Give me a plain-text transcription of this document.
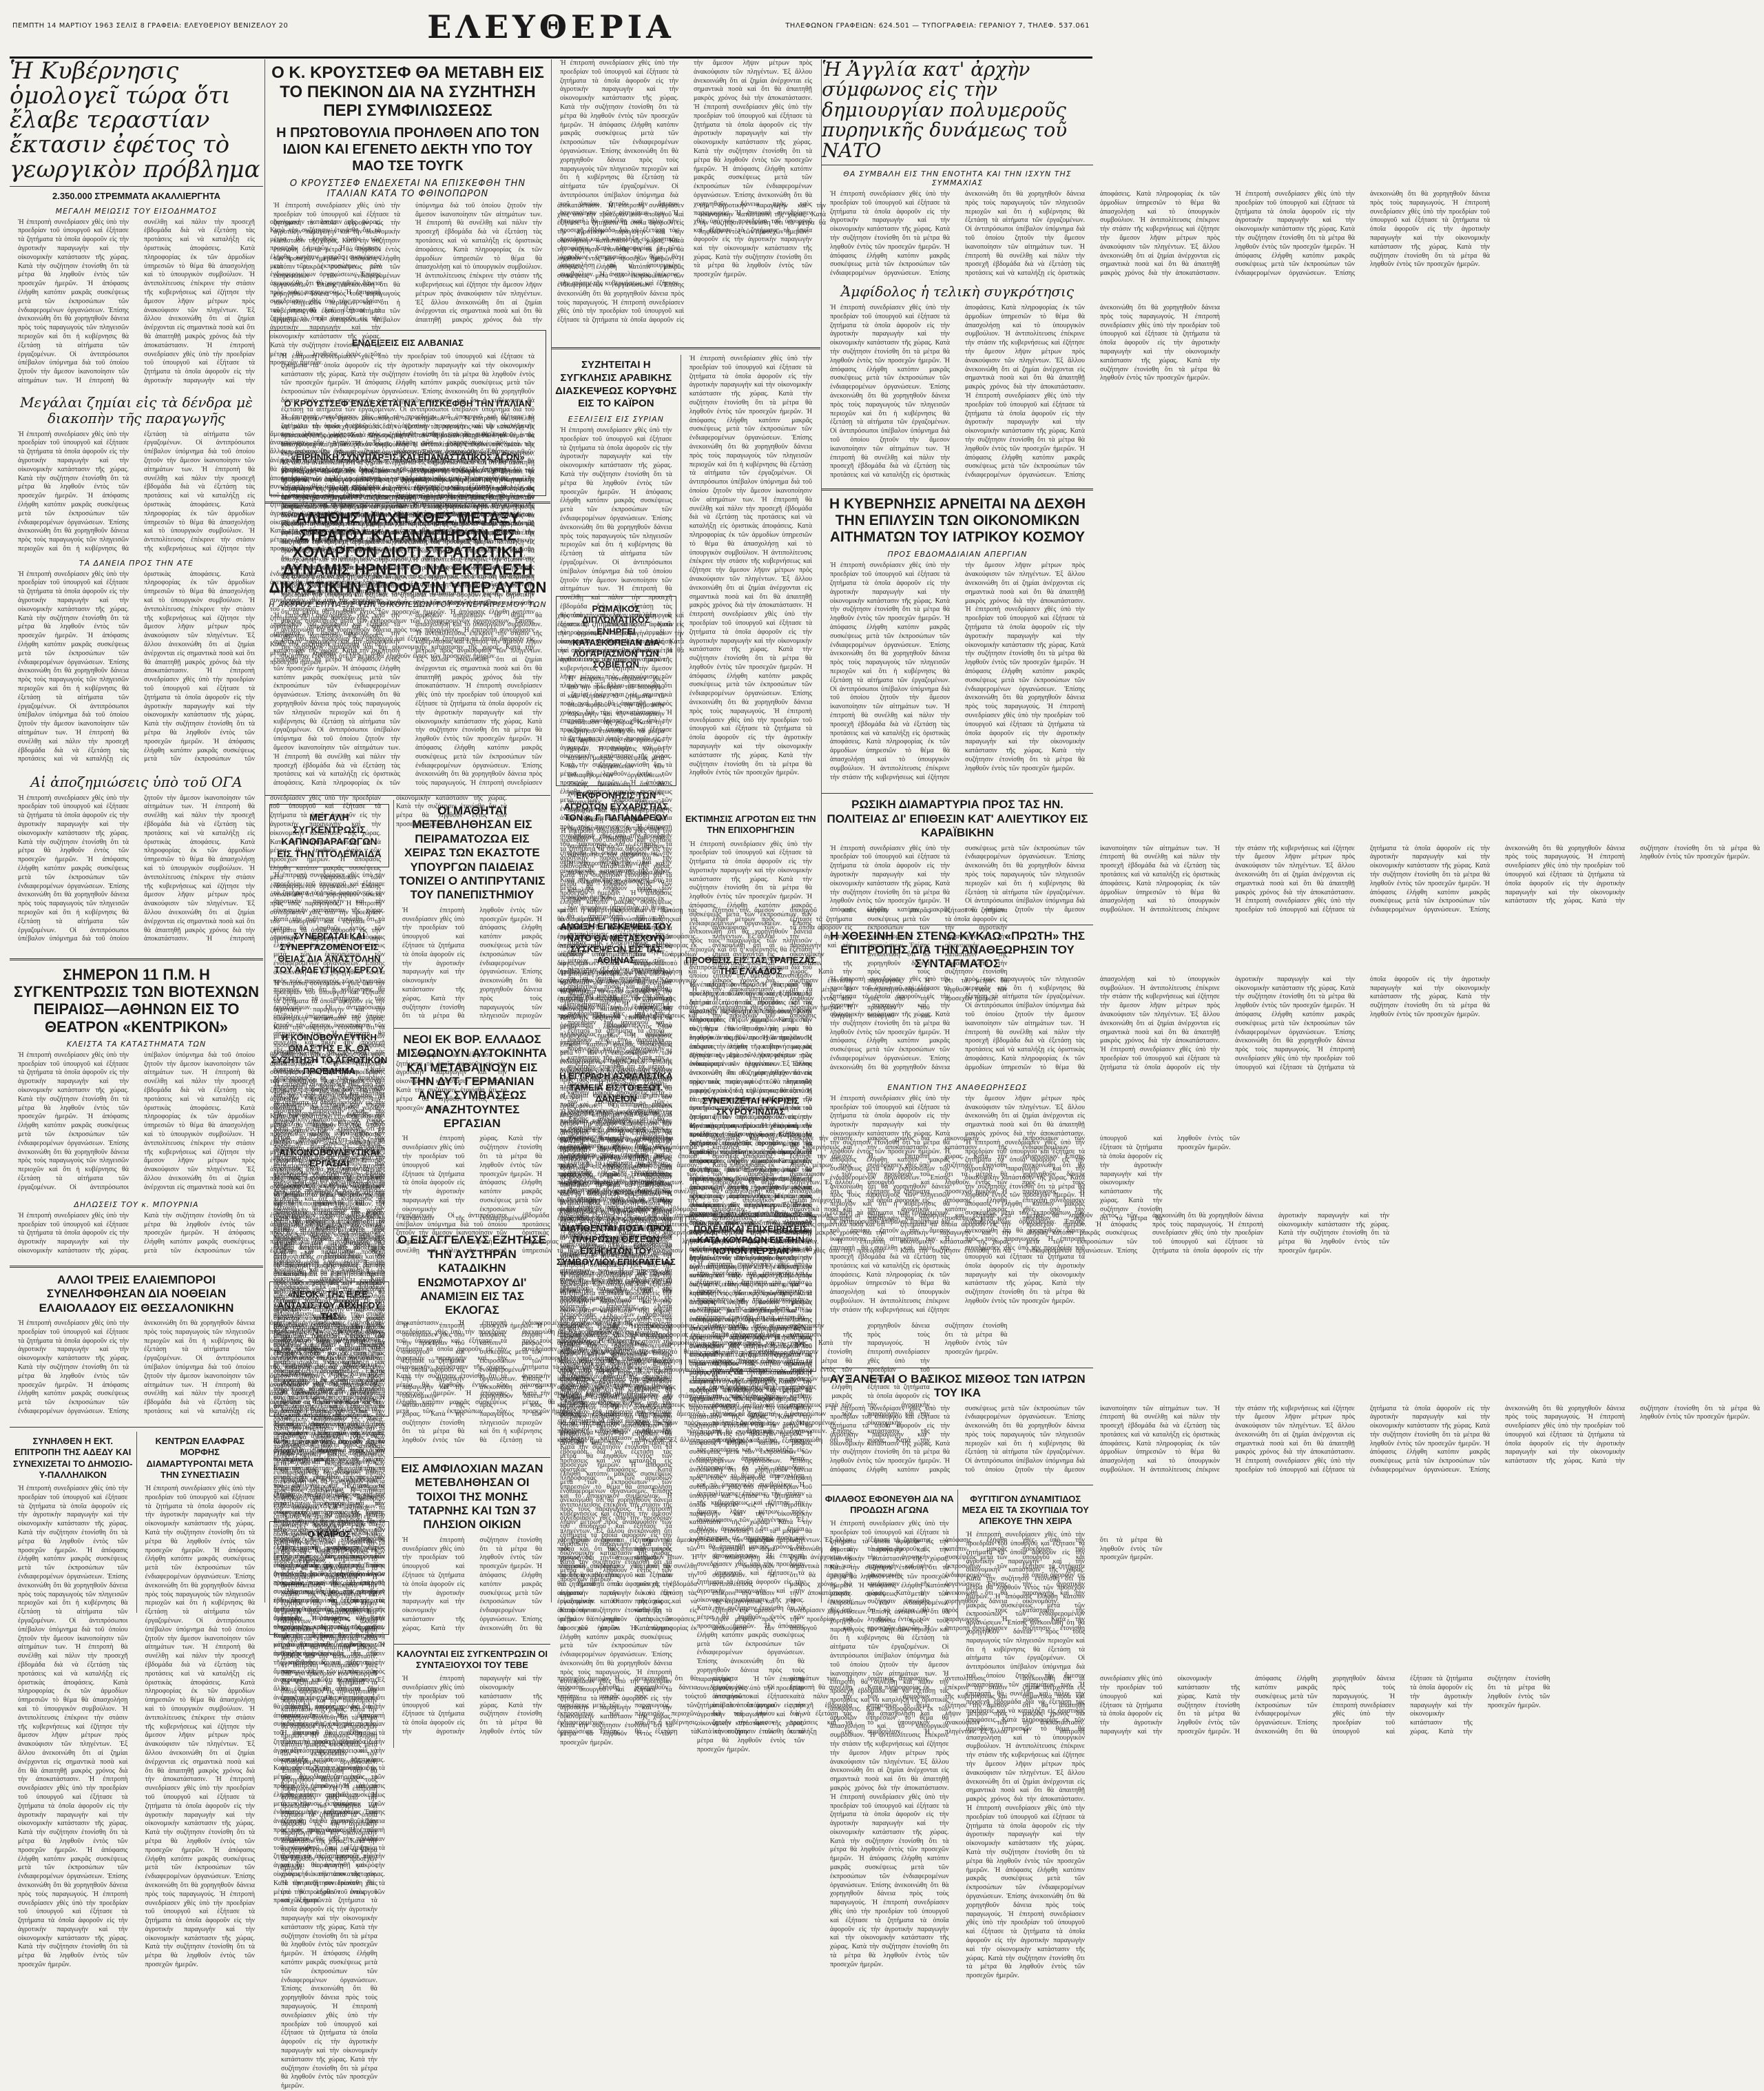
ΠΕΜΠΤΗ 14 ΜΑΡΤΙΟΥ 1963 ΣΕΛΙΣ 8 ΓΡΑΦΕΙΑ: ΕΛΕΥΘΕΡΙΟΥ ΒΕΝΙΖΕΛΟΥ 20	ΕΛΕΥΘΕΡΙΑ	ΤΗΛΕΦΩΝΟΝ ΓΡΑΦΕΙΩΝ: 624.501 — ΤΥΠΟΓΡΑΦΕΙΑ: ΓΕΡΑΝΙΟΥ 7, ΤΗΛΕΦ. 537.061
Ἡ Κυβέρνησις ὁμολογεῖ τώρα ὅτι ἔλαβε τεραστίαν ἔκτασιν ἐφέτος τὸ γεωργικὸν πρόβλημα
2.350.000 ΣΤΡΕΜΜΑΤΑ ΑΚΑΛΛΙΕΡΓΗΤΑ
ΜΕΓΑΛΗ ΜΕΙΩΣΙΣ ΤΟΥ ΕΙΣΟΔΗΜΑΤΟΣ
Ἡ ἐπιτροπὴ συνεδρίασεν χθὲς ὑπὸ τὴν προεδρίαν τοῦ ὑπουργοῦ καὶ ἐξήτασε τὰ ζητήματα τὰ ὁποῖα ἀφοροῦν εἰς τὴν ἀγροτικὴν παραγωγὴν καὶ τὴν οἰκονομικὴν κατάστασιν τῆς χώρας. Κατὰ τὴν συζήτησιν ἐτονίσθη ὅτι τὰ μέτρα θὰ ληφθοῦν ἐντὸς τῶν προσεχῶν ἡμερῶν. Ἡ ἀπόφασις ἐλήφθη κατόπιν μακρᾶς συσκέψεως μετὰ τῶν ἐκπροσώπων τῶν ἐνδιαφερομένων ὀργανώσεων. Ἐπίσης ἀνεκοινώθη ὅτι θὰ χορηγηθοῦν δάνεια πρὸς τοὺς παραγωγοὺς τῶν πληγεισῶν περιοχῶν καὶ ὅτι ἡ κυβέρνησις θὰ ἐξετάσῃ τὰ αἰτήματα τῶν ἐργαζομένων. Οἱ ἀντιπρόσωποι ὑπέβαλον ὑπόμνημα διὰ τοῦ ὁποίου ζητοῦν τὴν ἄμεσον ἱκανοποίησιν τῶν αἰτημάτων των. Ἡ ἐπιτροπὴ θὰ συνέλθῃ καὶ πάλιν τὴν προσεχῆ ἑβδομάδα διὰ νὰ ἐξετάσῃ τὰς προτάσεις καὶ νὰ καταλήξῃ εἰς ὁριστικὰς ἀποφάσεις. Κατὰ πληροφορίας ἐκ τῶν ἁρμοδίων ὑπηρεσιῶν τὸ θέμα θὰ ἀπασχολήσῃ καὶ τὸ ὑπουργικὸν συμβούλιον. Ἡ ἀντιπολίτευσις ἐπέκρινε τὴν στάσιν τῆς κυβερνήσεως καὶ ἐζήτησε τὴν ἄμεσον λῆψιν μέτρων πρὸς ἀνακούφισιν τῶν πληγέντων. Ἐξ ἄλλου ἀνεκοινώθη ὅτι αἱ ζημίαι ἀνέρχονται εἰς σημαντικὰ ποσὰ καὶ ὅτι θὰ ἀπαιτηθῇ μακρὸς χρόνος διὰ τὴν ἀποκατάστασιν. Ἡ ἐπιτροπὴ συνεδρίασεν χθὲς ὑπὸ τὴν προεδρίαν τοῦ ὑπουργοῦ καὶ ἐξήτασε τὰ ζητήματα τὰ ὁποῖα ἀφοροῦν εἰς τὴν ἀγροτικὴν παραγωγὴν καὶ τὴν οἰκονομικὴν κατάστασιν τῆς χώρας. Κατὰ τὴν συζήτησιν ἐτονίσθη ὅτι τὰ μέτρα θὰ ληφθοῦν ἐντὸς τῶν προσεχῶν ἡμερῶν. Ἡ ἀπόφασις ἐλήφθη κατόπιν μακρᾶς συσκέψεως μετὰ τῶν ἐκπροσώπων τῶν ἐνδιαφερομένων ὀργανώσεων. Ἐπίσης ἀνεκοινώθη ὅτι θὰ χορηγηθοῦν δάνεια πρὸς τοὺς παραγωγούς. Ἡ ἐπιτροπὴ συνεδρίασεν χθὲς ὑπὸ τὴν προεδρίαν τοῦ ὑπουργοῦ καὶ ἐξήτασε τὰ ζητήματα τὰ ὁποῖα ἀφοροῦν εἰς τὴν ἀγροτικὴν παραγωγὴν καὶ τὴν οἰκονομικὴν κατάστασιν τῆς χώρας. Κατὰ τὴν συζήτησιν ἐτονίσθη ὅτι τὰ μέτρα θὰ ληφθοῦν ἐντὸς τῶν προσεχῶν ἡμερῶν.
Μεγάλαι ζημίαι εἰς τὰ δένδρα μὲ διακοπὴν τῆς παραγωγῆς
Ἡ ἐπιτροπὴ συνεδρίασεν χθὲς ὑπὸ τὴν προεδρίαν τοῦ ὑπουργοῦ καὶ ἐξήτασε τὰ ζητήματα τὰ ὁποῖα ἀφοροῦν εἰς τὴν ἀγροτικὴν παραγωγὴν καὶ τὴν οἰκονομικὴν κατάστασιν τῆς χώρας. Κατὰ τὴν συζήτησιν ἐτονίσθη ὅτι τὰ μέτρα θὰ ληφθοῦν ἐντὸς τῶν προσεχῶν ἡμερῶν. Ἡ ἀπόφασις ἐλήφθη κατόπιν μακρᾶς συσκέψεως μετὰ τῶν ἐκπροσώπων τῶν ἐνδιαφερομένων ὀργανώσεων. Ἐπίσης ἀνεκοινώθη ὅτι θὰ χορηγηθοῦν δάνεια πρὸς τοὺς παραγωγοὺς τῶν πληγεισῶν περιοχῶν καὶ ὅτι ἡ κυβέρνησις θὰ ἐξετάσῃ τὰ αἰτήματα τῶν ἐργαζομένων. Οἱ ἀντιπρόσωποι ὑπέβαλον ὑπόμνημα διὰ τοῦ ὁποίου ζητοῦν τὴν ἄμεσον ἱκανοποίησιν τῶν αἰτημάτων των. Ἡ ἐπιτροπὴ θὰ συνέλθῃ καὶ πάλιν τὴν προσεχῆ ἑβδομάδα διὰ νὰ ἐξετάσῃ τὰς προτάσεις καὶ νὰ καταλήξῃ εἰς ὁριστικὰς ἀποφάσεις. Κατὰ πληροφορίας ἐκ τῶν ἁρμοδίων ὑπηρεσιῶν τὸ θέμα θὰ ἀπασχολήσῃ καὶ τὸ ὑπουργικὸν συμβούλιον. Ἡ ἀντιπολίτευσις ἐπέκρινε τὴν στάσιν τῆς κυβερνήσεως καὶ ἐζήτησε τὴν ἄμεσον λῆψιν μέτρων πρὸς ἀνακούφισιν τῶν πληγέντων. Ἐξ ἄλλου ἀνεκοινώθη ὅτι αἱ ζημίαι ἀνέρχονται εἰς σημαντικὰ ποσὰ καὶ ὅτι θὰ ἀπαιτηθῇ μακρὸς χρόνος διὰ τὴν ἀποκατάστασιν. Ἡ ἐπιτροπὴ συνεδρίασεν χθὲς ὑπὸ τὴν προεδρίαν τοῦ ὑπουργοῦ καὶ ἐξήτασε τὰ ζητήματα τὰ ὁποῖα ἀφοροῦν εἰς τὴν ἀγροτικὴν παραγωγὴν καὶ τὴν οἰκονομικὴν κατάστασιν τῆς χώρας. Κατὰ τὴν συζήτησιν ἐτονίσθη ὅτι τὰ μέτρα θὰ ληφθοῦν ἐντὸς τῶν προσεχῶν ἡμερῶν. Ἡ ἀπόφασις ἐλήφθη κατόπιν μακρᾶς συσκέψεως μετὰ τῶν ἐκπροσώπων τῶν ἐνδιαφερομένων ὀργανώσεων. Ἐπίσης ἀνεκοινώθη ὅτι θὰ χορηγηθοῦν δάνεια πρὸς τοὺς παραγωγούς. Ἡ ἐπιτροπὴ συνεδρίασεν χθὲς ὑπὸ τὴν προεδρίαν τοῦ ὑπουργοῦ καὶ ἐξήτασε τὰ ζητήματα τὰ ὁποῖα ἀφοροῦν εἰς τὴν ἀγροτικὴν παραγωγὴν καὶ τὴν οἰκονομικὴν κατάστασιν τῆς χώρας. Κατὰ τὴν συζήτησιν ἐτονίσθη ὅτι τὰ μέτρα θὰ ληφθοῦν ἐντὸς τῶν προσεχῶν ἡμερῶν.
ΤΑ ΔΑΝΕΙΑ ΠΡΟΣ ΤΗΝ ΑΤΕ
Ἡ ἐπιτροπὴ συνεδρίασεν χθὲς ὑπὸ τὴν προεδρίαν τοῦ ὑπουργοῦ καὶ ἐξήτασε τὰ ζητήματα τὰ ὁποῖα ἀφοροῦν εἰς τὴν ἀγροτικὴν παραγωγὴν καὶ τὴν οἰκονομικὴν κατάστασιν τῆς χώρας. Κατὰ τὴν συζήτησιν ἐτονίσθη ὅτι τὰ μέτρα θὰ ληφθοῦν ἐντὸς τῶν προσεχῶν ἡμερῶν. Ἡ ἀπόφασις ἐλήφθη κατόπιν μακρᾶς συσκέψεως μετὰ τῶν ἐκπροσώπων τῶν ἐνδιαφερομένων ὀργανώσεων. Ἐπίσης ἀνεκοινώθη ὅτι θὰ χορηγηθοῦν δάνεια πρὸς τοὺς παραγωγοὺς τῶν πληγεισῶν περιοχῶν καὶ ὅτι ἡ κυβέρνησις θὰ ἐξετάσῃ τὰ αἰτήματα τῶν ἐργαζομένων. Οἱ ἀντιπρόσωποι ὑπέβαλον ὑπόμνημα διὰ τοῦ ὁποίου ζητοῦν τὴν ἄμεσον ἱκανοποίησιν τῶν αἰτημάτων των. Ἡ ἐπιτροπὴ θὰ συνέλθῃ καὶ πάλιν τὴν προσεχῆ ἑβδομάδα διὰ νὰ ἐξετάσῃ τὰς προτάσεις καὶ νὰ καταλήξῃ εἰς ὁριστικὰς ἀποφάσεις. Κατὰ πληροφορίας ἐκ τῶν ἁρμοδίων ὑπηρεσιῶν τὸ θέμα θὰ ἀπασχολήσῃ καὶ τὸ ὑπουργικὸν συμβούλιον. Ἡ ἀντιπολίτευσις ἐπέκρινε τὴν στάσιν τῆς κυβερνήσεως καὶ ἐζήτησε τὴν ἄμεσον λῆψιν μέτρων πρὸς ἀνακούφισιν τῶν πληγέντων. Ἐξ ἄλλου ἀνεκοινώθη ὅτι αἱ ζημίαι ἀνέρχονται εἰς σημαντικὰ ποσὰ καὶ ὅτι θὰ ἀπαιτηθῇ μακρὸς χρόνος διὰ τὴν ἀποκατάστασιν. Ἡ ἐπιτροπὴ συνεδρίασεν χθὲς ὑπὸ τὴν προεδρίαν τοῦ ὑπουργοῦ καὶ ἐξήτασε τὰ ζητήματα τὰ ὁποῖα ἀφοροῦν εἰς τὴν ἀγροτικὴν παραγωγὴν καὶ τὴν οἰκονομικὴν κατάστασιν τῆς χώρας. Κατὰ τὴν συζήτησιν ἐτονίσθη ὅτι τὰ μέτρα θὰ ληφθοῦν ἐντὸς τῶν προσεχῶν ἡμερῶν. Ἡ ἀπόφασις ἐλήφθη κατόπιν μακρᾶς συσκέψεως μετὰ τῶν ἐκπροσώπων τῶν ἐνδιαφερομένων ὀργανώσεων. Ἐπίσης ἀνεκοινώθη ὅτι θὰ χορηγηθοῦν δάνεια πρὸς τοὺς παραγωγούς. Ἡ ἐπιτροπὴ συνεδρίασεν χθὲς ὑπὸ τὴν προεδρίαν τοῦ ὑπουργοῦ καὶ ἐξήτασε τὰ ζητήματα τὰ ὁποῖα ἀφοροῦν εἰς τὴν ἀγροτικὴν παραγωγὴν καὶ τὴν οἰκονομικὴν κατάστασιν τῆς χώρας. Κατὰ τὴν συζήτησιν ἐτονίσθη ὅτι τὰ μέτρα θὰ ληφθοῦν ἐντὸς τῶν προσεχῶν ἡμερῶν.
Αἱ ἀποζημιώσεις ὑπὸ τοῦ ΟΓΑ
Ἡ ἐπιτροπὴ συνεδρίασεν χθὲς ὑπὸ τὴν προεδρίαν τοῦ ὑπουργοῦ καὶ ἐξήτασε τὰ ζητήματα τὰ ὁποῖα ἀφοροῦν εἰς τὴν ἀγροτικὴν παραγωγὴν καὶ τὴν οἰκονομικὴν κατάστασιν τῆς χώρας. Κατὰ τὴν συζήτησιν ἐτονίσθη ὅτι τὰ μέτρα θὰ ληφθοῦν ἐντὸς τῶν προσεχῶν ἡμερῶν. Ἡ ἀπόφασις ἐλήφθη κατόπιν μακρᾶς συσκέψεως μετὰ τῶν ἐκπροσώπων τῶν ἐνδιαφερομένων ὀργανώσεων. Ἐπίσης ἀνεκοινώθη ὅτι θὰ χορηγηθοῦν δάνεια πρὸς τοὺς παραγωγοὺς τῶν πληγεισῶν περιοχῶν καὶ ὅτι ἡ κυβέρνησις θὰ ἐξετάσῃ τὰ αἰτήματα τῶν ἐργαζομένων. Οἱ ἀντιπρόσωποι ὑπέβαλον ὑπόμνημα διὰ τοῦ ὁποίου ζητοῦν τὴν ἄμεσον ἱκανοποίησιν τῶν αἰτημάτων των. Ἡ ἐπιτροπὴ θὰ συνέλθῃ καὶ πάλιν τὴν προσεχῆ ἑβδομάδα διὰ νὰ ἐξετάσῃ τὰς προτάσεις καὶ νὰ καταλήξῃ εἰς ὁριστικὰς ἀποφάσεις. Κατὰ πληροφορίας ἐκ τῶν ἁρμοδίων ὑπηρεσιῶν τὸ θέμα θὰ ἀπασχολήσῃ καὶ τὸ ὑπουργικὸν συμβούλιον. Ἡ ἀντιπολίτευσις ἐπέκρινε τὴν στάσιν τῆς κυβερνήσεως καὶ ἐζήτησε τὴν ἄμεσον λῆψιν μέτρων πρὸς ἀνακούφισιν τῶν πληγέντων. Ἐξ ἄλλου ἀνεκοινώθη ὅτι αἱ ζημίαι ἀνέρχονται εἰς σημαντικὰ ποσὰ καὶ ὅτι θὰ ἀπαιτηθῇ μακρὸς χρόνος διὰ τὴν ἀποκατάστασιν. Ἡ ἐπιτροπὴ συνεδρίασεν χθὲς ὑπὸ τὴν προεδρίαν τοῦ ὑπουργοῦ καὶ ἐξήτασε τὰ ζητήματα τὰ ὁποῖα ἀφοροῦν εἰς τὴν ἀγροτικὴν παραγωγὴν καὶ τὴν οἰκονομικὴν κατάστασιν τῆς χώρας. Κατὰ τὴν συζήτησιν ἐτονίσθη ὅτι τὰ μέτρα θὰ ληφθοῦν ἐντὸς τῶν προσεχῶν ἡμερῶν. Ἡ ἀπόφασις ἐλήφθη κατόπιν μακρᾶς συσκέψεως μετὰ τῶν ἐκπροσώπων τῶν ἐνδιαφερομένων ὀργανώσεων. Ἐπίσης ἀνεκοινώθη ὅτι θὰ χορηγηθοῦν δάνεια πρὸς τοὺς παραγωγούς. Ἡ ἐπιτροπὴ συνεδρίασεν χθὲς ὑπὸ τὴν προεδρίαν τοῦ ὑπουργοῦ καὶ ἐξήτασε τὰ ζητήματα τὰ ὁποῖα ἀφοροῦν εἰς τὴν ἀγροτικὴν παραγωγὴν καὶ τὴν οἰκονομικὴν κατάστασιν τῆς χώρας. Κατὰ τὴν συζήτησιν ἐτονίσθη ὅτι τὰ μέτρα θὰ ληφθοῦν ἐντὸς τῶν προσεχῶν ἡμερῶν.
ΣΗΜΕΡΟΝ 11 Π.Μ. Η ΣΥΓΚΕΝΤΡΩΣΙΣ ΤΩΝ ΒΙΟΤΕΧΝΩΝ ΠΕΙΡΑΙΩΣ—ΑΘΗΝΩΝ ΕΙΣ ΤΟ ΘΕΑΤΡΟΝ «ΚΕΝΤΡΙΚΟΝ»
ΚΛΕΙΣΤΑ ΤΑ ΚΑΤΑΣΤΗΜΑΤΑ ΤΩΝ
Ἡ ἐπιτροπὴ συνεδρίασεν χθὲς ὑπὸ τὴν προεδρίαν τοῦ ὑπουργοῦ καὶ ἐξήτασε τὰ ζητήματα τὰ ὁποῖα ἀφοροῦν εἰς τὴν ἀγροτικὴν παραγωγὴν καὶ τὴν οἰκονομικὴν κατάστασιν τῆς χώρας. Κατὰ τὴν συζήτησιν ἐτονίσθη ὅτι τὰ μέτρα θὰ ληφθοῦν ἐντὸς τῶν προσεχῶν ἡμερῶν. Ἡ ἀπόφασις ἐλήφθη κατόπιν μακρᾶς συσκέψεως μετὰ τῶν ἐκπροσώπων τῶν ἐνδιαφερομένων ὀργανώσεων. Ἐπίσης ἀνεκοινώθη ὅτι θὰ χορηγηθοῦν δάνεια πρὸς τοὺς παραγωγοὺς τῶν πληγεισῶν περιοχῶν καὶ ὅτι ἡ κυβέρνησις θὰ ἐξετάσῃ τὰ αἰτήματα τῶν ἐργαζομένων. Οἱ ἀντιπρόσωποι ὑπέβαλον ὑπόμνημα διὰ τοῦ ὁποίου ζητοῦν τὴν ἄμεσον ἱκανοποίησιν τῶν αἰτημάτων των. Ἡ ἐπιτροπὴ θὰ συνέλθῃ καὶ πάλιν τὴν προσεχῆ ἑβδομάδα διὰ νὰ ἐξετάσῃ τὰς προτάσεις καὶ νὰ καταλήξῃ εἰς ὁριστικὰς ἀποφάσεις. Κατὰ πληροφορίας ἐκ τῶν ἁρμοδίων ὑπηρεσιῶν τὸ θέμα θὰ ἀπασχολήσῃ καὶ τὸ ὑπουργικὸν συμβούλιον. Ἡ ἀντιπολίτευσις ἐπέκρινε τὴν στάσιν τῆς κυβερνήσεως καὶ ἐζήτησε τὴν ἄμεσον λῆψιν μέτρων πρὸς ἀνακούφισιν τῶν πληγέντων. Ἐξ ἄλλου ἀνεκοινώθη ὅτι αἱ ζημίαι ἀνέρχονται εἰς σημαντικὰ ποσὰ καὶ ὅτι θὰ ἀπαιτηθῇ μακρὸς χρόνος διὰ τὴν ἀποκατάστασιν. Ἡ ἐπιτροπὴ συνεδρίασεν χθὲς ὑπὸ τὴν προεδρίαν τοῦ ὑπουργοῦ καὶ ἐξήτασε τὰ ζητήματα τὰ ὁποῖα ἀφοροῦν εἰς τὴν ἀγροτικὴν παραγωγὴν καὶ τὴν οἰκονομικὴν κατάστασιν τῆς χώρας. Κατὰ τὴν συζήτησιν ἐτονίσθη ὅτι τὰ μέτρα θὰ ληφθοῦν ἐντὸς τῶν προσεχῶν ἡμερῶν. Ἡ ἀπόφασις ἐλήφθη κατόπιν μακρᾶς συσκέψεως μετὰ τῶν ἐκπροσώπων τῶν ἐνδιαφερομένων ὀργανώσεων. Ἐπίσης ἀνεκοινώθη ὅτι θὰ χορηγηθοῦν δάνεια πρὸς τοὺς παραγωγούς. Ἡ ἐπιτροπὴ συνεδρίασεν χθὲς ὑπὸ τὴν προεδρίαν τοῦ ὑπουργοῦ καὶ ἐξήτασε τὰ ζητήματα τὰ ὁποῖα ἀφοροῦν εἰς τὴν ἀγροτικὴν παραγωγὴν καὶ τὴν οἰκονομικὴν κατάστασιν τῆς χώρας. Κατὰ τὴν συζήτησιν ἐτονίσθη ὅτι τὰ μέτρα θὰ ληφθοῦν ἐντὸς τῶν προσεχῶν ἡμερῶν.
ΔΗΛΩΣΕΙΣ ΤΟΥ κ. ΜΠΟΥΡΝΙΑ
Ἡ ἐπιτροπὴ συνεδρίασεν χθὲς ὑπὸ τὴν προεδρίαν τοῦ ὑπουργοῦ καὶ ἐξήτασε τὰ ζητήματα τὰ ὁποῖα ἀφοροῦν εἰς τὴν ἀγροτικὴν παραγωγὴν καὶ τὴν οἰκονομικὴν κατάστασιν τῆς χώρας. Κατὰ τὴν συζήτησιν ἐτονίσθη ὅτι τὰ μέτρα θὰ ληφθοῦν ἐντὸς τῶν προσεχῶν ἡμερῶν. Ἡ ἀπόφασις ἐλήφθη κατόπιν μακρᾶς συσκέψεως μετὰ τῶν ἐκπροσώπων τῶν ἐνδιαφερομένων ὀργανώσεων. Ἐπίσης ἀνεκοινώθη ὅτι θὰ χορηγηθοῦν δάνεια πρὸς τοὺς παραγωγοὺς τῶν πληγεισῶν περιοχῶν καὶ ὅτι ἡ κυβέρνησις θὰ ἐξετάσῃ τὰ αἰτήματα τῶν ἐργαζομένων. Οἱ ἀντιπρόσωποι ὑπέβαλον ὑπόμνημα διὰ τοῦ ὁποίου ζητοῦν τὴν ἄμεσον ἱκανοποίησιν τῶν αἰτημάτων των. Ἡ ἐπιτροπὴ θὰ συνέλθῃ καὶ πάλιν τὴν προσεχῆ ἑβδομάδα διὰ νὰ ἐξετάσῃ τὰς προτάσεις καὶ νὰ καταλήξῃ εἰς ὁριστικὰς ἀποφάσεις. Κατὰ πληροφορίας ἐκ τῶν ἁρμοδίων ὑπηρεσιῶν τὸ θέμα θὰ ἀπασχολήσῃ καὶ τὸ ὑπουργικὸν συμβούλιον. Ἡ ἀντιπολίτευσις ἐπέκρινε τὴν στάσιν τῆς κυβερνήσεως καὶ ἐζήτησε τὴν ἄμεσον λῆψιν μέτρων πρὸς ἀνακούφισιν τῶν πληγέντων. Ἐξ ἄλλου ἀνεκοινώθη ὅτι αἱ ζημίαι ἀνέρχονται εἰς σημαντικὰ ποσὰ καὶ ὅτι θὰ ἀπαιτηθῇ μακρὸς χρόνος διὰ τὴν ἀποκατάστασιν. Ἡ ἐπιτροπὴ συνεδρίασεν χθὲς ὑπὸ τὴν προεδρίαν τοῦ ὑπουργοῦ καὶ ἐξήτασε τὰ ζητήματα τὰ ὁποῖα ἀφοροῦν εἰς τὴν ἀγροτικὴν παραγωγὴν καὶ τὴν οἰκονομικὴν κατάστασιν τῆς χώρας. Κατὰ τὴν συζήτησιν ἐτονίσθη ὅτι τὰ μέτρα θὰ ληφθοῦν ἐντὸς τῶν προσεχῶν ἡμερῶν. Ἡ ἀπόφασις ἐλήφθη κατόπιν μακρᾶς συσκέψεως μετὰ τῶν ἐκπροσώπων τῶν ἐνδιαφερομένων ὀργανώσεων. Ἐπίσης ἀνεκοινώθη ὅτι θὰ χορηγηθοῦν δάνεια πρὸς τοὺς παραγωγούς. Ἡ ἐπιτροπὴ συνεδρίασεν χθὲς ὑπὸ τὴν προεδρίαν τοῦ ὑπουργοῦ καὶ ἐξήτασε τὰ ζητήματα τὰ ὁποῖα ἀφοροῦν εἰς τὴν ἀγροτικὴν παραγωγὴν καὶ τὴν οἰκονομικὴν κατάστασιν τῆς χώρας. Κατὰ τὴν συζήτησιν ἐτονίσθη ὅτι τὰ μέτρα θὰ ληφθοῦν ἐντὸς τῶν προσεχῶν ἡμερῶν.
ΑΛΛΟΙ ΤΡΕΙΣ ΕΛΑΙΕΜΠΟΡΟΙ ΣΥΝΕΛΗΦΘΗΣΑΝ ΔΙΑ ΝΟΘΕΙΑΝ ΕΛΑΙΟΛΑΔΟΥ ΕΙΣ ΘΕΣΣΑΛΟΝΙΚΗΝ
Ἡ ἐπιτροπὴ συνεδρίασεν χθὲς ὑπὸ τὴν προεδρίαν τοῦ ὑπουργοῦ καὶ ἐξήτασε τὰ ζητήματα τὰ ὁποῖα ἀφοροῦν εἰς τὴν ἀγροτικὴν παραγωγὴν καὶ τὴν οἰκονομικὴν κατάστασιν τῆς χώρας. Κατὰ τὴν συζήτησιν ἐτονίσθη ὅτι τὰ μέτρα θὰ ληφθοῦν ἐντὸς τῶν προσεχῶν ἡμερῶν. Ἡ ἀπόφασις ἐλήφθη κατόπιν μακρᾶς συσκέψεως μετὰ τῶν ἐκπροσώπων τῶν ἐνδιαφερομένων ὀργανώσεων. Ἐπίσης ἀνεκοινώθη ὅτι θὰ χορηγηθοῦν δάνεια πρὸς τοὺς παραγωγοὺς τῶν πληγεισῶν περιοχῶν καὶ ὅτι ἡ κυβέρνησις θὰ ἐξετάσῃ τὰ αἰτήματα τῶν ἐργαζομένων. Οἱ ἀντιπρόσωποι ὑπέβαλον ὑπόμνημα διὰ τοῦ ὁποίου ζητοῦν τὴν ἄμεσον ἱκανοποίησιν τῶν αἰτημάτων των. Ἡ ἐπιτροπὴ θὰ συνέλθῃ καὶ πάλιν τὴν προσεχῆ ἑβδομάδα διὰ νὰ ἐξετάσῃ τὰς προτάσεις καὶ νὰ καταλήξῃ εἰς ὁριστικὰς ἀποφάσεις. Κατὰ πληροφορίας ἐκ τῶν ἁρμοδίων ὑπηρεσιῶν τὸ θέμα θὰ ἀπασχολήσῃ καὶ τὸ ὑπουργικὸν συμβούλιον. Ἡ ἀντιπολίτευσις ἐπέκρινε τὴν στάσιν τῆς κυβερνήσεως καὶ ἐζήτησε τὴν ἄμεσον λῆψιν μέτρων πρὸς ἀνακούφισιν τῶν πληγέντων. Ἐξ ἄλλου ἀνεκοινώθη ὅτι αἱ ζημίαι ἀνέρχονται εἰς σημαντικὰ ποσὰ καὶ ὅτι θὰ ἀπαιτηθῇ μακρὸς χρόνος διὰ τὴν ἀποκατάστασιν. Ἡ ἐπιτροπὴ συνεδρίασεν χθὲς ὑπὸ τὴν προεδρίαν τοῦ ὑπουργοῦ καὶ ἐξήτασε τὰ ζητήματα τὰ ὁποῖα ἀφοροῦν εἰς τὴν ἀγροτικὴν παραγωγὴν καὶ τὴν οἰκονομικὴν κατάστασιν τῆς χώρας. Κατὰ τὴν συζήτησιν ἐτονίσθη ὅτι τὰ μέτρα θὰ ληφθοῦν ἐντὸς τῶν προσεχῶν ἡμερῶν. Ἡ ἀπόφασις ἐλήφθη κατόπιν μακρᾶς συσκέψεως μετὰ τῶν ἐκπροσώπων τῶν ἐνδιαφερομένων ὀργανώσεων. Ἐπίσης ἀνεκοινώθη ὅτι θὰ χορηγηθοῦν δάνεια πρὸς τοὺς παραγωγούς. Ἡ ἐπιτροπὴ συνεδρίασεν χθὲς ὑπὸ τὴν προεδρίαν τοῦ ὑπουργοῦ καὶ ἐξήτασε τὰ ζητήματα τὰ ὁποῖα ἀφοροῦν εἰς τὴν ἀγροτικὴν παραγωγὴν καὶ τὴν οἰκονομικὴν κατάστασιν τῆς χώρας. Κατὰ τὴν συζήτησιν ἐτονίσθη ὅτι τὰ μέτρα θὰ ληφθοῦν ἐντὸς τῶν προσεχῶν ἡμερῶν.
ΣΥΝΗΛΘΕΝ Η ΕΚΤ. ΕΠΙΤΡΟΠΗ ΤΗΣ ΑΔΕΔΥ ΚΑΙ ΣΥΝΕΧΙΖΕΤΑΙ ΤΟ ΔΗΜΟΣΙΟ-Υ-ΠΑΛΛΗΛΙΚΟΝ
Ἡ ἐπιτροπὴ συνεδρίασεν χθὲς ὑπὸ τὴν προεδρίαν τοῦ ὑπουργοῦ καὶ ἐξήτασε τὰ ζητήματα τὰ ὁποῖα ἀφοροῦν εἰς τὴν ἀγροτικὴν παραγωγὴν καὶ τὴν οἰκονομικὴν κατάστασιν τῆς χώρας. Κατὰ τὴν συζήτησιν ἐτονίσθη ὅτι τὰ μέτρα θὰ ληφθοῦν ἐντὸς τῶν προσεχῶν ἡμερῶν. Ἡ ἀπόφασις ἐλήφθη κατόπιν μακρᾶς συσκέψεως μετὰ τῶν ἐκπροσώπων τῶν ἐνδιαφερομένων ὀργανώσεων. Ἐπίσης ἀνεκοινώθη ὅτι θὰ χορηγηθοῦν δάνεια πρὸς τοὺς παραγωγοὺς τῶν πληγεισῶν περιοχῶν καὶ ὅτι ἡ κυβέρνησις θὰ ἐξετάσῃ τὰ αἰτήματα τῶν ἐργαζομένων. Οἱ ἀντιπρόσωποι ὑπέβαλον ὑπόμνημα διὰ τοῦ ὁποίου ζητοῦν τὴν ἄμεσον ἱκανοποίησιν τῶν αἰτημάτων των. Ἡ ἐπιτροπὴ θὰ συνέλθῃ καὶ πάλιν τὴν προσεχῆ ἑβδομάδα διὰ νὰ ἐξετάσῃ τὰς προτάσεις καὶ νὰ καταλήξῃ εἰς ὁριστικὰς ἀποφάσεις. Κατὰ πληροφορίας ἐκ τῶν ἁρμοδίων ὑπηρεσιῶν τὸ θέμα θὰ ἀπασχολήσῃ καὶ τὸ ὑπουργικὸν συμβούλιον. Ἡ ἀντιπολίτευσις ἐπέκρινε τὴν στάσιν τῆς κυβερνήσεως καὶ ἐζήτησε τὴν ἄμεσον λῆψιν μέτρων πρὸς ἀνακούφισιν τῶν πληγέντων. Ἐξ ἄλλου ἀνεκοινώθη ὅτι αἱ ζημίαι ἀνέρχονται εἰς σημαντικὰ ποσὰ καὶ ὅτι θὰ ἀπαιτηθῇ μακρὸς χρόνος διὰ τὴν ἀποκατάστασιν. Ἡ ἐπιτροπὴ συνεδρίασεν χθὲς ὑπὸ τὴν προεδρίαν τοῦ ὑπουργοῦ καὶ ἐξήτασε τὰ ζητήματα τὰ ὁποῖα ἀφοροῦν εἰς τὴν ἀγροτικὴν παραγωγὴν καὶ τὴν οἰκονομικὴν κατάστασιν τῆς χώρας. Κατὰ τὴν συζήτησιν ἐτονίσθη ὅτι τὰ μέτρα θὰ ληφθοῦν ἐντὸς τῶν προσεχῶν ἡμερῶν. Ἡ ἀπόφασις ἐλήφθη κατόπιν μακρᾶς συσκέψεως μετὰ τῶν ἐκπροσώπων τῶν ἐνδιαφερομένων ὀργανώσεων. Ἐπίσης ἀνεκοινώθη ὅτι θὰ χορηγηθοῦν δάνεια πρὸς τοὺς παραγωγούς. Ἡ ἐπιτροπὴ συνεδρίασεν χθὲς ὑπὸ τὴν προεδρίαν τοῦ ὑπουργοῦ καὶ ἐξήτασε τὰ ζητήματα τὰ ὁποῖα ἀφοροῦν εἰς τὴν ἀγροτικὴν παραγωγὴν καὶ τὴν οἰκονομικὴν κατάστασιν τῆς χώρας. Κατὰ τὴν συζήτησιν ἐτονίσθη ὅτι τὰ μέτρα θὰ ληφθοῦν ἐντὸς τῶν προσεχῶν ἡμερῶν.
ΚΕΝΤΡΩΝ ΕΛΑΦΡΑΣ ΜΟΡΦΗΣ ΔΙΑΜΑΡΤΥΡΟΝΤΑΙ ΜΕΤΑ ΤΗΝ ΣΥΝΕΣΤΙΑΣΙΝ
Ἡ ἐπιτροπὴ συνεδρίασεν χθὲς ὑπὸ τὴν προεδρίαν τοῦ ὑπουργοῦ καὶ ἐξήτασε τὰ ζητήματα τὰ ὁποῖα ἀφοροῦν εἰς τὴν ἀγροτικὴν παραγωγὴν καὶ τὴν οἰκονομικὴν κατάστασιν τῆς χώρας. Κατὰ τὴν συζήτησιν ἐτονίσθη ὅτι τὰ μέτρα θὰ ληφθοῦν ἐντὸς τῶν προσεχῶν ἡμερῶν. Ἡ ἀπόφασις ἐλήφθη κατόπιν μακρᾶς συσκέψεως μετὰ τῶν ἐκπροσώπων τῶν ἐνδιαφερομένων ὀργανώσεων. Ἐπίσης ἀνεκοινώθη ὅτι θὰ χορηγηθοῦν δάνεια πρὸς τοὺς παραγωγοὺς τῶν πληγεισῶν περιοχῶν καὶ ὅτι ἡ κυβέρνησις θὰ ἐξετάσῃ τὰ αἰτήματα τῶν ἐργαζομένων. Οἱ ἀντιπρόσωποι ὑπέβαλον ὑπόμνημα διὰ τοῦ ὁποίου ζητοῦν τὴν ἄμεσον ἱκανοποίησιν τῶν αἰτημάτων των. Ἡ ἐπιτροπὴ θὰ συνέλθῃ καὶ πάλιν τὴν προσεχῆ ἑβδομάδα διὰ νὰ ἐξετάσῃ τὰς προτάσεις καὶ νὰ καταλήξῃ εἰς ὁριστικὰς ἀποφάσεις. Κατὰ πληροφορίας ἐκ τῶν ἁρμοδίων ὑπηρεσιῶν τὸ θέμα θὰ ἀπασχολήσῃ καὶ τὸ ὑπουργικὸν συμβούλιον. Ἡ ἀντιπολίτευσις ἐπέκρινε τὴν στάσιν τῆς κυβερνήσεως καὶ ἐζήτησε τὴν ἄμεσον λῆψιν μέτρων πρὸς ἀνακούφισιν τῶν πληγέντων. Ἐξ ἄλλου ἀνεκοινώθη ὅτι αἱ ζημίαι ἀνέρχονται εἰς σημαντικὰ ποσὰ καὶ ὅτι θὰ ἀπαιτηθῇ μακρὸς χρόνος διὰ τὴν ἀποκατάστασιν. Ἡ ἐπιτροπὴ συνεδρίασεν χθὲς ὑπὸ τὴν προεδρίαν τοῦ ὑπουργοῦ καὶ ἐξήτασε τὰ ζητήματα τὰ ὁποῖα ἀφοροῦν εἰς τὴν ἀγροτικὴν παραγωγὴν καὶ τὴν οἰκονομικὴν κατάστασιν τῆς χώρας. Κατὰ τὴν συζήτησιν ἐτονίσθη ὅτι τὰ μέτρα θὰ ληφθοῦν ἐντὸς τῶν προσεχῶν ἡμερῶν. Ἡ ἀπόφασις ἐλήφθη κατόπιν μακρᾶς συσκέψεως μετὰ τῶν ἐκπροσώπων τῶν ἐνδιαφερομένων ὀργανώσεων. Ἐπίσης ἀνεκοινώθη ὅτι θὰ χορηγηθοῦν δάνεια πρὸς τοὺς παραγωγούς. Ἡ ἐπιτροπὴ συνεδρίασεν χθὲς ὑπὸ τὴν προεδρίαν τοῦ ὑπουργοῦ καὶ ἐξήτασε τὰ ζητήματα τὰ ὁποῖα ἀφοροῦν εἰς τὴν ἀγροτικὴν παραγωγὴν καὶ τὴν οἰκονομικὴν κατάστασιν τῆς χώρας. Κατὰ τὴν συζήτησιν ἐτονίσθη ὅτι τὰ μέτρα θὰ ληφθοῦν ἐντὸς τῶν προσεχῶν ἡμερῶν.
Ο Κ. ΚΡΟΥΣΤΣΕΦ ΘΑ ΜΕΤΑΒΗ ΕΙΣ ΤΟ ΠΕΚΙΝΟΝ ΔΙΑ ΝΑ ΣΥΖΗΤΗΣΗ ΠΕΡΙ ΣΥΜΦΙΛΙΩΣΕΩΣ
Η ΠΡΩΤΟΒΟΥΛΙΑ ΠΡΟΗΛΘΕΝ ΑΠΟ ΤΟΝ ΙΔΙΟΝ ΚΑΙ ΕΓΕΝΕΤΟ ΔΕΚΤΗ ΥΠΟ ΤΟΥ ΜΑΟ ΤΣΕ ΤΟΥΓΚ
Ο ΚΡΟΥΣΤΣΕΦ ΕΝΔΕΧΕΤΑΙ ΝΑ ΕΠΙΣΚΕΦΘΗ ΤΗΝ ΙΤΑΛΙΑΝ ΚΑΤΑ ΤΟ ΦΘΙΝΟΠΩΡΟΝ
Ἡ ἐπιτροπὴ συνεδρίασεν χθὲς ὑπὸ τὴν προεδρίαν τοῦ ὑπουργοῦ καὶ ἐξήτασε τὰ ζητήματα τὰ ὁποῖα ἀφοροῦν εἰς τὴν ἀγροτικὴν παραγωγὴν καὶ τὴν οἰκονομικὴν κατάστασιν τῆς χώρας. Κατὰ τὴν συζήτησιν ἐτονίσθη ὅτι τὰ μέτρα θὰ ληφθοῦν ἐντὸς τῶν προσεχῶν ἡμερῶν. Ἡ ἀπόφασις ἐλήφθη κατόπιν μακρᾶς συσκέψεως μετὰ τῶν ἐκπροσώπων τῶν ἐνδιαφερομένων ὀργανώσεων. Ἐπίσης ἀνεκοινώθη ὅτι θὰ χορηγηθοῦν δάνεια πρὸς τοὺς παραγωγοὺς τῶν πληγεισῶν περιοχῶν καὶ ὅτι ἡ κυβέρνησις θὰ ἐξετάσῃ τὰ αἰτήματα τῶν ἐργαζομένων. Οἱ ἀντιπρόσωποι ὑπέβαλον ὑπόμνημα διὰ τοῦ ὁποίου ζητοῦν τὴν ἄμεσον ἱκανοποίησιν τῶν αἰτημάτων των. Ἡ ἐπιτροπὴ θὰ συνέλθῃ καὶ πάλιν τὴν προσεχῆ ἑβδομάδα διὰ νὰ ἐξετάσῃ τὰς προτάσεις καὶ νὰ καταλήξῃ εἰς ὁριστικὰς ἀποφάσεις. Κατὰ πληροφορίας ἐκ τῶν ἁρμοδίων ὑπηρεσιῶν τὸ θέμα θὰ ἀπασχολήσῃ καὶ τὸ ὑπουργικὸν συμβούλιον. Ἡ ἀντιπολίτευσις ἐπέκρινε τὴν στάσιν τῆς κυβερνήσεως καὶ ἐζήτησε τὴν ἄμεσον λῆψιν μέτρων πρὸς ἀνακούφισιν τῶν πληγέντων. Ἐξ ἄλλου ἀνεκοινώθη ὅτι αἱ ζημίαι ἀνέρχονται εἰς σημαντικὰ ποσὰ καὶ ὅτι θὰ ἀπαιτηθῇ μακρὸς χρόνος διὰ τὴν ἀποκατάστασιν. Ἡ ἐπιτροπὴ συνεδρίασεν χθὲς ὑπὸ τὴν προεδρίαν τοῦ ὑπουργοῦ καὶ ἐξήτασε τὰ ζητήματα τὰ ὁποῖα ἀφοροῦν εἰς τὴν ἀγροτικὴν παραγωγὴν καὶ τὴν οἰκονομικὴν κατάστασιν τῆς χώρας. Κατὰ τὴν συζήτησιν ἐτονίσθη ὅτι τὰ μέτρα θὰ ληφθοῦν ἐντὸς τῶν προσεχῶν ἡμερῶν. Ἡ ἀπόφασις ἐλήφθη κατόπιν μακρᾶς συσκέψεως μετὰ τῶν ἐκπροσώπων τῶν ἐνδιαφερομένων ὀργανώσεων. Ἐπίσης ἀνεκοινώθη ὅτι θὰ χορηγηθοῦν δάνεια πρὸς τοὺς παραγωγούς. Ἡ ἐπιτροπὴ συνεδρίασεν χθὲς ὑπὸ τὴν προεδρίαν τοῦ ὑπουργοῦ καὶ ἐξήτασε τὰ ζητήματα τὰ ὁποῖα ἀφοροῦν εἰς τὴν ἀγροτικὴν παραγωγὴν καὶ τὴν οἰκονομικὴν κατάστασιν τῆς χώρας. Κατὰ τὴν συζήτησιν ἐτονίσθη ὅτι τὰ μέτρα θὰ ληφθοῦν ἐντὸς τῶν προσεχῶν ἡμερῶν.
ΕΝΔΕΙΞΕΙΣ ΕΙΣ ΑΛΒΑΝΙΑΣ
Ἡ ἐπιτροπὴ συνεδρίασεν χθὲς ὑπὸ τὴν προεδρίαν τοῦ ὑπουργοῦ καὶ ἐξήτασε τὰ ζητήματα τὰ ὁποῖα ἀφοροῦν εἰς τὴν ἀγροτικὴν παραγωγὴν καὶ τὴν οἰκονομικὴν κατάστασιν τῆς χώρας. Κατὰ τὴν συζήτησιν ἐτονίσθη ὅτι τὰ μέτρα θὰ ληφθοῦν ἐντὸς τῶν προσεχῶν ἡμερῶν. Ἡ ἀπόφασις ἐλήφθη κατόπιν μακρᾶς συσκέψεως μετὰ τῶν ἐκπροσώπων τῶν ἐνδιαφερομένων ὀργανώσεων. Ἐπίσης ἀνεκοινώθη ὅτι θὰ χορηγηθοῦν δάνεια πρὸς τοὺς παραγωγοὺς τῶν πληγεισῶν περιοχῶν καὶ ὅτι ἡ κυβέρνησις θὰ ἐξετάσῃ τὰ αἰτήματα τῶν ἐργαζομένων. Οἱ ἀντιπρόσωποι ὑπέβαλον ὑπόμνημα διὰ τοῦ ὁποίου ζητοῦν τὴν ἄμεσον ἱκανοποίησιν τῶν αἰτημάτων των. Ἡ ἐπιτροπὴ θὰ συνέλθῃ καὶ πάλιν τὴν προσεχῆ ἑβδομάδα διὰ νὰ ἐξετάσῃ τὰς προτάσεις καὶ νὰ καταλήξῃ εἰς ὁριστικὰς ἀποφάσεις. Κατὰ πληροφορίας ἐκ τῶν ἁρμοδίων ὑπηρεσιῶν τὸ θέμα θὰ ἀπασχολήσῃ καὶ τὸ ὑπουργικὸν συμβούλιον. Ἡ ἀντιπολίτευσις ἐπέκρινε τὴν στάσιν τῆς κυβερνήσεως καὶ ἐζήτησε τὴν ἄμεσον λῆψιν μέτρων πρὸς ἀνακούφισιν τῶν πληγέντων. Ἐξ ἄλλου ἀνεκοινώθη ὅτι αἱ ζημίαι ἀνέρχονται εἰς σημαντικὰ ποσὰ καὶ ὅτι θὰ ἀπαιτηθῇ μακρὸς χρόνος διὰ τὴν ἀποκατάστασιν. Ἡ ἐπιτροπὴ συνεδρίασεν χθὲς ὑπὸ τὴν προεδρίαν τοῦ ὑπουργοῦ καὶ ἐξήτασε τὰ ζητήματα τὰ ὁποῖα ἀφοροῦν εἰς τὴν ἀγροτικὴν παραγωγὴν καὶ τὴν οἰκονομικὴν κατάστασιν τῆς χώρας. Κατὰ τὴν συζήτησιν ἐτονίσθη ὅτι τὰ μέτρα θὰ ληφθοῦν ἐντὸς τῶν προσεχῶν ἡμερῶν. Ἡ ἀπόφασις ἐλήφθη κατόπιν μακρᾶς συσκέψεως μετὰ τῶν ἐκπροσώπων τῶν ἐνδιαφερομένων ὀργανώσεων. Ἐπίσης ἀνεκοινώθη ὅτι θὰ χορηγηθοῦν δάνεια πρὸς τοὺς παραγωγούς. Ἡ ἐπιτροπὴ συνεδρίασεν χθὲς ὑπὸ τὴν προεδρίαν τοῦ ὑπουργοῦ καὶ ἐξήτασε τὰ ζητήματα τὰ ὁποῖα ἀφοροῦν εἰς τὴν ἀγροτικὴν παραγωγὴν καὶ τὴν οἰκονομικὴν κατάστασιν τῆς χώρας. Κατὰ τὴν συζήτησιν ἐτονίσθη ὅτι τὰ μέτρα θὰ ληφθοῦν ἐντὸς τῶν προσεχῶν ἡμερῶν.
Ο ΚΡΟΥΣΤΣΕΦ ΕΝΔΕΧΕΤΑΙ ΝΑ ΕΠΙΣΚΕΦΘΗ ΤΗΝ ΙΤΑΛΙΑΝ
Ἡ ἐπιτροπὴ συνεδρίασεν χθὲς ὑπὸ τὴν προεδρίαν τοῦ ὑπουργοῦ καὶ ἐξήτασε τὰ ζητήματα τὰ ὁποῖα ἀφοροῦν εἰς τὴν ἀγροτικὴν παραγωγὴν καὶ τὴν οἰκονομικὴν κατάστασιν τῆς χώρας. Κατὰ τὴν συζήτησιν ἐτονίσθη ὅτι τὰ μέτρα θὰ ληφθοῦν ἐντὸς τῶν προσεχῶν ἡμερῶν. Ἡ ἀπόφασις ἐλήφθη κατόπιν μακρᾶς συσκέψεως μετὰ τῶν ἐκπροσώπων τῶν ἐνδιαφερομένων ὀργανώσεων. Ἐπίσης ἀνεκοινώθη ὅτι θὰ χορηγηθοῦν δάνεια πρὸς τοὺς παραγωγοὺς τῶν πληγεισῶν περιοχῶν καὶ ὅτι ἡ κυβέρνησις θὰ ἐξετάσῃ τὰ αἰτήματα τῶν ἐργαζομένων. Οἱ ἀντιπρόσωποι ὑπέβαλον ὑπόμνημα διὰ τοῦ ὁποίου ζητοῦν τὴν ἄμεσον ἱκανοποίησιν τῶν αἰτημάτων των. Ἡ ἐπιτροπὴ θὰ συνέλθῃ καὶ πάλιν τὴν προσεχῆ ἑβδομάδα διὰ νὰ ἐξετάσῃ τὰς προτάσεις καὶ νὰ καταλήξῃ εἰς ὁριστικὰς ἀποφάσεις. Κατὰ πληροφορίας ἐκ τῶν ἁρμοδίων ὑπηρεσιῶν τὸ θέμα θὰ ἀπασχολήσῃ καὶ τὸ ὑπουργικὸν συμβούλιον. Ἡ ἀντιπολίτευσις ἐπέκρινε τὴν στάσιν τῆς κυβερνήσεως καὶ ἐζήτησε τὴν ἄμεσον λῆψιν μέτρων πρὸς ἀνακούφισιν τῶν πληγέντων. Ἐξ ἄλλου ἀνεκοινώθη ὅτι αἱ ζημίαι ἀνέρχονται εἰς σημαντικὰ ποσὰ καὶ ὅτι θὰ ἀπαιτηθῇ μακρὸς χρόνος διὰ τὴν ἀποκατάστασιν. Ἡ ἐπιτροπὴ συνεδρίασεν χθὲς ὑπὸ τὴν προεδρίαν τοῦ ὑπουργοῦ καὶ ἐξήτασε τὰ ζητήματα τὰ ὁποῖα ἀφοροῦν εἰς τὴν ἀγροτικὴν παραγωγὴν καὶ τὴν οἰκονομικὴν κατάστασιν τῆς χώρας. Κατὰ τὴν συζήτησιν ἐτονίσθη ὅτι τὰ μέτρα θὰ ληφθοῦν ἐντὸς τῶν προσεχῶν ἡμερῶν. Ἡ ἀπόφασις ἐλήφθη κατόπιν μακρᾶς συσκέψεως μετὰ τῶν ἐκπροσώπων τῶν ἐνδιαφερομένων ὀργανώσεων. Ἐπίσης ἀνεκοινώθη ὅτι θὰ χορηγηθοῦν δάνεια πρὸς τοὺς παραγωγούς. Ἡ ἐπιτροπὴ συνεδρίασεν χθὲς ὑπὸ τὴν προεδρίαν τοῦ ὑπουργοῦ καὶ ἐξήτασε τὰ ζητήματα τὰ ὁποῖα ἀφοροῦν εἰς τὴν ἀγροτικὴν παραγωγὴν καὶ τὴν οἰκονομικὴν κατάστασιν τῆς χώρας. Κατὰ τὴν συζήτησιν ἐτονίσθη ὅτι τὰ μέτρα θὰ ληφθοῦν ἐντὸς τῶν προσεχῶν ἡμερῶν.
«ΕΙΡΗΝΙΚΗ ΣΥΝΥΠΑΡΞΙΣ ΚΑΙ ΕΠΑΝΑΣΤΑΤΙΚΟΣ ΑΓΩΝ»
Ἡ ἐπιτροπὴ συνεδρίασεν χθὲς ὑπὸ τὴν προεδρίαν τοῦ ὑπουργοῦ καὶ ἐξήτασε τὰ ζητήματα τὰ ὁποῖα ἀφοροῦν εἰς τὴν ἀγροτικὴν παραγωγὴν καὶ τὴν οἰκονομικὴν κατάστασιν τῆς χώρας. Κατὰ τὴν συζήτησιν ἐτονίσθη ὅτι τὰ μέτρα θὰ ληφθοῦν ἐντὸς τῶν προσεχῶν ἡμερῶν. Ἡ ἀπόφασις ἐλήφθη κατόπιν μακρᾶς συσκέψεως μετὰ τῶν ἐκπροσώπων τῶν ἐνδιαφερομένων ὀργανώσεων. Ἐπίσης ἀνεκοινώθη ὅτι θὰ χορηγηθοῦν δάνεια πρὸς τοὺς παραγωγοὺς τῶν πληγεισῶν περιοχῶν καὶ ὅτι ἡ κυβέρνησις θὰ ἐξετάσῃ τὰ αἰτήματα τῶν ἐργαζομένων. Οἱ ἀντιπρόσωποι ὑπέβαλον ὑπόμνημα διὰ τοῦ ὁποίου ζητοῦν τὴν ἄμεσον ἱκανοποίησιν τῶν αἰτημάτων των. Ἡ ἐπιτροπὴ θὰ συνέλθῃ καὶ πάλιν τὴν προσεχῆ ἑβδομάδα διὰ νὰ ἐξετάσῃ τὰς προτάσεις καὶ νὰ καταλήξῃ εἰς ὁριστικὰς ἀποφάσεις. Κατὰ πληροφορίας ἐκ τῶν ἁρμοδίων ὑπηρεσιῶν τὸ θέμα θὰ ἀπασχολήσῃ καὶ τὸ ὑπουργικὸν συμβούλιον. Ἡ ἀντιπολίτευσις ἐπέκρινε τὴν στάσιν τῆς κυβερνήσεως καὶ ἐζήτησε τὴν ἄμεσον λῆψιν μέτρων πρὸς ἀνακούφισιν τῶν πληγέντων. Ἐξ ἄλλου ἀνεκοινώθη ὅτι αἱ ζημίαι ἀνέρχονται εἰς σημαντικὰ ποσὰ καὶ ὅτι θὰ ἀπαιτηθῇ μακρὸς χρόνος διὰ τὴν ἀποκατάστασιν. Ἡ ἐπιτροπὴ συνεδρίασεν χθὲς ὑπὸ τὴν προεδρίαν τοῦ ὑπουργοῦ καὶ ἐξήτασε τὰ ζητήματα τὰ ὁποῖα ἀφοροῦν εἰς τὴν ἀγροτικὴν παραγωγὴν καὶ τὴν οἰκονομικὴν κατάστασιν τῆς χώρας. Κατὰ τὴν συζήτησιν ἐτονίσθη ὅτι τὰ μέτρα θὰ ληφθοῦν ἐντὸς τῶν προσεχῶν ἡμερῶν. Ἡ ἀπόφασις ἐλήφθη κατόπιν μακρᾶς συσκέψεως μετὰ τῶν ἐκπροσώπων τῶν ἐνδιαφερομένων ὀργανώσεων. Ἐπίσης ἀνεκοινώθη ὅτι θὰ χορηγηθοῦν δάνεια πρὸς τοὺς παραγωγούς. Ἡ ἐπιτροπὴ συνεδρίασεν χθὲς ὑπὸ τὴν προεδρίαν τοῦ ὑπουργοῦ καὶ ἐξήτασε τὰ ζητήματα τὰ ὁποῖα ἀφοροῦν εἰς τὴν ἀγροτικὴν παραγωγὴν καὶ τὴν οἰκονομικὴν κατάστασιν τῆς χώρας. Κατὰ τὴν συζήτησιν ἐτονίσθη ὅτι τὰ μέτρα θὰ ληφθοῦν ἐντὸς τῶν προσεχῶν ἡμερῶν.
ΑΛΗΘΗΣ ΜΑΧΗ ΧΘΕΣ ΜΕΤΑΞΥ ΣΤΡΑΤΟΥ ΚΑΙ ΑΝΑΠΗΡΩΝ ΕΙΣ ΧΟΛΑΡΓΟΝ ΔΙΟΤΙ ΣΤΡΑΤΙΩΤΙΚΗ ΔΥΝΑΜΙΣ ΗΡΝΕΙΤΟ ΝΑ ΕΚΤΕΛΕΣΗ ΔΙΚΑΣΤΙΚΗΝ ΑΠΟΦΑΣΙΝ ΥΠΕΡ ΑΥΤΩΝ
Η ΑΚΥΡΟΣ ΕΠΙΤΑΞΙΣ ΤΩΝ ΟΙΚΟΠΕΔΩΝ ΤΟΥ ΣΥΝΕΤΑΙΡΙΣΜΟΥ ΤΩΝ
Ἡ ἐπιτροπὴ συνεδρίασεν χθὲς ὑπὸ τὴν προεδρίαν τοῦ ὑπουργοῦ καὶ ἐξήτασε τὰ ζητήματα τὰ ὁποῖα ἀφοροῦν εἰς τὴν ἀγροτικὴν παραγωγὴν καὶ τὴν οἰκονομικὴν κατάστασιν τῆς χώρας. Κατὰ τὴν συζήτησιν ἐτονίσθη ὅτι τὰ μέτρα θὰ ληφθοῦν ἐντὸς τῶν προσεχῶν ἡμερῶν. Ἡ ἀπόφασις ἐλήφθη κατόπιν μακρᾶς συσκέψεως μετὰ τῶν ἐκπροσώπων τῶν ἐνδιαφερομένων ὀργανώσεων. Ἐπίσης ἀνεκοινώθη ὅτι θὰ χορηγηθοῦν δάνεια πρὸς τοὺς παραγωγοὺς τῶν πληγεισῶν περιοχῶν καὶ ὅτι ἡ κυβέρνησις θὰ ἐξετάσῃ τὰ αἰτήματα τῶν ἐργαζομένων. Οἱ ἀντιπρόσωποι ὑπέβαλον ὑπόμνημα διὰ τοῦ ὁποίου ζητοῦν τὴν ἄμεσον ἱκανοποίησιν τῶν αἰτημάτων των. Ἡ ἐπιτροπὴ θὰ συνέλθῃ καὶ πάλιν τὴν προσεχῆ ἑβδομάδα διὰ νὰ ἐξετάσῃ τὰς προτάσεις καὶ νὰ καταλήξῃ εἰς ὁριστικὰς ἀποφάσεις. Κατὰ πληροφορίας ἐκ τῶν ἁρμοδίων ὑπηρεσιῶν τὸ θέμα θὰ ἀπασχολήσῃ καὶ τὸ ὑπουργικὸν συμβούλιον. Ἡ ἀντιπολίτευσις ἐπέκρινε τὴν στάσιν τῆς κυβερνήσεως καὶ ἐζήτησε τὴν ἄμεσον λῆψιν μέτρων πρὸς ἀνακούφισιν τῶν πληγέντων. Ἐξ ἄλλου ἀνεκοινώθη ὅτι αἱ ζημίαι ἀνέρχονται εἰς σημαντικὰ ποσὰ καὶ ὅτι θὰ ἀπαιτηθῇ μακρὸς χρόνος διὰ τὴν ἀποκατάστασιν. Ἡ ἐπιτροπὴ συνεδρίασεν χθὲς ὑπὸ τὴν προεδρίαν τοῦ ὑπουργοῦ καὶ ἐξήτασε τὰ ζητήματα τὰ ὁποῖα ἀφοροῦν εἰς τὴν ἀγροτικὴν παραγωγὴν καὶ τὴν οἰκονομικὴν κατάστασιν τῆς χώρας. Κατὰ τὴν συζήτησιν ἐτονίσθη ὅτι τὰ μέτρα θὰ ληφθοῦν ἐντὸς τῶν προσεχῶν ἡμερῶν. Ἡ ἀπόφασις ἐλήφθη κατόπιν μακρᾶς συσκέψεως μετὰ τῶν ἐκπροσώπων τῶν ἐνδιαφερομένων ὀργανώσεων. Ἐπίσης ἀνεκοινώθη ὅτι θὰ χορηγηθοῦν δάνεια πρὸς τοὺς παραγωγούς. Ἡ ἐπιτροπὴ συνεδρίασεν χθὲς ὑπὸ τὴν προεδρίαν τοῦ ὑπουργοῦ καὶ ἐξήτασε τὰ ζητήματα τὰ ὁποῖα ἀφοροῦν εἰς τὴν ἀγροτικὴν παραγωγὴν καὶ τὴν οἰκονομικὴν κατάστασιν τῆς χώρας. Κατὰ τὴν συζήτησιν ἐτονίσθη ὅτι τὰ μέτρα θὰ ληφθοῦν ἐντὸς τῶν προσεχῶν ἡμερῶν.
ΜΕΓΑΛΗ ΣΥΓΚΕΝΤΡΩΣΙΣ ΚΑΠΝΟΠΑΡΑΓΩΓΩΝ ΕΙΣ ΤΗΝ ΠΤΟΛΕΜΑΪΔΑ
Ἡ ἐπιτροπὴ συνεδρίασεν χθὲς ὑπὸ τὴν προεδρίαν τοῦ ὑπουργοῦ καὶ ἐξήτασε τὰ ζητήματα τὰ ὁποῖα ἀφοροῦν εἰς τὴν ἀγροτικὴν παραγωγὴν καὶ τὴν οἰκονομικὴν κατάστασιν τῆς χώρας. Κατὰ τὴν συζήτησιν ἐτονίσθη ὅτι τὰ μέτρα θὰ ληφθοῦν ἐντὸς τῶν προσεχῶν ἡμερῶν. Ἡ ἀπόφασις ἐλήφθη κατόπιν μακρᾶς συσκέψεως μετὰ τῶν ἐκπροσώπων τῶν ἐνδιαφερομένων ὀργανώσεων. Ἐπίσης ἀνεκοινώθη ὅτι θὰ χορηγηθοῦν δάνεια πρὸς τοὺς παραγωγοὺς τῶν πληγεισῶν περιοχῶν καὶ ὅτι ἡ κυβέρνησις θὰ ἐξετάσῃ τὰ αἰτήματα τῶν ἐργαζομένων. Οἱ ἀντιπρόσωποι ὑπέβαλον ὑπόμνημα διὰ τοῦ ὁποίου ζητοῦν τὴν ἄμεσον ἱκανοποίησιν τῶν αἰτημάτων των. Ἡ ἐπιτροπὴ θὰ συνέλθῃ καὶ πάλιν τὴν προσεχῆ ἑβδομάδα διὰ νὰ ἐξετάσῃ τὰς προτάσεις καὶ νὰ καταλήξῃ εἰς ὁριστικὰς ἀποφάσεις. Κατὰ πληροφορίας ἐκ τῶν ἁρμοδίων ὑπηρεσιῶν τὸ θέμα θὰ ἀπασχολήσῃ καὶ τὸ ὑπουργικὸν συμβούλιον. Ἡ ἀντιπολίτευσις ἐπέκρινε τὴν στάσιν τῆς κυβερνήσεως καὶ ἐζήτησε τὴν ἄμεσον λῆψιν μέτρων πρὸς ἀνακούφισιν τῶν πληγέντων. Ἐξ ἄλλου ἀνεκοινώθη ὅτι αἱ ζημίαι ἀνέρχονται εἰς σημαντικὰ ποσὰ καὶ ὅτι θὰ ἀπαιτηθῇ μακρὸς χρόνος διὰ τὴν ἀποκατάστασιν. Ἡ ἐπιτροπὴ συνεδρίασεν χθὲς ὑπὸ τὴν προεδρίαν τοῦ ὑπουργοῦ καὶ ἐξήτασε τὰ ζητήματα τὰ ὁποῖα ἀφοροῦν εἰς τὴν ἀγροτικὴν παραγωγὴν καὶ τὴν οἰκονομικὴν κατάστασιν τῆς χώρας. Κατὰ τὴν συζήτησιν ἐτονίσθη ὅτι τὰ μέτρα θὰ ληφθοῦν ἐντὸς τῶν προσεχῶν ἡμερῶν. Ἡ ἀπόφασις ἐλήφθη κατόπιν μακρᾶς συσκέψεως μετὰ τῶν ἐκπροσώπων τῶν ἐνδιαφερομένων ὀργανώσεων. Ἐπίσης ἀνεκοινώθη ὅτι θὰ χορηγηθοῦν δάνεια πρὸς τοὺς παραγωγούς. Ἡ ἐπιτροπὴ συνεδρίασεν χθὲς ὑπὸ τὴν προεδρίαν τοῦ ὑπουργοῦ καὶ ἐξήτασε τὰ ζητήματα τὰ ὁποῖα ἀφοροῦν εἰς τὴν ἀγροτικὴν παραγωγὴν καὶ τὴν οἰκονομικὴν κατάστασιν τῆς χώρας. Κατὰ τὴν συζήτησιν ἐτονίσθη ὅτι τὰ μέτρα θὰ ληφθοῦν ἐντὸς τῶν προσεχῶν ἡμερῶν.
ΣΥΝΕΡΓΑΤΑΙ ΚΑΙ ΣΥΝΕΡΓΑΖΟΜΕΝΟΙ ΕΙΣ ΘΕΙΑΣ ΔΙΑ ΑΝΑΣΤΟΛΗΝ ΤΟΥ ΑΡΔΕΥΤΙΚΟΥ ΕΡΓΟΥ
Ἡ ἐπιτροπὴ συνεδρίασεν χθὲς ὑπὸ τὴν προεδρίαν τοῦ ὑπουργοῦ καὶ ἐξήτασε τὰ ζητήματα τὰ ὁποῖα ἀφοροῦν εἰς τὴν ἀγροτικὴν παραγωγὴν καὶ τὴν οἰκονομικὴν κατάστασιν τῆς χώρας. Κατὰ τὴν συζήτησιν ἐτονίσθη ὅτι τὰ μέτρα θὰ ληφθοῦν ἐντὸς τῶν προσεχῶν ἡμερῶν. Ἡ ἀπόφασις ἐλήφθη κατόπιν μακρᾶς συσκέψεως μετὰ τῶν ἐκπροσώπων τῶν ἐνδιαφερομένων ὀργανώσεων. Ἐπίσης ἀνεκοινώθη ὅτι θὰ χορηγηθοῦν δάνεια πρὸς τοὺς παραγωγοὺς τῶν πληγεισῶν περιοχῶν καὶ ὅτι ἡ κυβέρνησις θὰ ἐξετάσῃ τὰ αἰτήματα τῶν ἐργαζομένων. Οἱ ἀντιπρόσωποι ὑπέβαλον ὑπόμνημα διὰ τοῦ ὁποίου ζητοῦν τὴν ἄμεσον ἱκανοποίησιν τῶν αἰτημάτων των. Ἡ ἐπιτροπὴ θὰ συνέλθῃ καὶ πάλιν τὴν προσεχῆ ἑβδομάδα διὰ νὰ ἐξετάσῃ τὰς προτάσεις καὶ νὰ καταλήξῃ εἰς ὁριστικὰς ἀποφάσεις. Κατὰ πληροφορίας ἐκ τῶν ἁρμοδίων ὑπηρεσιῶν τὸ θέμα θὰ ἀπασχολήσῃ καὶ τὸ ὑπουργικὸν συμβούλιον. Ἡ ἀντιπολίτευσις ἐπέκρινε τὴν στάσιν τῆς κυβερνήσεως καὶ ἐζήτησε τὴν ἄμεσον λῆψιν μέτρων πρὸς ἀνακούφισιν τῶν πληγέντων. Ἐξ ἄλλου ἀνεκοινώθη ὅτι αἱ ζημίαι ἀνέρχονται εἰς σημαντικὰ ποσὰ καὶ ὅτι θὰ ἀπαιτηθῇ μακρὸς χρόνος διὰ τὴν ἀποκατάστασιν. Ἡ ἐπιτροπὴ συνεδρίασεν χθὲς ὑπὸ τὴν προεδρίαν τοῦ ὑπουργοῦ καὶ ἐξήτασε τὰ ζητήματα τὰ ὁποῖα ἀφοροῦν εἰς τὴν ἀγροτικὴν παραγωγὴν καὶ τὴν οἰκονομικὴν κατάστασιν τῆς χώρας. Κατὰ τὴν συζήτησιν ἐτονίσθη ὅτι τὰ μέτρα θὰ ληφθοῦν ἐντὸς τῶν προσεχῶν ἡμερῶν. Ἡ ἀπόφασις ἐλήφθη κατόπιν μακρᾶς συσκέψεως μετὰ τῶν ἐκπροσώπων τῶν ἐνδιαφερομένων ὀργανώσεων. Ἐπίσης ἀνεκοινώθη ὅτι θὰ χορηγηθοῦν δάνεια πρὸς τοὺς παραγωγούς. Ἡ ἐπιτροπὴ συνεδρίασεν χθὲς ὑπὸ τὴν προεδρίαν τοῦ ὑπουργοῦ καὶ ἐξήτασε τὰ ζητήματα τὰ ὁποῖα ἀφοροῦν εἰς τὴν ἀγροτικὴν παραγωγὴν καὶ τὴν οἰκονομικὴν κατάστασιν τῆς χώρας. Κατὰ τὴν συζήτησιν ἐτονίσθη ὅτι τὰ μέτρα θὰ ληφθοῦν ἐντὸς τῶν προσεχῶν ἡμερῶν.
Η ΚΟΙΝΟΒΟΥΛΕΥΤΙΚΗ ΟΜΑΣ ΤΗΣ Ε.Κ. ΘΑ ΣΥΖΗΤΗΣΗ ΤΟ ΑΓΡΟΤΙΚΟΝ ΠΡΟΒΛΗΜΑ
Ἡ ἐπιτροπὴ συνεδρίασεν χθὲς ὑπὸ τὴν προεδρίαν τοῦ ὑπουργοῦ καὶ ἐξήτασε τὰ ζητήματα τὰ ὁποῖα ἀφοροῦν εἰς τὴν ἀγροτικὴν παραγωγὴν καὶ τὴν οἰκονομικὴν κατάστασιν τῆς χώρας. Κατὰ τὴν συζήτησιν ἐτονίσθη ὅτι τὰ μέτρα θὰ ληφθοῦν ἐντὸς τῶν προσεχῶν ἡμερῶν. Ἡ ἀπόφασις ἐλήφθη κατόπιν μακρᾶς συσκέψεως μετὰ τῶν ἐκπροσώπων τῶν ἐνδιαφερομένων ὀργανώσεων. Ἐπίσης ἀνεκοινώθη ὅτι θὰ χορηγηθοῦν δάνεια πρὸς τοὺς παραγωγοὺς τῶν πληγεισῶν περιοχῶν καὶ ὅτι ἡ κυβέρνησις θὰ ἐξετάσῃ τὰ αἰτήματα τῶν ἐργαζομένων. Οἱ ἀντιπρόσωποι ὑπέβαλον ὑπόμνημα διὰ τοῦ ὁποίου ζητοῦν τὴν ἄμεσον ἱκανοποίησιν τῶν αἰτημάτων των. Ἡ ἐπιτροπὴ θὰ συνέλθῃ καὶ πάλιν τὴν προσεχῆ ἑβδομάδα διὰ νὰ ἐξετάσῃ τὰς προτάσεις καὶ νὰ καταλήξῃ εἰς ὁριστικὰς ἀποφάσεις. Κατὰ πληροφορίας ἐκ τῶν ἁρμοδίων ὑπηρεσιῶν τὸ θέμα θὰ ἀπασχολήσῃ καὶ τὸ ὑπουργικὸν συμβούλιον. Ἡ ἀντιπολίτευσις ἐπέκρινε τὴν στάσιν τῆς κυβερνήσεως καὶ ἐζήτησε τὴν ἄμεσον λῆψιν μέτρων πρὸς ἀνακούφισιν τῶν πληγέντων. Ἐξ ἄλλου ἀνεκοινώθη ὅτι αἱ ζημίαι ἀνέρχονται εἰς σημαντικὰ ποσὰ καὶ ὅτι θὰ ἀπαιτηθῇ μακρὸς χρόνος διὰ τὴν ἀποκατάστασιν. Ἡ ἐπιτροπὴ συνεδρίασεν χθὲς ὑπὸ τὴν προεδρίαν τοῦ ὑπουργοῦ καὶ ἐξήτασε τὰ ζητήματα τὰ ὁποῖα ἀφοροῦν εἰς τὴν ἀγροτικὴν παραγωγὴν καὶ τὴν οἰκονομικὴν κατάστασιν τῆς χώρας. Κατὰ τὴν συζήτησιν ἐτονίσθη ὅτι τὰ μέτρα θὰ ληφθοῦν ἐντὸς τῶν προσεχῶν ἡμερῶν. Ἡ ἀπόφασις ἐλήφθη κατόπιν μακρᾶς συσκέψεως μετὰ τῶν ἐκπροσώπων τῶν ἐνδιαφερομένων ὀργανώσεων. Ἐπίσης ἀνεκοινώθη ὅτι θὰ χορηγηθοῦν δάνεια πρὸς τοὺς παραγωγούς. Ἡ ἐπιτροπὴ συνεδρίασεν χθὲς ὑπὸ τὴν προεδρίαν τοῦ ὑπουργοῦ καὶ ἐξήτασε τὰ ζητήματα τὰ ὁποῖα ἀφοροῦν εἰς τὴν ἀγροτικὴν παραγωγὴν καὶ τὴν οἰκονομικὴν κατάστασιν τῆς χώρας. Κατὰ τὴν συζήτησιν ἐτονίσθη ὅτι τὰ μέτρα θὰ ληφθοῦν ἐντὸς τῶν προσεχῶν ἡμερῶν.
ΑΙ ΚΟΙΝΟΒΟΥΛΕΥΤΙΚΑΙ ΕΡΓΑΣΙΑΙ
Ἡ ἐπιτροπὴ συνεδρίασεν χθὲς ὑπὸ τὴν προεδρίαν τοῦ ὑπουργοῦ καὶ ἐξήτασε τὰ ζητήματα τὰ ὁποῖα ἀφοροῦν εἰς τὴν ἀγροτικὴν παραγωγὴν καὶ τὴν οἰκονομικὴν κατάστασιν τῆς χώρας. Κατὰ τὴν συζήτησιν ἐτονίσθη ὅτι τὰ μέτρα θὰ ληφθοῦν ἐντὸς τῶν προσεχῶν ἡμερῶν. Ἡ ἀπόφασις ἐλήφθη κατόπιν μακρᾶς συσκέψεως μετὰ τῶν ἐκπροσώπων τῶν ἐνδιαφερομένων ὀργανώσεων. Ἐπίσης ἀνεκοινώθη ὅτι θὰ χορηγηθοῦν δάνεια πρὸς τοὺς παραγωγοὺς τῶν πληγεισῶν περιοχῶν καὶ ὅτι ἡ κυβέρνησις θὰ ἐξετάσῃ τὰ αἰτήματα τῶν ἐργαζομένων. Οἱ ἀντιπρόσωποι ὑπέβαλον ὑπόμνημα διὰ τοῦ ὁποίου ζητοῦν τὴν ἄμεσον ἱκανοποίησιν τῶν αἰτημάτων των. Ἡ ἐπιτροπὴ θὰ συνέλθῃ καὶ πάλιν τὴν προσεχῆ ἑβδομάδα διὰ νὰ ἐξετάσῃ τὰς προτάσεις καὶ νὰ καταλήξῃ εἰς ὁριστικὰς ἀποφάσεις. Κατὰ πληροφορίας ἐκ τῶν ἁρμοδίων ὑπηρεσιῶν τὸ θέμα θὰ ἀπασχολήσῃ καὶ τὸ ὑπουργικὸν συμβούλιον. Ἡ ἀντιπολίτευσις ἐπέκρινε τὴν στάσιν τῆς κυβερνήσεως καὶ ἐζήτησε τὴν ἄμεσον λῆψιν μέτρων πρὸς ἀνακούφισιν τῶν πληγέντων. Ἐξ ἄλλου ἀνεκοινώθη ὅτι αἱ ζημίαι ἀνέρχονται εἰς σημαντικὰ ποσὰ καὶ ὅτι θὰ ἀπαιτηθῇ μακρὸς χρόνος διὰ τὴν ἀποκατάστασιν. Ἡ ἐπιτροπὴ συνεδρίασεν χθὲς ὑπὸ τὴν προεδρίαν τοῦ ὑπουργοῦ καὶ ἐξήτασε τὰ ζητήματα τὰ ὁποῖα ἀφοροῦν εἰς τὴν ἀγροτικὴν παραγωγὴν καὶ τὴν οἰκονομικὴν κατάστασιν τῆς χώρας. Κατὰ τὴν συζήτησιν ἐτονίσθη ὅτι τὰ μέτρα θὰ ληφθοῦν ἐντὸς τῶν προσεχῶν ἡμερῶν. Ἡ ἀπόφασις ἐλήφθη κατόπιν μακρᾶς συσκέψεως μετὰ τῶν ἐκπροσώπων τῶν ἐνδιαφερομένων ὀργανώσεων. Ἐπίσης ἀνεκοινώθη ὅτι θὰ χορηγηθοῦν δάνεια πρὸς τοὺς παραγωγούς. Ἡ ἐπιτροπὴ συνεδρίασεν χθὲς ὑπὸ τὴν προεδρίαν τοῦ ὑπουργοῦ καὶ ἐξήτασε τὰ ζητήματα τὰ ὁποῖα ἀφοροῦν εἰς τὴν ἀγροτικὴν παραγωγὴν καὶ τὴν οἰκονομικὴν κατάστασιν τῆς χώρας. Κατὰ τὴν συζήτησιν ἐτονίσθη ὅτι τὰ μέτρα θὰ ληφθοῦν ἐντὸς τῶν προσεχῶν ἡμερῶν.
«ΝΕΟΚ» ΤΗΣ Ε.Ρ.Ε. ΑΝΤΑΣΙΣ ΤΟΥ ΑΡΧΗΓΟΥ ΤΗΣ
Ἡ ἐπιτροπὴ συνεδρίασεν χθὲς ὑπὸ τὴν προεδρίαν τοῦ ὑπουργοῦ καὶ ἐξήτασε τὰ ζητήματα τὰ ὁποῖα ἀφοροῦν εἰς τὴν ἀγροτικὴν παραγωγὴν καὶ τὴν οἰκονομικὴν κατάστασιν τῆς χώρας. Κατὰ τὴν συζήτησιν ἐτονίσθη ὅτι τὰ μέτρα θὰ ληφθοῦν ἐντὸς τῶν προσεχῶν ἡμερῶν. Ἡ ἀπόφασις ἐλήφθη κατόπιν μακρᾶς συσκέψεως μετὰ τῶν ἐκπροσώπων τῶν ἐνδιαφερομένων ὀργανώσεων. Ἐπίσης ἀνεκοινώθη ὅτι θὰ χορηγηθοῦν δάνεια πρὸς τοὺς παραγωγοὺς τῶν πληγεισῶν περιοχῶν καὶ ὅτι ἡ κυβέρνησις θὰ ἐξετάσῃ τὰ αἰτήματα τῶν ἐργαζομένων. Οἱ ἀντιπρόσωποι ὑπέβαλον ὑπόμνημα διὰ τοῦ ὁποίου ζητοῦν τὴν ἄμεσον ἱκανοποίησιν τῶν αἰτημάτων των. Ἡ ἐπιτροπὴ θὰ συνέλθῃ καὶ πάλιν τὴν προσεχῆ ἑβδομάδα διὰ νὰ ἐξετάσῃ τὰς προτάσεις καὶ νὰ καταλήξῃ εἰς ὁριστικὰς ἀποφάσεις. Κατὰ πληροφορίας ἐκ τῶν ἁρμοδίων ὑπηρεσιῶν τὸ θέμα θὰ ἀπασχολήσῃ καὶ τὸ ὑπουργικὸν συμβούλιον. Ἡ ἀντιπολίτευσις ἐπέκρινε τὴν στάσιν τῆς κυβερνήσεως καὶ ἐζήτησε τὴν ἄμεσον λῆψιν μέτρων πρὸς ἀνακούφισιν τῶν πληγέντων. Ἐξ ἄλλου ἀνεκοινώθη ὅτι αἱ ζημίαι ἀνέρχονται εἰς σημαντικὰ ποσὰ καὶ ὅτι θὰ ἀπαιτηθῇ μακρὸς χρόνος διὰ τὴν ἀποκατάστασιν. Ἡ ἐπιτροπὴ συνεδρίασεν χθὲς ὑπὸ τὴν προεδρίαν τοῦ ὑπουργοῦ καὶ ἐξήτασε τὰ ζητήματα τὰ ὁποῖα ἀφοροῦν εἰς τὴν ἀγροτικὴν παραγωγὴν καὶ τὴν οἰκονομικὴν κατάστασιν τῆς χώρας. Κατὰ τὴν συζήτησιν ἐτονίσθη ὅτι τὰ μέτρα θὰ ληφθοῦν ἐντὸς τῶν προσεχῶν ἡμερῶν. Ἡ ἀπόφασις ἐλήφθη κατόπιν μακρᾶς συσκέψεως μετὰ τῶν ἐκπροσώπων τῶν ἐνδιαφερομένων ὀργανώσεων. Ἐπίσης ἀνεκοινώθη ὅτι θὰ χορηγηθοῦν δάνεια πρὸς τοὺς παραγωγούς. Ἡ ἐπιτροπὴ συνεδρίασεν χθὲς ὑπὸ τὴν προεδρίαν τοῦ ὑπουργοῦ καὶ ἐξήτασε τὰ ζητήματα τὰ ὁποῖα ἀφοροῦν εἰς τὴν ἀγροτικὴν παραγωγὴν καὶ τὴν οἰκονομικὴν κατάστασιν τῆς χώρας. Κατὰ τὴν συζήτησιν ἐτονίσθη ὅτι τὰ μέτρα θὰ ληφθοῦν ἐντὸς τῶν προσεχῶν ἡμερῶν.
Ἡ ἐπιτροπὴ συνεδρίασεν χθὲς ὑπὸ τὴν προεδρίαν τοῦ ὑπουργοῦ καὶ ἐξήτασε τὰ ζητήματα τὰ ὁποῖα ἀφοροῦν εἰς τὴν ἀγροτικὴν παραγωγὴν καὶ τὴν οἰκονομικὴν κατάστασιν τῆς χώρας. Κατὰ τὴν συζήτησιν ἐτονίσθη ὅτι τὰ μέτρα θὰ ληφθοῦν ἐντὸς τῶν προσεχῶν ἡμερῶν. Ἡ ἀπόφασις ἐλήφθη κατόπιν μακρᾶς συσκέψεως μετὰ τῶν ἐκπροσώπων τῶν ἐνδιαφερομένων ὀργανώσεων. Ἐπίσης ἀνεκοινώθη ὅτι θὰ χορηγηθοῦν δάνεια πρὸς τοὺς παραγωγοὺς τῶν πληγεισῶν περιοχῶν καὶ ὅτι ἡ κυβέρνησις θὰ ἐξετάσῃ τὰ αἰτήματα τῶν ἐργαζομένων. Οἱ ἀντιπρόσωποι ὑπέβαλον ὑπόμνημα διὰ τοῦ ὁποίου ζητοῦν τὴν ἄμεσον ἱκανοποίησιν τῶν αἰτημάτων των. Ἡ ἐπιτροπὴ θὰ συνέλθῃ καὶ πάλιν τὴν προσεχῆ ἑβδομάδα διὰ νὰ ἐξετάσῃ τὰς προτάσεις καὶ νὰ καταλήξῃ εἰς ὁριστικὰς ἀποφάσεις. Κατὰ πληροφορίας ἐκ τῶν ἁρμοδίων ὑπηρεσιῶν τὸ θέμα θὰ ἀπασχολήσῃ καὶ τὸ ὑπουργικὸν συμβούλιον. Ἡ ἀντιπολίτευσις ἐπέκρινε τὴν στάσιν τῆς κυβερνήσεως καὶ ἐζήτησε τὴν ἄμεσον λῆψιν μέτρων πρὸς ἀνακούφισιν τῶν πληγέντων. Ἐξ ἄλλου ἀνεκοινώθη ὅτι αἱ ζημίαι ἀνέρχονται εἰς σημαντικὰ ποσὰ καὶ ὅτι θὰ ἀπαιτηθῇ μακρὸς χρόνος διὰ τὴν ἀποκατάστασιν. Ἡ ἐπιτροπὴ συνεδρίασεν χθὲς ὑπὸ τὴν προεδρίαν τοῦ ὑπουργοῦ καὶ ἐξήτασε τὰ ζητήματα τὰ ὁποῖα ἀφοροῦν εἰς τὴν ἀγροτικὴν παραγωγὴν καὶ τὴν οἰκονομικὴν κατάστασιν τῆς χώρας. Κατὰ τὴν συζήτησιν ἐτονίσθη ὅτι τὰ μέτρα θὰ ληφθοῦν ἐντὸς τῶν προσεχῶν ἡμερῶν. Ἡ ἀπόφασις ἐλήφθη κατόπιν μακρᾶς συσκέψεως μετὰ τῶν ἐκπροσώπων τῶν ἐνδιαφερομένων ὀργανώσεων. Ἐπίσης ἀνεκοινώθη ὅτι θὰ χορηγηθοῦν δάνεια πρὸς τοὺς παραγωγούς. Ἡ ἐπιτροπὴ συνεδρίασεν χθὲς ὑπὸ τὴν προεδρίαν τοῦ ὑπουργοῦ καὶ ἐξήτασε τὰ ζητήματα τὰ ὁποῖα ἀφοροῦν εἰς τὴν ἀγροτικὴν παραγωγὴν καὶ τὴν οἰκονομικὴν κατάστασιν τῆς χώρας. Κατὰ τὴν συζήτησιν ἐτονίσθη ὅτι τὰ μέτρα θὰ ληφθοῦν ἐντὸς τῶν προσεχῶν ἡμερῶν.
Ο ΚΑΙΡΟΣ
Ἡ ἐπιτροπὴ συνεδρίασεν χθὲς ὑπὸ τὴν προεδρίαν τοῦ ὑπουργοῦ καὶ ἐξήτασε τὰ ζητήματα τὰ ὁποῖα ἀφοροῦν εἰς τὴν ἀγροτικὴν παραγωγὴν καὶ τὴν οἰκονομικὴν κατάστασιν τῆς χώρας. Κατὰ τὴν συζήτησιν ἐτονίσθη ὅτι τὰ μέτρα θὰ ληφθοῦν ἐντὸς τῶν προσεχῶν ἡμερῶν. Ἡ ἀπόφασις ἐλήφθη κατόπιν μακρᾶς συσκέψεως μετὰ τῶν ἐκπροσώπων τῶν ἐνδιαφερομένων ὀργανώσεων. Ἐπίσης ἀνεκοινώθη ὅτι θὰ χορηγηθοῦν δάνεια πρὸς τοὺς παραγωγοὺς τῶν πληγεισῶν περιοχῶν καὶ ὅτι ἡ κυβέρνησις θὰ ἐξετάσῃ τὰ αἰτήματα τῶν ἐργαζομένων. Οἱ ἀντιπρόσωποι ὑπέβαλον ὑπόμνημα διὰ τοῦ ὁποίου ζητοῦν τὴν ἄμεσον ἱκανοποίησιν τῶν αἰτημάτων των. Ἡ ἐπιτροπὴ θὰ συνέλθῃ καὶ πάλιν τὴν προσεχῆ ἑβδομάδα διὰ νὰ ἐξετάσῃ τὰς προτάσεις καὶ νὰ καταλήξῃ εἰς ὁριστικὰς ἀποφάσεις. Κατὰ πληροφορίας ἐκ τῶν ἁρμοδίων ὑπηρεσιῶν τὸ θέμα θὰ ἀπασχολήσῃ καὶ τὸ ὑπουργικὸν συμβούλιον. Ἡ ἀντιπολίτευσις ἐπέκρινε τὴν στάσιν τῆς κυβερνήσεως καὶ ἐζήτησε τὴν ἄμεσον λῆψιν μέτρων πρὸς ἀνακούφισιν τῶν πληγέντων. Ἐξ ἄλλου ἀνεκοινώθη ὅτι αἱ ζημίαι ἀνέρχονται εἰς σημαντικὰ ποσὰ καὶ ὅτι θὰ ἀπαιτηθῇ μακρὸς χρόνος διὰ τὴν ἀποκατάστασιν. Ἡ ἐπιτροπὴ συνεδρίασεν χθὲς ὑπὸ τὴν προεδρίαν τοῦ ὑπουργοῦ καὶ ἐξήτασε τὰ ζητήματα τὰ ὁποῖα ἀφοροῦν εἰς τὴν ἀγροτικὴν παραγωγὴν καὶ τὴν οἰκονομικὴν κατάστασιν τῆς χώρας. Κατὰ τὴν συζήτησιν ἐτονίσθη ὅτι τὰ μέτρα θὰ ληφθοῦν ἐντὸς τῶν προσεχῶν ἡμερῶν. Ἡ ἀπόφασις ἐλήφθη κατόπιν μακρᾶς συσκέψεως μετὰ τῶν ἐκπροσώπων τῶν ἐνδιαφερομένων ὀργανώσεων. Ἐπίσης ἀνεκοινώθη ὅτι θὰ χορηγηθοῦν δάνεια πρὸς τοὺς παραγωγούς. Ἡ ἐπιτροπὴ συνεδρίασεν χθὲς ὑπὸ τὴν προεδρίαν τοῦ ὑπουργοῦ καὶ ἐξήτασε τὰ ζητήματα τὰ ὁποῖα ἀφοροῦν εἰς τὴν ἀγροτικὴν παραγωγὴν καὶ τὴν οἰκονομικὴν κατάστασιν τῆς χώρας. Κατὰ τὴν συζήτησιν ἐτονίσθη ὅτι τὰ μέτρα θὰ ληφθοῦν ἐντὸς τῶν προσεχῶν ἡμερῶν.
ΟΙ ΜΑΘΗΤΑΙ ΜΕΤΕΒΛΗΘΗΣΑΝ ΕΙΣ ΠΕΙΡΑΜΑΤΟΖΩΑ ΕΙΣ ΧΕΙΡΑΣ ΤΩΝ ΕΚΑΣΤΟΤΕ ΥΠΟΥΡΓΩΝ ΠΑΙΔΕΙΑΣ ΤΟΝΙΖΕΙ Ο ΑΝΤΙΠΡΥΤΑΝΙΣ ΤΟΥ ΠΑΝΕΠΙΣΤΗΜΙΟΥ
Ἡ ἐπιτροπὴ συνεδρίασεν χθὲς ὑπὸ τὴν προεδρίαν τοῦ ὑπουργοῦ καὶ ἐξήτασε τὰ ζητήματα τὰ ὁποῖα ἀφοροῦν εἰς τὴν ἀγροτικὴν παραγωγὴν καὶ τὴν οἰκονομικὴν κατάστασιν τῆς χώρας. Κατὰ τὴν συζήτησιν ἐτονίσθη ὅτι τὰ μέτρα θὰ ληφθοῦν ἐντὸς τῶν προσεχῶν ἡμερῶν. Ἡ ἀπόφασις ἐλήφθη κατόπιν μακρᾶς συσκέψεως μετὰ τῶν ἐκπροσώπων τῶν ἐνδιαφερομένων ὀργανώσεων. Ἐπίσης ἀνεκοινώθη ὅτι θὰ χορηγηθοῦν δάνεια πρὸς τοὺς παραγωγοὺς τῶν πληγεισῶν περιοχῶν καὶ ὅτι ἡ κυβέρνησις θὰ ἐξετάσῃ τὰ αἰτήματα τῶν ἐργαζομένων. Οἱ ἀντιπρόσωποι ὑπέβαλον ὑπόμνημα διὰ τοῦ ὁποίου ζητοῦν τὴν ἄμεσον ἱκανοποίησιν τῶν αἰτημάτων των. Ἡ ἐπιτροπὴ θὰ συνέλθῃ καὶ πάλιν τὴν προσεχῆ ἑβδομάδα διὰ νὰ ἐξετάσῃ τὰς προτάσεις καὶ νὰ καταλήξῃ εἰς ὁριστικὰς ἀποφάσεις. Κατὰ πληροφορίας ἐκ τῶν ἁρμοδίων ὑπηρεσιῶν τὸ θέμα θὰ ἀπασχολήσῃ καὶ τὸ ὑπουργικὸν συμβούλιον. Ἡ ἀντιπολίτευσις ἐπέκρινε τὴν στάσιν τῆς κυβερνήσεως καὶ ἐζήτησε τὴν ἄμεσον λῆψιν μέτρων πρὸς ἀνακούφισιν τῶν πληγέντων. Ἐξ ἄλλου ἀνεκοινώθη ὅτι αἱ ζημίαι ἀνέρχονται εἰς σημαντικὰ ποσὰ καὶ ὅτι θὰ ἀπαιτηθῇ μακρὸς χρόνος διὰ τὴν ἀποκατάστασιν. Ἡ ἐπιτροπὴ συνεδρίασεν χθὲς ὑπὸ τὴν προεδρίαν τοῦ ὑπουργοῦ καὶ ἐξήτασε τὰ ζητήματα τὰ ὁποῖα ἀφοροῦν εἰς τὴν ἀγροτικὴν παραγωγὴν καὶ τὴν οἰκονομικὴν κατάστασιν τῆς χώρας. Κατὰ τὴν συζήτησιν ἐτονίσθη ὅτι τὰ μέτρα θὰ ληφθοῦν ἐντὸς τῶν προσεχῶν ἡμερῶν. Ἡ ἀπόφασις ἐλήφθη κατόπιν μακρᾶς συσκέψεως μετὰ τῶν ἐκπροσώπων τῶν ἐνδιαφερομένων ὀργανώσεων. Ἐπίσης ἀνεκοινώθη ὅτι θὰ χορηγηθοῦν δάνεια πρὸς τοὺς παραγωγούς. Ἡ ἐπιτροπὴ συνεδρίασεν χθὲς ὑπὸ τὴν προεδρίαν τοῦ ὑπουργοῦ καὶ ἐξήτασε τὰ ζητήματα τὰ ὁποῖα ἀφοροῦν εἰς τὴν ἀγροτικὴν παραγωγὴν καὶ τὴν οἰκονομικὴν κατάστασιν τῆς χώρας. Κατὰ τὴν συζήτησιν ἐτονίσθη ὅτι τὰ μέτρα θὰ ληφθοῦν ἐντὸς τῶν προσεχῶν ἡμερῶν.
ΝΕΟΙ ΕΚ ΒΟΡ. ΕΛΛΑΔΟΣ ΜΙΣΘΩΝΟΥΝ ΑΥΤΟΚΙΝΗΤΑ ΚΑΙ ΜΕΤΑΒΑΙΝΟΥΝ ΕΙΣ ΤΗΝ ΔΥΤ. ΓΕΡΜΑΝΙΑΝ ΑΝΕΥ ΣΥΜΒΑΣΕΩΣ ΑΝΑΖΗΤΟΥΝΤΕΣ ΕΡΓΑΣΙΑΝ
Ἡ ἐπιτροπὴ συνεδρίασεν χθὲς ὑπὸ τὴν προεδρίαν τοῦ ὑπουργοῦ καὶ ἐξήτασε τὰ ζητήματα τὰ ὁποῖα ἀφοροῦν εἰς τὴν ἀγροτικὴν παραγωγὴν καὶ τὴν οἰκονομικὴν κατάστασιν τῆς χώρας. Κατὰ τὴν συζήτησιν ἐτονίσθη ὅτι τὰ μέτρα θὰ ληφθοῦν ἐντὸς τῶν προσεχῶν ἡμερῶν. Ἡ ἀπόφασις ἐλήφθη κατόπιν μακρᾶς συσκέψεως μετὰ τῶν ἐκπροσώπων τῶν ἐνδιαφερομένων ὀργανώσεων. Ἐπίσης ἀνεκοινώθη ὅτι θὰ χορηγηθοῦν δάνεια πρὸς τοὺς παραγωγοὺς τῶν πληγεισῶν περιοχῶν καὶ ὅτι ἡ κυβέρνησις θὰ ἐξετάσῃ τὰ αἰτήματα τῶν ἐργαζομένων. Οἱ ἀντιπρόσωποι ὑπέβαλον ὑπόμνημα διὰ τοῦ ὁποίου ζητοῦν τὴν ἄμεσον ἱκανοποίησιν τῶν αἰτημάτων των. Ἡ ἐπιτροπὴ θὰ συνέλθῃ καὶ πάλιν τὴν προσεχῆ ἑβδομάδα διὰ νὰ ἐξετάσῃ τὰς προτάσεις καὶ νὰ καταλήξῃ εἰς ὁριστικὰς ἀποφάσεις. Κατὰ πληροφορίας ἐκ τῶν ἁρμοδίων ὑπηρεσιῶν τὸ θέμα θὰ ἀπασχολήσῃ καὶ τὸ ὑπουργικὸν συμβούλιον. Ἡ ἀντιπολίτευσις ἐπέκρινε τὴν στάσιν τῆς κυβερνήσεως καὶ ἐζήτησε τὴν ἄμεσον λῆψιν μέτρων πρὸς ἀνακούφισιν τῶν πληγέντων. Ἐξ ἄλλου ἀνεκοινώθη ὅτι αἱ ζημίαι ἀνέρχονται εἰς σημαντικὰ ποσὰ καὶ ὅτι θὰ ἀπαιτηθῇ μακρὸς χρόνος διὰ τὴν ἀποκατάστασιν. Ἡ ἐπιτροπὴ συνεδρίασεν χθὲς ὑπὸ τὴν προεδρίαν τοῦ ὑπουργοῦ καὶ ἐξήτασε τὰ ζητήματα τὰ ὁποῖα ἀφοροῦν εἰς τὴν ἀγροτικὴν παραγωγὴν καὶ τὴν οἰκονομικὴν κατάστασιν τῆς χώρας. Κατὰ τὴν συζήτησιν ἐτονίσθη ὅτι τὰ μέτρα θὰ ληφθοῦν ἐντὸς τῶν προσεχῶν ἡμερῶν. Ἡ ἀπόφασις ἐλήφθη κατόπιν μακρᾶς συσκέψεως μετὰ τῶν ἐκπροσώπων τῶν ἐνδιαφερομένων ὀργανώσεων. Ἐπίσης ἀνεκοινώθη ὅτι θὰ χορηγηθοῦν δάνεια πρὸς τοὺς παραγωγούς. Ἡ ἐπιτροπὴ συνεδρίασεν χθὲς ὑπὸ τὴν προεδρίαν τοῦ ὑπουργοῦ καὶ ἐξήτασε τὰ ζητήματα τὰ ὁποῖα ἀφοροῦν εἰς τὴν ἀγροτικὴν παραγωγὴν καὶ τὴν οἰκονομικὴν κατάστασιν τῆς χώρας. Κατὰ τὴν συζήτησιν ἐτονίσθη ὅτι τὰ μέτρα θὰ ληφθοῦν ἐντὸς τῶν προσεχῶν ἡμερῶν.
Ο ΕΙΣΑΓΓΕΛΕΥΣ ΕΖΗΤΗΣΕ ΤΗΝ ΑΥΣΤΗΡΑΝ ΚΑΤΑΔΙΚΗΝ ΕΝΩΜΟΤΑΡΧΟΥ ΔΙ' ΑΝΑΜΙΞΙΝ ΕΙΣ ΤΑΣ ΕΚΛΟΓΑΣ
Ἡ ἐπιτροπὴ συνεδρίασεν χθὲς ὑπὸ τὴν προεδρίαν τοῦ ὑπουργοῦ καὶ ἐξήτασε τὰ ζητήματα τὰ ὁποῖα ἀφοροῦν εἰς τὴν ἀγροτικὴν παραγωγὴν καὶ τὴν οἰκονομικὴν κατάστασιν τῆς χώρας. Κατὰ τὴν συζήτησιν ἐτονίσθη ὅτι τὰ μέτρα θὰ ληφθοῦν ἐντὸς τῶν προσεχῶν ἡμερῶν. Ἡ ἀπόφασις ἐλήφθη κατόπιν μακρᾶς συσκέψεως μετὰ τῶν ἐκπροσώπων τῶν ἐνδιαφερομένων ὀργανώσεων. Ἐπίσης ἀνεκοινώθη ὅτι θὰ χορηγηθοῦν δάνεια πρὸς τοὺς παραγωγοὺς τῶν πληγεισῶν περιοχῶν καὶ ὅτι ἡ κυβέρνησις θὰ ἐξετάσῃ τὰ αἰτήματα τῶν ἐργαζομένων. Οἱ ἀντιπρόσωποι ὑπέβαλον ὑπόμνημα διὰ τοῦ ὁποίου ζητοῦν τὴν ἄμεσον ἱκανοποίησιν τῶν αἰτημάτων των. Ἡ ἐπιτροπὴ θὰ συνέλθῃ καὶ πάλιν τὴν προσεχῆ ἑβδομάδα διὰ νὰ ἐξετάσῃ τὰς προτάσεις καὶ νὰ καταλήξῃ εἰς ὁριστικὰς ἀποφάσεις. Κατὰ πληροφορίας ἐκ τῶν ἁρμοδίων ὑπηρεσιῶν τὸ θέμα θὰ ἀπασχολήσῃ καὶ τὸ ὑπουργικὸν συμβούλιον. Ἡ ἀντιπολίτευσις ἐπέκρινε τὴν στάσιν τῆς κυβερνήσεως καὶ ἐζήτησε τὴν ἄμεσον λῆψιν μέτρων πρὸς ἀνακούφισιν τῶν πληγέντων. Ἐξ ἄλλου ἀνεκοινώθη ὅτι αἱ ζημίαι ἀνέρχονται εἰς σημαντικὰ ποσὰ καὶ ὅτι θὰ ἀπαιτηθῇ μακρὸς χρόνος διὰ τὴν ἀποκατάστασιν. Ἡ ἐπιτροπὴ συνεδρίασεν χθὲς ὑπὸ τὴν προεδρίαν τοῦ ὑπουργοῦ καὶ ἐξήτασε τὰ ζητήματα τὰ ὁποῖα ἀφοροῦν εἰς τὴν ἀγροτικὴν παραγωγὴν καὶ τὴν οἰκονομικὴν κατάστασιν τῆς χώρας. Κατὰ τὴν συζήτησιν ἐτονίσθη ὅτι τὰ μέτρα θὰ ληφθοῦν ἐντὸς τῶν προσεχῶν ἡμερῶν. Ἡ ἀπόφασις ἐλήφθη κατόπιν μακρᾶς συσκέψεως μετὰ τῶν ἐκπροσώπων τῶν ἐνδιαφερομένων ὀργανώσεων. Ἐπίσης ἀνεκοινώθη ὅτι θὰ χορηγηθοῦν δάνεια πρὸς τοὺς παραγωγούς. Ἡ ἐπιτροπὴ συνεδρίασεν χθὲς ὑπὸ τὴν προεδρίαν τοῦ ὑπουργοῦ καὶ ἐξήτασε τὰ ζητήματα τὰ ὁποῖα ἀφοροῦν εἰς τὴν ἀγροτικὴν παραγωγὴν καὶ τὴν οἰκονομικὴν κατάστασιν τῆς χώρας. Κατὰ τὴν συζήτησιν ἐτονίσθη ὅτι τὰ μέτρα θὰ ληφθοῦν ἐντὸς τῶν προσεχῶν ἡμερῶν.
ΕΙΣ ΑΜΦΙΛΟΧΙΑΝ ΜΑΖΑΝ ΜΕΤΕΒΛΗΘΗΣΑΝ ΟΙ ΤΟΙΧΟΙ ΤΗΣ ΜΟΝΗΣ ΤΑΤΑΡΝΗΣ ΚΑΙ ΤΩΝ 37 ΠΛΗΣΙΟΝ ΟΙΚΙΩΝ
Ἡ ἐπιτροπὴ συνεδρίασεν χθὲς ὑπὸ τὴν προεδρίαν τοῦ ὑπουργοῦ καὶ ἐξήτασε τὰ ζητήματα τὰ ὁποῖα ἀφοροῦν εἰς τὴν ἀγροτικὴν παραγωγὴν καὶ τὴν οἰκονομικὴν κατάστασιν τῆς χώρας. Κατὰ τὴν συζήτησιν ἐτονίσθη ὅτι τὰ μέτρα θὰ ληφθοῦν ἐντὸς τῶν προσεχῶν ἡμερῶν. Ἡ ἀπόφασις ἐλήφθη κατόπιν μακρᾶς συσκέψεως μετὰ τῶν ἐκπροσώπων τῶν ἐνδιαφερομένων ὀργανώσεων. Ἐπίσης ἀνεκοινώθη ὅτι θὰ χορηγηθοῦν δάνεια πρὸς τοὺς παραγωγοὺς τῶν πληγεισῶν περιοχῶν καὶ ὅτι ἡ κυβέρνησις θὰ ἐξετάσῃ τὰ αἰτήματα τῶν ἐργαζομένων. Οἱ ἀντιπρόσωποι ὑπέβαλον ὑπόμνημα διὰ τοῦ ὁποίου ζητοῦν τὴν ἄμεσον ἱκανοποίησιν τῶν αἰτημάτων των. Ἡ ἐπιτροπὴ θὰ συνέλθῃ καὶ πάλιν τὴν προσεχῆ ἑβδομάδα διὰ νὰ ἐξετάσῃ τὰς προτάσεις καὶ νὰ καταλήξῃ εἰς ὁριστικὰς ἀποφάσεις. Κατὰ πληροφορίας ἐκ τῶν ἁρμοδίων ὑπηρεσιῶν τὸ θέμα θὰ ἀπασχολήσῃ καὶ τὸ ὑπουργικὸν συμβούλιον. Ἡ ἀντιπολίτευσις ἐπέκρινε τὴν στάσιν τῆς κυβερνήσεως καὶ ἐζήτησε τὴν ἄμεσον λῆψιν μέτρων πρὸς ἀνακούφισιν τῶν πληγέντων. Ἐξ ἄλλου ἀνεκοινώθη ὅτι αἱ ζημίαι ἀνέρχονται εἰς σημαντικὰ ποσὰ καὶ ὅτι θὰ ἀπαιτηθῇ μακρὸς χρόνος διὰ τὴν ἀποκατάστασιν. Ἡ ἐπιτροπὴ συνεδρίασεν χθὲς ὑπὸ τὴν προεδρίαν τοῦ ὑπουργοῦ καὶ ἐξήτασε τὰ ζητήματα τὰ ὁποῖα ἀφοροῦν εἰς τὴν ἀγροτικὴν παραγωγὴν καὶ τὴν οἰκονομικὴν κατάστασιν τῆς χώρας. Κατὰ τὴν συζήτησιν ἐτονίσθη ὅτι τὰ μέτρα θὰ ληφθοῦν ἐντὸς τῶν προσεχῶν ἡμερῶν. Ἡ ἀπόφασις ἐλήφθη κατόπιν μακρᾶς συσκέψεως μετὰ τῶν ἐκπροσώπων τῶν ἐνδιαφερομένων ὀργανώσεων. Ἐπίσης ἀνεκοινώθη ὅτι θὰ χορηγηθοῦν δάνεια πρὸς τοὺς παραγωγούς. Ἡ ἐπιτροπὴ συνεδρίασεν χθὲς ὑπὸ τὴν προεδρίαν τοῦ ὑπουργοῦ καὶ ἐξήτασε τὰ ζητήματα τὰ ὁποῖα ἀφοροῦν εἰς τὴν ἀγροτικὴν παραγωγὴν καὶ τὴν οἰκονομικὴν κατάστασιν τῆς χώρας. Κατὰ τὴν συζήτησιν ἐτονίσθη ὅτι τὰ μέτρα θὰ ληφθοῦν ἐντὸς τῶν προσεχῶν ἡμερῶν.
ΚΑΛΟΥΝΤΑΙ ΕΙΣ ΣΥΓΚΕΝΤΡΩΣΙΝ ΟΙ ΣΥΝΤΑΞΙΟΥΧΟΙ ΤΟΥ ΤΕΒΕ
Ἡ ἐπιτροπὴ συνεδρίασεν χθὲς ὑπὸ τὴν προεδρίαν τοῦ ὑπουργοῦ καὶ ἐξήτασε τὰ ζητήματα τὰ ὁποῖα ἀφοροῦν εἰς τὴν ἀγροτικὴν παραγωγὴν καὶ τὴν οἰκονομικὴν κατάστασιν τῆς χώρας. Κατὰ τὴν συζήτησιν ἐτονίσθη ὅτι τὰ μέτρα θὰ ληφθοῦν ἐντὸς τῶν προσεχῶν ἡμερῶν. Ἡ ἀπόφασις ἐλήφθη κατόπιν μακρᾶς συσκέψεως μετὰ τῶν ἐκπροσώπων τῶν ἐνδιαφερομένων ὀργανώσεων. Ἐπίσης ἀνεκοινώθη ὅτι θὰ χορηγηθοῦν δάνεια πρὸς τοὺς παραγωγοὺς τῶν πληγεισῶν περιοχῶν καὶ ὅτι ἡ κυβέρνησις θὰ ἐξετάσῃ τὰ αἰτήματα τῶν ἐργαζομένων. Οἱ ἀντιπρόσωποι ὑπέβαλον ὑπόμνημα διὰ τοῦ ὁποίου ζητοῦν τὴν ἄμεσον ἱκανοποίησιν τῶν αἰτημάτων των. Ἡ ἐπιτροπὴ θὰ συνέλθῃ καὶ πάλιν τὴν προσεχῆ ἑβδομάδα διὰ νὰ ἐξετάσῃ τὰς προτάσεις καὶ νὰ καταλήξῃ εἰς ὁριστικὰς ἀποφάσεις. Κατὰ πληροφορίας ἐκ τῶν ἁρμοδίων ὑπηρεσιῶν τὸ θέμα θὰ ἀπασχολήσῃ καὶ τὸ ὑπουργικὸν συμβούλιον. Ἡ ἀντιπολίτευσις ἐπέκρινε τὴν στάσιν τῆς κυβερνήσεως καὶ ἐζήτησε τὴν ἄμεσον λῆψιν μέτρων πρὸς ἀνακούφισιν τῶν πληγέντων. Ἐξ ἄλλου ἀνεκοινώθη ὅτι αἱ ζημίαι ἀνέρχονται εἰς σημαντικὰ ποσὰ καὶ ὅτι θὰ ἀπαιτηθῇ μακρὸς χρόνος διὰ τὴν ἀποκατάστασιν. Ἡ ἐπιτροπὴ συνεδρίασεν χθὲς ὑπὸ τὴν προεδρίαν τοῦ ὑπουργοῦ καὶ ἐξήτασε τὰ ζητήματα τὰ ὁποῖα ἀφοροῦν εἰς τὴν ἀγροτικὴν παραγωγὴν καὶ τὴν οἰκονομικὴν κατάστασιν τῆς χώρας. Κατὰ τὴν συζήτησιν ἐτονίσθη ὅτι τὰ μέτρα θὰ ληφθοῦν ἐντὸς τῶν προσεχῶν ἡμερῶν. Ἡ ἀπόφασις ἐλήφθη κατόπιν μακρᾶς συσκέψεως μετὰ τῶν ἐκπροσώπων τῶν ἐνδιαφερομένων ὀργανώσεων. Ἐπίσης ἀνεκοινώθη ὅτι θὰ χορηγηθοῦν δάνεια πρὸς τοὺς παραγωγούς. Ἡ ἐπιτροπὴ συνεδρίασεν χθὲς ὑπὸ τὴν προεδρίαν τοῦ ὑπουργοῦ καὶ ἐξήτασε τὰ ζητήματα τὰ ὁποῖα ἀφοροῦν εἰς τὴν ἀγροτικὴν παραγωγὴν καὶ τὴν οἰκονομικὴν κατάστασιν τῆς χώρας. Κατὰ τὴν συζήτησιν ἐτονίσθη ὅτι τὰ μέτρα θὰ ληφθοῦν ἐντὸς τῶν προσεχῶν ἡμερῶν.
Ἡ ἐπιτροπὴ συνεδρίασεν χθὲς ὑπὸ τὴν προεδρίαν τοῦ ὑπουργοῦ καὶ ἐξήτασε τὰ ζητήματα τὰ ὁποῖα ἀφοροῦν εἰς τὴν ἀγροτικὴν παραγωγὴν καὶ τὴν οἰκονομικὴν κατάστασιν τῆς χώρας. Κατὰ τὴν συζήτησιν ἐτονίσθη ὅτι τὰ μέτρα θὰ ληφθοῦν ἐντὸς τῶν προσεχῶν ἡμερῶν. Ἡ ἀπόφασις ἐλήφθη κατόπιν μακρᾶς συσκέψεως μετὰ τῶν ἐκπροσώπων τῶν ἐνδιαφερομένων ὀργανώσεων. Ἐπίσης ἀνεκοινώθη ὅτι θὰ χορηγηθοῦν δάνεια πρὸς τοὺς παραγωγοὺς τῶν πληγεισῶν περιοχῶν καὶ ὅτι ἡ κυβέρνησις θὰ ἐξετάσῃ τὰ αἰτήματα τῶν ἐργαζομένων. Οἱ ἀντιπρόσωποι ὑπέβαλον ὑπόμνημα διὰ τοῦ ὁποίου ζητοῦν τὴν ἄμεσον ἱκανοποίησιν τῶν αἰτημάτων των. Ἡ ἐπιτροπὴ θὰ συνέλθῃ καὶ πάλιν τὴν προσεχῆ ἑβδομάδα διὰ νὰ ἐξετάσῃ τὰς προτάσεις καὶ νὰ καταλήξῃ εἰς ὁριστικὰς ἀποφάσεις. Κατὰ πληροφορίας ἐκ τῶν ἁρμοδίων ὑπηρεσιῶν τὸ θέμα θὰ ἀπασχολήσῃ καὶ τὸ ὑπουργικὸν συμβούλιον. Ἡ ἀντιπολίτευσις ἐπέκρινε τὴν στάσιν τῆς κυβερνήσεως καὶ ἐζήτησε τὴν ἄμεσον λῆψιν μέτρων πρὸς ἀνακούφισιν τῶν πληγέντων. Ἐξ ἄλλου ἀνεκοινώθη ὅτι αἱ ζημίαι ἀνέρχονται εἰς σημαντικὰ ποσὰ καὶ ὅτι θὰ ἀπαιτηθῇ μακρὸς χρόνος διὰ τὴν ἀποκατάστασιν. Ἡ ἐπιτροπὴ συνεδρίασεν χθὲς ὑπὸ τὴν προεδρίαν τοῦ ὑπουργοῦ καὶ ἐξήτασε τὰ ζητήματα τὰ ὁποῖα ἀφοροῦν εἰς τὴν ἀγροτικὴν παραγωγὴν καὶ τὴν οἰκονομικὴν κατάστασιν τῆς χώρας. Κατὰ τὴν συζήτησιν ἐτονίσθη ὅτι τὰ μέτρα θὰ ληφθοῦν ἐντὸς τῶν προσεχῶν ἡμερῶν. Ἡ ἀπόφασις ἐλήφθη κατόπιν μακρᾶς συσκέψεως μετὰ τῶν ἐκπροσώπων τῶν ἐνδιαφερομένων ὀργανώσεων. Ἐπίσης ἀνεκοινώθη ὅτι θὰ χορηγηθοῦν δάνεια πρὸς τοὺς παραγωγούς. Ἡ ἐπιτροπὴ συνεδρίασεν χθὲς ὑπὸ τὴν προεδρίαν τοῦ ὑπουργοῦ καὶ ἐξήτασε τὰ ζητήματα τὰ ὁποῖα ἀφοροῦν εἰς τὴν ἀγροτικὴν παραγωγὴν καὶ τὴν οἰκονομικὴν κατάστασιν τῆς χώρας. Κατὰ τὴν συζήτησιν ἐτονίσθη ὅτι τὰ μέτρα θὰ ληφθοῦν ἐντὸς τῶν προσεχῶν ἡμερῶν.
ΣΥΖΗΤΕΙΤΑΙ Η ΣΥΓΚΛΗΣΙΣ ΑΡΑΒΙΚΗΣ ΔΙΑΣΚΕΨΕΩΣ ΚΟΡΥΦΗΣ ΕΙΣ ΤΟ ΚΑΪΡΟΝ
ΕΞΕΛΙΞΕΙΣ ΕΙΣ ΣΥΡΙΑΝ
Ἡ ἐπιτροπὴ συνεδρίασεν χθὲς ὑπὸ τὴν προεδρίαν τοῦ ὑπουργοῦ καὶ ἐξήτασε τὰ ζητήματα τὰ ὁποῖα ἀφοροῦν εἰς τὴν ἀγροτικὴν παραγωγὴν καὶ τὴν οἰκονομικὴν κατάστασιν τῆς χώρας. Κατὰ τὴν συζήτησιν ἐτονίσθη ὅτι τὰ μέτρα θὰ ληφθοῦν ἐντὸς τῶν προσεχῶν ἡμερῶν. Ἡ ἀπόφασις ἐλήφθη κατόπιν μακρᾶς συσκέψεως μετὰ τῶν ἐκπροσώπων τῶν ἐνδιαφερομένων ὀργανώσεων. Ἐπίσης ἀνεκοινώθη ὅτι θὰ χορηγηθοῦν δάνεια πρὸς τοὺς παραγωγοὺς τῶν πληγεισῶν περιοχῶν καὶ ὅτι ἡ κυβέρνησις θὰ ἐξετάσῃ τὰ αἰτήματα τῶν ἐργαζομένων. Οἱ ἀντιπρόσωποι ὑπέβαλον ὑπόμνημα διὰ τοῦ ὁποίου ζητοῦν τὴν ἄμεσον ἱκανοποίησιν τῶν αἰτημάτων των. Ἡ ἐπιτροπὴ θὰ συνέλθῃ καὶ πάλιν τὴν προσεχῆ ἑβδομάδα διὰ νὰ ἐξετάσῃ τὰς προτάσεις καὶ νὰ καταλήξῃ εἰς ὁριστικὰς ἀποφάσεις. Κατὰ πληροφορίας ἐκ τῶν ἁρμοδίων ὑπηρεσιῶν τὸ θέμα θὰ ἀπασχολήσῃ καὶ τὸ ὑπουργικὸν συμβούλιον. Ἡ ἀντιπολίτευσις ἐπέκρινε τὴν στάσιν τῆς κυβερνήσεως καὶ ἐζήτησε τὴν ἄμεσον λῆψιν μέτρων πρὸς ἀνακούφισιν τῶν πληγέντων. Ἐξ ἄλλου ἀνεκοινώθη ὅτι αἱ ζημίαι ἀνέρχονται εἰς σημαντικὰ ποσὰ καὶ ὅτι θὰ ἀπαιτηθῇ μακρὸς χρόνος διὰ τὴν ἀποκατάστασιν. Ἡ ἐπιτροπὴ συνεδρίασεν χθὲς ὑπὸ τὴν προεδρίαν τοῦ ὑπουργοῦ καὶ ἐξήτασε τὰ ζητήματα τὰ ὁποῖα ἀφοροῦν εἰς τὴν ἀγροτικὴν παραγωγὴν καὶ τὴν οἰκονομικὴν κατάστασιν τῆς χώρας. Κατὰ τὴν συζήτησιν ἐτονίσθη ὅτι τὰ μέτρα θὰ ληφθοῦν ἐντὸς τῶν προσεχῶν ἡμερῶν. Ἡ ἀπόφασις ἐλήφθη κατόπιν μακρᾶς συσκέψεως μετὰ τῶν ἐκπροσώπων τῶν ἐνδιαφερομένων ὀργανώσεων. Ἐπίσης ἀνεκοινώθη ὅτι θὰ χορηγηθοῦν δάνεια πρὸς τοὺς παραγωγούς. Ἡ ἐπιτροπὴ συνεδρίασεν χθὲς ὑπὸ τὴν προεδρίαν τοῦ ὑπουργοῦ καὶ ἐξήτασε τὰ ζητήματα τὰ ὁποῖα ἀφοροῦν εἰς τὴν ἀγροτικὴν παραγωγὴν καὶ τὴν οἰκονομικὴν κατάστασιν τῆς χώρας. Κατὰ τὴν συζήτησιν ἐτονίσθη ὅτι τὰ μέτρα θὰ ληφθοῦν ἐντὸς τῶν προσεχῶν ἡμερῶν.
ΡΩΜΑΙΚΟΣ ΔΙΠΛΩΜΑΤΙΚΟΣ ΕΝΗΡΓΕΙ ΚΑΤΑΣΚΟΠΕΙΑΝ ΔΙΑ ΛΟΓΑΡΙΑΣΜΟΝ ΤΩΝ ΣΟΒΙΕΤΩΝ
Ἡ ἐπιτροπὴ συνεδρίασεν χθὲς ὑπὸ τὴν προεδρίαν τοῦ ὑπουργοῦ καὶ ἐξήτασε τὰ ζητήματα τὰ ὁποῖα ἀφοροῦν εἰς τὴν ἀγροτικὴν παραγωγὴν καὶ τὴν οἰκονομικὴν κατάστασιν τῆς χώρας. Κατὰ τὴν συζήτησιν ἐτονίσθη ὅτι τὰ μέτρα θὰ ληφθοῦν ἐντὸς τῶν προσεχῶν ἡμερῶν. Ἡ ἀπόφασις ἐλήφθη κατόπιν μακρᾶς συσκέψεως μετὰ τῶν ἐκπροσώπων τῶν ἐνδιαφερομένων ὀργανώσεων. Ἐπίσης ἀνεκοινώθη ὅτι θὰ χορηγηθοῦν δάνεια πρὸς τοὺς παραγωγοὺς τῶν πληγεισῶν περιοχῶν καὶ ὅτι ἡ κυβέρνησις θὰ ἐξετάσῃ τὰ αἰτήματα τῶν ἐργαζομένων. Οἱ ἀντιπρόσωποι ὑπέβαλον ὑπόμνημα διὰ τοῦ ὁποίου ζητοῦν τὴν ἄμεσον ἱκανοποίησιν τῶν αἰτημάτων των. Ἡ ἐπιτροπὴ θὰ συνέλθῃ καὶ πάλιν τὴν προσεχῆ ἑβδομάδα διὰ νὰ ἐξετάσῃ τὰς προτάσεις καὶ νὰ καταλήξῃ εἰς ὁριστικὰς ἀποφάσεις. Κατὰ πληροφορίας ἐκ τῶν ἁρμοδίων ὑπηρεσιῶν τὸ θέμα θὰ ἀπασχολήσῃ καὶ τὸ ὑπουργικὸν συμβούλιον. Ἡ ἀντιπολίτευσις ἐπέκρινε τὴν στάσιν τῆς κυβερνήσεως καὶ ἐζήτησε τὴν ἄμεσον λῆψιν μέτρων πρὸς ἀνακούφισιν τῶν πληγέντων. Ἐξ ἄλλου ἀνεκοινώθη ὅτι αἱ ζημίαι ἀνέρχονται εἰς σημαντικὰ ποσὰ καὶ ὅτι θὰ ἀπαιτηθῇ μακρὸς χρόνος διὰ τὴν ἀποκατάστασιν. Ἡ ἐπιτροπὴ συνεδρίασεν χθὲς ὑπὸ τὴν προεδρίαν τοῦ ὑπουργοῦ καὶ ἐξήτασε τὰ ζητήματα τὰ ὁποῖα ἀφοροῦν εἰς τὴν ἀγροτικὴν παραγωγὴν καὶ τὴν οἰκονομικὴν κατάστασιν τῆς χώρας. Κατὰ τὴν συζήτησιν ἐτονίσθη ὅτι τὰ μέτρα θὰ ληφθοῦν ἐντὸς τῶν προσεχῶν ἡμερῶν. Ἡ ἀπόφασις ἐλήφθη κατόπιν μακρᾶς συσκέψεως μετὰ τῶν ἐκπροσώπων τῶν ἐνδιαφερομένων ὀργανώσεων. Ἐπίσης ἀνεκοινώθη ὅτι θὰ χορηγηθοῦν δάνεια πρὸς τοὺς παραγωγούς. Ἡ ἐπιτροπὴ συνεδρίασεν χθὲς ὑπὸ τὴν προεδρίαν τοῦ ὑπουργοῦ καὶ ἐξήτασε τὰ ζητήματα τὰ ὁποῖα ἀφοροῦν εἰς τὴν ἀγροτικὴν παραγωγὴν καὶ τὴν οἰκονομικὴν κατάστασιν τῆς χώρας. Κατὰ τὴν συζήτησιν ἐτονίσθη ὅτι τὰ μέτρα θὰ ληφθοῦν ἐντὸς τῶν προσεχῶν ἡμερῶν.
ΕΚΦΡΟΝΗΣΙΣ ΤΩΝ ΑΓΡΟΤΩΝ ΕΥΧΑΡΙΣΤΙΑΣ ΤΟΝ κ. Γ. ΠΑΠΑΝΔΡΕΟΥ
Ἡ ἐπιτροπὴ συνεδρίασεν χθὲς ὑπὸ τὴν προεδρίαν τοῦ ὑπουργοῦ καὶ ἐξήτασε τὰ ζητήματα τὰ ὁποῖα ἀφοροῦν εἰς τὴν ἀγροτικὴν παραγωγὴν καὶ τὴν οἰκονομικὴν κατάστασιν τῆς χώρας. Κατὰ τὴν συζήτησιν ἐτονίσθη ὅτι τὰ μέτρα θὰ ληφθοῦν ἐντὸς τῶν προσεχῶν ἡμερῶν. Ἡ ἀπόφασις ἐλήφθη κατόπιν μακρᾶς συσκέψεως μετὰ τῶν ἐκπροσώπων τῶν ἐνδιαφερομένων ὀργανώσεων. Ἐπίσης ἀνεκοινώθη ὅτι θὰ χορηγηθοῦν δάνεια πρὸς τοὺς παραγωγοὺς τῶν πληγεισῶν περιοχῶν καὶ ὅτι ἡ κυβέρνησις θὰ ἐξετάσῃ τὰ αἰτήματα τῶν ἐργαζομένων. Οἱ ἀντιπρόσωποι ὑπέβαλον ὑπόμνημα διὰ τοῦ ὁποίου ζητοῦν τὴν ἄμεσον ἱκανοποίησιν τῶν αἰτημάτων των. Ἡ ἐπιτροπὴ θὰ συνέλθῃ καὶ πάλιν τὴν προσεχῆ ἑβδομάδα διὰ νὰ ἐξετάσῃ τὰς προτάσεις καὶ νὰ καταλήξῃ εἰς ὁριστικὰς ἀποφάσεις. Κατὰ πληροφορίας ἐκ τῶν ἁρμοδίων ὑπηρεσιῶν τὸ θέμα θὰ ἀπασχολήσῃ καὶ τὸ ὑπουργικὸν συμβούλιον. Ἡ ἀντιπολίτευσις ἐπέκρινε τὴν στάσιν τῆς κυβερνήσεως καὶ ἐζήτησε τὴν ἄμεσον λῆψιν μέτρων πρὸς ἀνακούφισιν τῶν πληγέντων. Ἐξ ἄλλου ἀνεκοινώθη ὅτι αἱ ζημίαι ἀνέρχονται εἰς σημαντικὰ ποσὰ καὶ ὅτι θὰ ἀπαιτηθῇ μακρὸς χρόνος διὰ τὴν ἀποκατάστασιν. Ἡ ἐπιτροπὴ συνεδρίασεν χθὲς ὑπὸ τὴν προεδρίαν τοῦ ὑπουργοῦ καὶ ἐξήτασε τὰ ζητήματα τὰ ὁποῖα ἀφοροῦν εἰς τὴν ἀγροτικὴν παραγωγὴν καὶ τὴν οἰκονομικὴν κατάστασιν τῆς χώρας. Κατὰ τὴν συζήτησιν ἐτονίσθη ὅτι τὰ μέτρα θὰ ληφθοῦν ἐντὸς τῶν προσεχῶν ἡμερῶν. Ἡ ἀπόφασις ἐλήφθη κατόπιν μακρᾶς συσκέψεως μετὰ τῶν ἐκπροσώπων τῶν ἐνδιαφερομένων ὀργανώσεων. Ἐπίσης ἀνεκοινώθη ὅτι θὰ χορηγηθοῦν δάνεια πρὸς τοὺς παραγωγούς. Ἡ ἐπιτροπὴ συνεδρίασεν χθὲς ὑπὸ τὴν προεδρίαν τοῦ ὑπουργοῦ καὶ ἐξήτασε τὰ ζητήματα τὰ ὁποῖα ἀφοροῦν εἰς τὴν ἀγροτικὴν παραγωγὴν καὶ τὴν οἰκονομικὴν κατάστασιν τῆς χώρας. Κατὰ τὴν συζήτησιν ἐτονίσθη ὅτι τὰ μέτρα θὰ ληφθοῦν ἐντὸς τῶν προσεχῶν ἡμερῶν.
ΑΝΟΙΞΗ ΕΠΙΣΚΕΨΕΙΣ ΤΟΥ ΝΑΤΟ ΘΑ ΜΕΤΑΣΧΟΥΝ ΣΥΣΚΕΨΕΩΝ ΕΙΣ ΤΑΣ ΑΘΗΝΑΣ
Ἡ ἐπιτροπὴ συνεδρίασεν χθὲς ὑπὸ τὴν προεδρίαν τοῦ ὑπουργοῦ καὶ ἐξήτασε τὰ ζητήματα τὰ ὁποῖα ἀφοροῦν εἰς τὴν ἀγροτικὴν παραγωγὴν καὶ τὴν οἰκονομικὴν κατάστασιν τῆς χώρας. Κατὰ τὴν συζήτησιν ἐτονίσθη ὅτι τὰ μέτρα θὰ ληφθοῦν ἐντὸς τῶν προσεχῶν ἡμερῶν. Ἡ ἀπόφασις ἐλήφθη κατόπιν μακρᾶς συσκέψεως μετὰ τῶν ἐκπροσώπων τῶν ἐνδιαφερομένων ὀργανώσεων. Ἐπίσης ἀνεκοινώθη ὅτι θὰ χορηγηθοῦν δάνεια πρὸς τοὺς παραγωγοὺς τῶν πληγεισῶν περιοχῶν καὶ ὅτι ἡ κυβέρνησις θὰ ἐξετάσῃ τὰ αἰτήματα τῶν ἐργαζομένων. Οἱ ἀντιπρόσωποι ὑπέβαλον ὑπόμνημα διὰ τοῦ ὁποίου ζητοῦν τὴν ἄμεσον ἱκανοποίησιν τῶν αἰτημάτων των. Ἡ ἐπιτροπὴ θὰ συνέλθῃ καὶ πάλιν τὴν προσεχῆ ἑβδομάδα διὰ νὰ ἐξετάσῃ τὰς προτάσεις καὶ νὰ καταλήξῃ εἰς ὁριστικὰς ἀποφάσεις. Κατὰ πληροφορίας ἐκ τῶν ἁρμοδίων ὑπηρεσιῶν τὸ θέμα θὰ ἀπασχολήσῃ καὶ τὸ ὑπουργικὸν συμβούλιον. Ἡ ἀντιπολίτευσις ἐπέκρινε τὴν στάσιν τῆς κυβερνήσεως καὶ ἐζήτησε τὴν ἄμεσον λῆψιν μέτρων πρὸς ἀνακούφισιν τῶν πληγέντων. Ἐξ ἄλλου ἀνεκοινώθη ὅτι αἱ ζημίαι ἀνέρχονται εἰς σημαντικὰ ποσὰ καὶ ὅτι θὰ ἀπαιτηθῇ μακρὸς χρόνος διὰ τὴν ἀποκατάστασιν. Ἡ ἐπιτροπὴ συνεδρίασεν χθὲς ὑπὸ τὴν προεδρίαν τοῦ ὑπουργοῦ καὶ ἐξήτασε τὰ ζητήματα τὰ ὁποῖα ἀφοροῦν εἰς τὴν ἀγροτικὴν παραγωγὴν καὶ τὴν οἰκονομικὴν κατάστασιν τῆς χώρας. Κατὰ τὴν συζήτησιν ἐτονίσθη ὅτι τὰ μέτρα θὰ ληφθοῦν ἐντὸς τῶν προσεχῶν ἡμερῶν. Ἡ ἀπόφασις ἐλήφθη κατόπιν μακρᾶς συσκέψεως μετὰ τῶν ἐκπροσώπων τῶν ἐνδιαφερομένων ὀργανώσεων. Ἐπίσης ἀνεκοινώθη ὅτι θὰ χορηγηθοῦν δάνεια πρὸς τοὺς παραγωγούς. Ἡ ἐπιτροπὴ συνεδρίασεν χθὲς ὑπὸ τὴν προεδρίαν τοῦ ὑπουργοῦ καὶ ἐξήτασε τὰ ζητήματα τὰ ὁποῖα ἀφοροῦν εἰς τὴν ἀγροτικὴν παραγωγὴν καὶ τὴν οἰκονομικὴν κατάστασιν τῆς χώρας. Κατὰ τὴν συζήτησιν ἐτονίσθη ὅτι τὰ μέτρα θὰ ληφθοῦν ἐντὸς τῶν προσεχῶν ἡμερῶν.
Η ΕΓΓΡΑΦΗ ΑΣΦΑΛΙΣΤΙΚΑ ΤΑΜΕΙΑ ΕΙΣ ΤΟ ΕΞΩΤ. ΔΑΝΕΙΟΝ
Ἡ ἐπιτροπὴ συνεδρίασεν χθὲς ὑπὸ τὴν προεδρίαν τοῦ ὑπουργοῦ καὶ ἐξήτασε τὰ ζητήματα τὰ ὁποῖα ἀφοροῦν εἰς τὴν ἀγροτικὴν παραγωγὴν καὶ τὴν οἰκονομικὴν κατάστασιν τῆς χώρας. Κατὰ τὴν συζήτησιν ἐτονίσθη ὅτι τὰ μέτρα θὰ ληφθοῦν ἐντὸς τῶν προσεχῶν ἡμερῶν. Ἡ ἀπόφασις ἐλήφθη κατόπιν μακρᾶς συσκέψεως μετὰ τῶν ἐκπροσώπων τῶν ἐνδιαφερομένων ὀργανώσεων. Ἐπίσης ἀνεκοινώθη ὅτι θὰ χορηγηθοῦν δάνεια πρὸς τοὺς παραγωγοὺς τῶν πληγεισῶν περιοχῶν καὶ ὅτι ἡ κυβέρνησις θὰ ἐξετάσῃ τὰ αἰτήματα τῶν ἐργαζομένων. Οἱ ἀντιπρόσωποι ὑπέβαλον ὑπόμνημα διὰ τοῦ ὁποίου ζητοῦν τὴν ἄμεσον ἱκανοποίησιν τῶν αἰτημάτων των. Ἡ ἐπιτροπὴ θὰ συνέλθῃ καὶ πάλιν τὴν προσεχῆ ἑβδομάδα διὰ νὰ ἐξετάσῃ τὰς προτάσεις καὶ νὰ καταλήξῃ εἰς ὁριστικὰς ἀποφάσεις. Κατὰ πληροφορίας ἐκ τῶν ἁρμοδίων ὑπηρεσιῶν τὸ θέμα θὰ ἀπασχολήσῃ καὶ τὸ ὑπουργικὸν συμβούλιον. Ἡ ἀντιπολίτευσις ἐπέκρινε τὴν στάσιν τῆς κυβερνήσεως καὶ ἐζήτησε τὴν ἄμεσον λῆψιν μέτρων πρὸς ἀνακούφισιν τῶν πληγέντων. Ἐξ ἄλλου ἀνεκοινώθη ὅτι αἱ ζημίαι ἀνέρχονται εἰς σημαντικὰ ποσὰ καὶ ὅτι θὰ ἀπαιτηθῇ μακρὸς χρόνος διὰ τὴν ἀποκατάστασιν. Ἡ ἐπιτροπὴ συνεδρίασεν χθὲς ὑπὸ τὴν προεδρίαν τοῦ ὑπουργοῦ καὶ ἐξήτασε τὰ ζητήματα τὰ ὁποῖα ἀφοροῦν εἰς τὴν ἀγροτικὴν παραγωγὴν καὶ τὴν οἰκονομικὴν κατάστασιν τῆς χώρας. Κατὰ τὴν συζήτησιν ἐτονίσθη ὅτι τὰ μέτρα θὰ ληφθοῦν ἐντὸς τῶν προσεχῶν ἡμερῶν. Ἡ ἀπόφασις ἐλήφθη κατόπιν μακρᾶς συσκέψεως μετὰ τῶν ἐκπροσώπων τῶν ἐνδιαφερομένων ὀργανώσεων. Ἐπίσης ἀνεκοινώθη ὅτι θὰ χορηγηθοῦν δάνεια πρὸς τοὺς παραγωγούς. Ἡ ἐπιτροπὴ συνεδρίασεν χθὲς ὑπὸ τὴν προεδρίαν τοῦ ὑπουργοῦ καὶ ἐξήτασε τὰ ζητήματα τὰ ὁποῖα ἀφοροῦν εἰς τὴν ἀγροτικὴν παραγωγὴν καὶ τὴν οἰκονομικὴν κατάστασιν τῆς χώρας. Κατὰ τὴν συζήτησιν ἐτονίσθη ὅτι τὰ μέτρα θὰ ληφθοῦν ἐντὸς τῶν προσεχῶν ἡμερῶν.
ΔΙΑΤΙΘΕΝΤΑΙ ΠΟΣΑ ΠΡΟΣ ΠΛΗΡΩΣΙΝ ΘΕΣΕΩΝ ΕΙΣΗΓΗΤΩΝ ΤΟΥ ΣΥΜΒΟΥΛΙΟΥ ΕΠΙΚΡΑΤΕΙΑΣ
Ἡ ἐπιτροπὴ συνεδρίασεν χθὲς ὑπὸ τὴν προεδρίαν τοῦ ὑπουργοῦ καὶ ἐξήτασε τὰ ζητήματα τὰ ὁποῖα ἀφοροῦν εἰς τὴν ἀγροτικὴν παραγωγὴν καὶ τὴν οἰκονομικὴν κατάστασιν τῆς χώρας. Κατὰ τὴν συζήτησιν ἐτονίσθη ὅτι τὰ μέτρα θὰ ληφθοῦν ἐντὸς τῶν προσεχῶν ἡμερῶν. Ἡ ἀπόφασις ἐλήφθη κατόπιν μακρᾶς συσκέψεως μετὰ τῶν ἐκπροσώπων τῶν ἐνδιαφερομένων ὀργανώσεων. Ἐπίσης ἀνεκοινώθη ὅτι θὰ χορηγηθοῦν δάνεια πρὸς τοὺς παραγωγοὺς τῶν πληγεισῶν περιοχῶν καὶ ὅτι ἡ κυβέρνησις θὰ ἐξετάσῃ τὰ αἰτήματα τῶν ἐργαζομένων. Οἱ ἀντιπρόσωποι ὑπέβαλον ὑπόμνημα διὰ τοῦ ὁποίου ζητοῦν τὴν ἄμεσον ἱκανοποίησιν τῶν αἰτημάτων των. Ἡ ἐπιτροπὴ θὰ συνέλθῃ καὶ πάλιν τὴν προσεχῆ ἑβδομάδα διὰ νὰ ἐξετάσῃ τὰς προτάσεις καὶ νὰ καταλήξῃ εἰς ὁριστικὰς ἀποφάσεις. Κατὰ πληροφορίας ἐκ τῶν ἁρμοδίων ὑπηρεσιῶν τὸ θέμα θὰ ἀπασχολήσῃ καὶ τὸ ὑπουργικὸν συμβούλιον. Ἡ ἀντιπολίτευσις ἐπέκρινε τὴν στάσιν τῆς κυβερνήσεως καὶ ἐζήτησε τὴν ἄμεσον λῆψιν μέτρων πρὸς ἀνακούφισιν τῶν πληγέντων. Ἐξ ἄλλου ἀνεκοινώθη ὅτι αἱ ζημίαι ἀνέρχονται εἰς σημαντικὰ ποσὰ καὶ ὅτι θὰ ἀπαιτηθῇ μακρὸς χρόνος διὰ τὴν ἀποκατάστασιν. Ἡ ἐπιτροπὴ συνεδρίασεν χθὲς ὑπὸ τὴν προεδρίαν τοῦ ὑπουργοῦ καὶ ἐξήτασε τὰ ζητήματα τὰ ὁποῖα ἀφοροῦν εἰς τὴν ἀγροτικὴν παραγωγὴν καὶ τὴν οἰκονομικὴν κατάστασιν τῆς χώρας. Κατὰ τὴν συζήτησιν ἐτονίσθη ὅτι τὰ μέτρα θὰ ληφθοῦν ἐντὸς τῶν προσεχῶν ἡμερῶν. Ἡ ἀπόφασις ἐλήφθη κατόπιν μακρᾶς συσκέψεως μετὰ τῶν ἐκπροσώπων τῶν ἐνδιαφερομένων ὀργανώσεων. Ἐπίσης ἀνεκοινώθη ὅτι θὰ χορηγηθοῦν δάνεια πρὸς τοὺς παραγωγούς. Ἡ ἐπιτροπὴ συνεδρίασεν χθὲς ὑπὸ τὴν προεδρίαν τοῦ ὑπουργοῦ καὶ ἐξήτασε τὰ ζητήματα τὰ ὁποῖα ἀφοροῦν εἰς τὴν ἀγροτικὴν παραγωγὴν καὶ τὴν οἰκονομικὴν κατάστασιν τῆς χώρας. Κατὰ τὴν συζήτησιν ἐτονίσθη ὅτι τὰ μέτρα θὰ ληφθοῦν ἐντὸς τῶν προσεχῶν ἡμερῶν.
Ἡ ἐπιτροπὴ συνεδρίασεν χθὲς ὑπὸ τὴν προεδρίαν τοῦ ὑπουργοῦ καὶ ἐξήτασε τὰ ζητήματα τὰ ὁποῖα ἀφοροῦν εἰς τὴν ἀγροτικὴν παραγωγὴν καὶ τὴν οἰκονομικὴν κατάστασιν τῆς χώρας. Κατὰ τὴν συζήτησιν ἐτονίσθη ὅτι τὰ μέτρα θὰ ληφθοῦν ἐντὸς τῶν προσεχῶν ἡμερῶν. Ἡ ἀπόφασις ἐλήφθη κατόπιν μακρᾶς συσκέψεως μετὰ τῶν ἐκπροσώπων τῶν ἐνδιαφερομένων ὀργανώσεων. Ἐπίσης ἀνεκοινώθη ὅτι θὰ χορηγηθοῦν δάνεια πρὸς τοὺς παραγωγοὺς τῶν πληγεισῶν περιοχῶν καὶ ὅτι ἡ κυβέρνησις θὰ ἐξετάσῃ τὰ αἰτήματα τῶν ἐργαζομένων. Οἱ ἀντιπρόσωποι ὑπέβαλον ὑπόμνημα διὰ τοῦ ὁποίου ζητοῦν τὴν ἄμεσον ἱκανοποίησιν τῶν αἰτημάτων των. Ἡ ἐπιτροπὴ θὰ συνέλθῃ καὶ πάλιν τὴν προσεχῆ ἑβδομάδα διὰ νὰ ἐξετάσῃ τὰς προτάσεις καὶ νὰ καταλήξῃ εἰς ὁριστικὰς ἀποφάσεις. Κατὰ πληροφορίας ἐκ τῶν ἁρμοδίων ὑπηρεσιῶν τὸ θέμα θὰ ἀπασχολήσῃ καὶ τὸ ὑπουργικὸν συμβούλιον. Ἡ ἀντιπολίτευσις ἐπέκρινε τὴν στάσιν τῆς κυβερνήσεως καὶ ἐζήτησε τὴν ἄμεσον λῆψιν μέτρων πρὸς ἀνακούφισιν τῶν πληγέντων. Ἐξ ἄλλου ἀνεκοινώθη ὅτι αἱ ζημίαι ἀνέρχονται εἰς σημαντικὰ ποσὰ καὶ ὅτι θὰ ἀπαιτηθῇ μακρὸς χρόνος διὰ τὴν ἀποκατάστασιν. Ἡ ἐπιτροπὴ συνεδρίασεν χθὲς ὑπὸ τὴν προεδρίαν τοῦ ὑπουργοῦ καὶ ἐξήτασε τὰ ζητήματα τὰ ὁποῖα ἀφοροῦν εἰς τὴν ἀγροτικὴν παραγωγὴν καὶ τὴν οἰκονομικὴν κατάστασιν τῆς χώρας. Κατὰ τὴν συζήτησιν ἐτονίσθη ὅτι τὰ μέτρα θὰ ληφθοῦν ἐντὸς τῶν προσεχῶν ἡμερῶν. Ἡ ἀπόφασις ἐλήφθη κατόπιν μακρᾶς συσκέψεως μετὰ τῶν ἐκπροσώπων τῶν ἐνδιαφερομένων ὀργανώσεων. Ἐπίσης ἀνεκοινώθη ὅτι θὰ χορηγηθοῦν δάνεια πρὸς τοὺς παραγωγούς. Ἡ ἐπιτροπὴ συνεδρίασεν χθὲς ὑπὸ τὴν προεδρίαν τοῦ ὑπουργοῦ καὶ ἐξήτασε τὰ ζητήματα τὰ ὁποῖα ἀφοροῦν εἰς τὴν ἀγροτικὴν παραγωγὴν καὶ τὴν οἰκονομικὴν κατάστασιν τῆς χώρας. Κατὰ τὴν συζήτησιν ἐτονίσθη ὅτι τὰ μέτρα θὰ ληφθοῦν ἐντὸς τῶν προσεχῶν ἡμερῶν.
ΕΚΤΙΜΗΣΙΣ ΑΓΡΟΤΩΝ ΕΙΣ ΤΗΝ ΤΗΝ ΕΠΙΧΟΡΗΓΗΣΙΝ
Ἡ ἐπιτροπὴ συνεδρίασεν χθὲς ὑπὸ τὴν προεδρίαν τοῦ ὑπουργοῦ καὶ ἐξήτασε τὰ ζητήματα τὰ ὁποῖα ἀφοροῦν εἰς τὴν ἀγροτικὴν παραγωγὴν καὶ τὴν οἰκονομικὴν κατάστασιν τῆς χώρας. Κατὰ τὴν συζήτησιν ἐτονίσθη ὅτι τὰ μέτρα θὰ ληφθοῦν ἐντὸς τῶν προσεχῶν ἡμερῶν. Ἡ ἀπόφασις ἐλήφθη κατόπιν μακρᾶς συσκέψεως μετὰ τῶν ἐκπροσώπων τῶν ἐνδιαφερομένων ὀργανώσεων. Ἐπίσης ἀνεκοινώθη ὅτι θὰ χορηγηθοῦν δάνεια πρὸς τοὺς παραγωγοὺς τῶν πληγεισῶν περιοχῶν καὶ ὅτι ἡ κυβέρνησις θὰ ἐξετάσῃ τὰ αἰτήματα τῶν ἐργαζομένων. Οἱ ἀντιπρόσωποι ὑπέβαλον ὑπόμνημα διὰ τοῦ ὁποίου ζητοῦν τὴν ἄμεσον ἱκανοποίησιν τῶν αἰτημάτων των. Ἡ ἐπιτροπὴ θὰ συνέλθῃ καὶ πάλιν τὴν προσεχῆ ἑβδομάδα διὰ νὰ ἐξετάσῃ τὰς προτάσεις καὶ νὰ καταλήξῃ εἰς ὁριστικὰς ἀποφάσεις. Κατὰ πληροφορίας ἐκ τῶν ἁρμοδίων ὑπηρεσιῶν τὸ θέμα θὰ ἀπασχολήσῃ καὶ τὸ ὑπουργικὸν συμβούλιον. Ἡ ἀντιπολίτευσις ἐπέκρινε τὴν στάσιν τῆς κυβερνήσεως καὶ ἐζήτησε τὴν ἄμεσον λῆψιν μέτρων πρὸς ἀνακούφισιν τῶν πληγέντων. Ἐξ ἄλλου ἀνεκοινώθη ὅτι αἱ ζημίαι ἀνέρχονται εἰς σημαντικὰ ποσὰ καὶ ὅτι θὰ ἀπαιτηθῇ μακρὸς χρόνος διὰ τὴν ἀποκατάστασιν. Ἡ ἐπιτροπὴ συνεδρίασεν χθὲς ὑπὸ τὴν προεδρίαν τοῦ ὑπουργοῦ καὶ ἐξήτασε τὰ ζητήματα τὰ ὁποῖα ἀφοροῦν εἰς τὴν ἀγροτικὴν παραγωγὴν καὶ τὴν οἰκονομικὴν κατάστασιν τῆς χώρας. Κατὰ τὴν συζήτησιν ἐτονίσθη ὅτι τὰ μέτρα θὰ ληφθοῦν ἐντὸς τῶν προσεχῶν ἡμερῶν. Ἡ ἀπόφασις ἐλήφθη κατόπιν μακρᾶς συσκέψεως μετὰ τῶν ἐκπροσώπων τῶν ἐνδιαφερομένων ὀργανώσεων. Ἐπίσης ἀνεκοινώθη ὅτι θὰ χορηγηθοῦν δάνεια πρὸς τοὺς παραγωγούς. Ἡ ἐπιτροπὴ συνεδρίασεν χθὲς ὑπὸ τὴν προεδρίαν τοῦ ὑπουργοῦ καὶ ἐξήτασε τὰ ζητήματα τὰ ὁποῖα ἀφοροῦν εἰς τὴν ἀγροτικὴν παραγωγὴν καὶ τὴν οἰκονομικὴν κατάστασιν τῆς χώρας. Κατὰ τὴν συζήτησιν ἐτονίσθη ὅτι τὰ μέτρα θὰ ληφθοῦν ἐντὸς τῶν προσεχῶν ἡμερῶν.
ΠΡΟΘΕΣΙΣ ΕΙΣ ΤΑΣ ΤΡΑΠΕΖΑΣ ΤΗΣ ΕΛΛΑΔΟΣ
Ἡ ἐπιτροπὴ συνεδρίασεν χθὲς ὑπὸ τὴν προεδρίαν τοῦ ὑπουργοῦ καὶ ἐξήτασε τὰ ζητήματα τὰ ὁποῖα ἀφοροῦν εἰς τὴν ἀγροτικὴν παραγωγὴν καὶ τὴν οἰκονομικὴν κατάστασιν τῆς χώρας. Κατὰ τὴν συζήτησιν ἐτονίσθη ὅτι τὰ μέτρα θὰ ληφθοῦν ἐντὸς τῶν προσεχῶν ἡμερῶν. Ἡ ἀπόφασις ἐλήφθη κατόπιν μακρᾶς συσκέψεως μετὰ τῶν ἐκπροσώπων τῶν ἐνδιαφερομένων ὀργανώσεων. Ἐπίσης ἀνεκοινώθη ὅτι θὰ χορηγηθοῦν δάνεια πρὸς τοὺς παραγωγοὺς τῶν πληγεισῶν περιοχῶν καὶ ὅτι ἡ κυβέρνησις θὰ ἐξετάσῃ τὰ αἰτήματα τῶν ἐργαζομένων. Οἱ ἀντιπρόσωποι ὑπέβαλον ὑπόμνημα διὰ τοῦ ὁποίου ζητοῦν τὴν ἄμεσον ἱκανοποίησιν τῶν αἰτημάτων των. Ἡ ἐπιτροπὴ θὰ συνέλθῃ καὶ πάλιν τὴν προσεχῆ ἑβδομάδα διὰ νὰ ἐξετάσῃ τὰς προτάσεις καὶ νὰ καταλήξῃ εἰς ὁριστικὰς ἀποφάσεις. Κατὰ πληροφορίας ἐκ τῶν ἁρμοδίων ὑπηρεσιῶν τὸ θέμα θὰ ἀπασχολήσῃ καὶ τὸ ὑπουργικὸν συμβούλιον. Ἡ ἀντιπολίτευσις ἐπέκρινε τὴν στάσιν τῆς κυβερνήσεως καὶ ἐζήτησε τὴν ἄμεσον λῆψιν μέτρων πρὸς ἀνακούφισιν τῶν πληγέντων. Ἐξ ἄλλου ἀνεκοινώθη ὅτι αἱ ζημίαι ἀνέρχονται εἰς σημαντικὰ ποσὰ καὶ ὅτι θὰ ἀπαιτηθῇ μακρὸς χρόνος διὰ τὴν ἀποκατάστασιν. Ἡ ἐπιτροπὴ συνεδρίασεν χθὲς ὑπὸ τὴν προεδρίαν τοῦ ὑπουργοῦ καὶ ἐξήτασε τὰ ζητήματα τὰ ὁποῖα ἀφοροῦν εἰς τὴν ἀγροτικὴν παραγωγὴν καὶ τὴν οἰκονομικὴν κατάστασιν τῆς χώρας. Κατὰ τὴν συζήτησιν ἐτονίσθη ὅτι τὰ μέτρα θὰ ληφθοῦν ἐντὸς τῶν προσεχῶν ἡμερῶν. Ἡ ἀπόφασις ἐλήφθη κατόπιν μακρᾶς συσκέψεως μετὰ τῶν ἐκπροσώπων τῶν ἐνδιαφερομένων ὀργανώσεων. Ἐπίσης ἀνεκοινώθη ὅτι θὰ χορηγηθοῦν δάνεια πρὸς τοὺς παραγωγούς. Ἡ ἐπιτροπὴ συνεδρίασεν χθὲς ὑπὸ τὴν προεδρίαν τοῦ ὑπουργοῦ καὶ ἐξήτασε τὰ ζητήματα τὰ ὁποῖα ἀφοροῦν εἰς τὴν ἀγροτικὴν παραγωγὴν καὶ τὴν οἰκονομικὴν κατάστασιν τῆς χώρας. Κατὰ τὴν συζήτησιν ἐτονίσθη ὅτι τὰ μέτρα θὰ ληφθοῦν ἐντὸς τῶν προσεχῶν ἡμερῶν.
ΣΥΝΕΧΙΖΕΤΑΙ Η ΚΡΙΣΙΣ ΣΚΥΡΟΥ-ΙΝΔΙΑΣ
Ἡ ἐπιτροπὴ συνεδρίασεν χθὲς ὑπὸ τὴν προεδρίαν τοῦ ὑπουργοῦ καὶ ἐξήτασε τὰ ζητήματα τὰ ὁποῖα ἀφοροῦν εἰς τὴν ἀγροτικὴν παραγωγὴν καὶ τὴν οἰκονομικὴν κατάστασιν τῆς χώρας. Κατὰ τὴν συζήτησιν ἐτονίσθη ὅτι τὰ μέτρα θὰ ληφθοῦν ἐντὸς τῶν προσεχῶν ἡμερῶν. Ἡ ἀπόφασις ἐλήφθη κατόπιν μακρᾶς συσκέψεως μετὰ τῶν ἐκπροσώπων τῶν ἐνδιαφερομένων ὀργανώσεων. Ἐπίσης ἀνεκοινώθη ὅτι θὰ χορηγηθοῦν δάνεια πρὸς τοὺς παραγωγοὺς τῶν πληγεισῶν περιοχῶν καὶ ὅτι ἡ κυβέρνησις θὰ ἐξετάσῃ τὰ αἰτήματα τῶν ἐργαζομένων. Οἱ ἀντιπρόσωποι ὑπέβαλον ὑπόμνημα διὰ τοῦ ὁποίου ζητοῦν τὴν ἄμεσον ἱκανοποίησιν τῶν αἰτημάτων των. Ἡ ἐπιτροπὴ θὰ συνέλθῃ καὶ πάλιν τὴν προσεχῆ ἑβδομάδα διὰ νὰ ἐξετάσῃ τὰς προτάσεις καὶ νὰ καταλήξῃ εἰς ὁριστικὰς ἀποφάσεις. Κατὰ πληροφορίας ἐκ τῶν ἁρμοδίων ὑπηρεσιῶν τὸ θέμα θὰ ἀπασχολήσῃ καὶ τὸ ὑπουργικὸν συμβούλιον. Ἡ ἀντιπολίτευσις ἐπέκρινε τὴν στάσιν τῆς κυβερνήσεως καὶ ἐζήτησε τὴν ἄμεσον λῆψιν μέτρων πρὸς ἀνακούφισιν τῶν πληγέντων. Ἐξ ἄλλου ἀνεκοινώθη ὅτι αἱ ζημίαι ἀνέρχονται εἰς σημαντικὰ ποσὰ καὶ ὅτι θὰ ἀπαιτηθῇ μακρὸς χρόνος διὰ τὴν ἀποκατάστασιν. Ἡ ἐπιτροπὴ συνεδρίασεν χθὲς ὑπὸ τὴν προεδρίαν τοῦ ὑπουργοῦ καὶ ἐξήτασε τὰ ζητήματα τὰ ὁποῖα ἀφοροῦν εἰς τὴν ἀγροτικὴν παραγωγὴν καὶ τὴν οἰκονομικὴν κατάστασιν τῆς χώρας. Κατὰ τὴν συζήτησιν ἐτονίσθη ὅτι τὰ μέτρα θὰ ληφθοῦν ἐντὸς τῶν προσεχῶν ἡμερῶν. Ἡ ἀπόφασις ἐλήφθη κατόπιν μακρᾶς συσκέψεως μετὰ τῶν ἐκπροσώπων τῶν ἐνδιαφερομένων ὀργανώσεων. Ἐπίσης ἀνεκοινώθη ὅτι θὰ χορηγηθοῦν δάνεια πρὸς τοὺς παραγωγούς. Ἡ ἐπιτροπὴ συνεδρίασεν χθὲς ὑπὸ τὴν προεδρίαν τοῦ ὑπουργοῦ καὶ ἐξήτασε τὰ ζητήματα τὰ ὁποῖα ἀφοροῦν εἰς τὴν ἀγροτικὴν παραγωγὴν καὶ τὴν οἰκονομικὴν κατάστασιν τῆς χώρας. Κατὰ τὴν συζήτησιν ἐτονίσθη ὅτι τὰ μέτρα θὰ ληφθοῦν ἐντὸς τῶν προσεχῶν ἡμερῶν.
ΠΟΛΕΜΙΚΑΙ ΕΠΙΧΕΙΡΗΣΕΙΣ ΚΑΤΑ ΚΟΥΡΔΩΝ ΕΙΣ ΤΗΝ ΝΟΤΙΟΝ ΠΕΡΣΙΑΝ
Ἡ ἐπιτροπὴ συνεδρίασεν χθὲς ὑπὸ τὴν προεδρίαν τοῦ ὑπουργοῦ καὶ ἐξήτασε τὰ ζητήματα τὰ ὁποῖα ἀφοροῦν εἰς τὴν ἀγροτικὴν παραγωγὴν καὶ τὴν οἰκονομικὴν κατάστασιν τῆς χώρας. Κατὰ τὴν συζήτησιν ἐτονίσθη ὅτι τὰ μέτρα θὰ ληφθοῦν ἐντὸς τῶν προσεχῶν ἡμερῶν. Ἡ ἀπόφασις ἐλήφθη κατόπιν μακρᾶς συσκέψεως μετὰ τῶν ἐκπροσώπων τῶν ἐνδιαφερομένων ὀργανώσεων. Ἐπίσης ἀνεκοινώθη ὅτι θὰ χορηγηθοῦν δάνεια πρὸς τοὺς παραγωγοὺς τῶν πληγεισῶν περιοχῶν καὶ ὅτι ἡ κυβέρνησις θὰ ἐξετάσῃ τὰ αἰτήματα τῶν ἐργαζομένων. Οἱ ἀντιπρόσωποι ὑπέβαλον ὑπόμνημα διὰ τοῦ ὁποίου ζητοῦν τὴν ἄμεσον ἱκανοποίησιν τῶν αἰτημάτων των. Ἡ ἐπιτροπὴ θὰ συνέλθῃ καὶ πάλιν τὴν προσεχῆ ἑβδομάδα διὰ νὰ ἐξετάσῃ τὰς προτάσεις καὶ νὰ καταλήξῃ εἰς ὁριστικὰς ἀποφάσεις. Κατὰ πληροφορίας ἐκ τῶν ἁρμοδίων ὑπηρεσιῶν τὸ θέμα θὰ ἀπασχολήσῃ καὶ τὸ ὑπουργικὸν συμβούλιον. Ἡ ἀντιπολίτευσις ἐπέκρινε τὴν στάσιν τῆς κυβερνήσεως καὶ ἐζήτησε τὴν ἄμεσον λῆψιν μέτρων πρὸς ἀνακούφισιν τῶν πληγέντων. Ἐξ ἄλλου ἀνεκοινώθη ὅτι αἱ ζημίαι ἀνέρχονται εἰς σημαντικὰ ποσὰ καὶ ὅτι θὰ ἀπαιτηθῇ μακρὸς χρόνος διὰ τὴν ἀποκατάστασιν. Ἡ ἐπιτροπὴ συνεδρίασεν χθὲς ὑπὸ τὴν προεδρίαν τοῦ ὑπουργοῦ καὶ ἐξήτασε τὰ ζητήματα τὰ ὁποῖα ἀφοροῦν εἰς τὴν ἀγροτικὴν παραγωγὴν καὶ τὴν οἰκονομικὴν κατάστασιν τῆς χώρας. Κατὰ τὴν συζήτησιν ἐτονίσθη ὅτι τὰ μέτρα θὰ ληφθοῦν ἐντὸς τῶν προσεχῶν ἡμερῶν. Ἡ ἀπόφασις ἐλήφθη κατόπιν μακρᾶς συσκέψεως μετὰ τῶν ἐκπροσώπων τῶν ἐνδιαφερομένων ὀργανώσεων. Ἐπίσης ἀνεκοινώθη ὅτι θὰ χορηγηθοῦν δάνεια πρὸς τοὺς παραγωγούς. Ἡ ἐπιτροπὴ συνεδρίασεν χθὲς ὑπὸ τὴν προεδρίαν τοῦ ὑπουργοῦ καὶ ἐξήτασε τὰ ζητήματα τὰ ὁποῖα ἀφοροῦν εἰς τὴν ἀγροτικὴν παραγωγὴν καὶ τὴν οἰκονομικὴν κατάστασιν τῆς χώρας. Κατὰ τὴν συζήτησιν ἐτονίσθη ὅτι τὰ μέτρα θὰ ληφθοῦν ἐντὸς τῶν προσεχῶν ἡμερῶν.
Ἡ Ἀγγλία κατ' ἀρχὴν σύμφωνος εἰς τὴν δημιουργίαν πολυμεροῦς πυρηνικῆς δυνάμεως τοῦ ΝΑΤΟ
ΘΑ ΣΥΜΒΑΛΗ ΕΙΣ ΤΗΝ ΕΝΟΤΗΤΑ ΚΑΙ ΤΗΝ ΙΣΧΥΝ ΤΗΣ ΣΥΜΜΑΧΙΑΣ
Ἡ ἐπιτροπὴ συνεδρίασεν χθὲς ὑπὸ τὴν προεδρίαν τοῦ ὑπουργοῦ καὶ ἐξήτασε τὰ ζητήματα τὰ ὁποῖα ἀφοροῦν εἰς τὴν ἀγροτικὴν παραγωγὴν καὶ τὴν οἰκονομικὴν κατάστασιν τῆς χώρας. Κατὰ τὴν συζήτησιν ἐτονίσθη ὅτι τὰ μέτρα θὰ ληφθοῦν ἐντὸς τῶν προσεχῶν ἡμερῶν. Ἡ ἀπόφασις ἐλήφθη κατόπιν μακρᾶς συσκέψεως μετὰ τῶν ἐκπροσώπων τῶν ἐνδιαφερομένων ὀργανώσεων. Ἐπίσης ἀνεκοινώθη ὅτι θὰ χορηγηθοῦν δάνεια πρὸς τοὺς παραγωγοὺς τῶν πληγεισῶν περιοχῶν καὶ ὅτι ἡ κυβέρνησις θὰ ἐξετάσῃ τὰ αἰτήματα τῶν ἐργαζομένων. Οἱ ἀντιπρόσωποι ὑπέβαλον ὑπόμνημα διὰ τοῦ ὁποίου ζητοῦν τὴν ἄμεσον ἱκανοποίησιν τῶν αἰτημάτων των. Ἡ ἐπιτροπὴ θὰ συνέλθῃ καὶ πάλιν τὴν προσεχῆ ἑβδομάδα διὰ νὰ ἐξετάσῃ τὰς προτάσεις καὶ νὰ καταλήξῃ εἰς ὁριστικὰς ἀποφάσεις. Κατὰ πληροφορίας ἐκ τῶν ἁρμοδίων ὑπηρεσιῶν τὸ θέμα θὰ ἀπασχολήσῃ καὶ τὸ ὑπουργικὸν συμβούλιον. Ἡ ἀντιπολίτευσις ἐπέκρινε τὴν στάσιν τῆς κυβερνήσεως καὶ ἐζήτησε τὴν ἄμεσον λῆψιν μέτρων πρὸς ἀνακούφισιν τῶν πληγέντων. Ἐξ ἄλλου ἀνεκοινώθη ὅτι αἱ ζημίαι ἀνέρχονται εἰς σημαντικὰ ποσὰ καὶ ὅτι θὰ ἀπαιτηθῇ μακρὸς χρόνος διὰ τὴν ἀποκατάστασιν. Ἡ ἐπιτροπὴ συνεδρίασεν χθὲς ὑπὸ τὴν προεδρίαν τοῦ ὑπουργοῦ καὶ ἐξήτασε τὰ ζητήματα τὰ ὁποῖα ἀφοροῦν εἰς τὴν ἀγροτικὴν παραγωγὴν καὶ τὴν οἰκονομικὴν κατάστασιν τῆς χώρας. Κατὰ τὴν συζήτησιν ἐτονίσθη ὅτι τὰ μέτρα θὰ ληφθοῦν ἐντὸς τῶν προσεχῶν ἡμερῶν. Ἡ ἀπόφασις ἐλήφθη κατόπιν μακρᾶς συσκέψεως μετὰ τῶν ἐκπροσώπων τῶν ἐνδιαφερομένων ὀργανώσεων. Ἐπίσης ἀνεκοινώθη ὅτι θὰ χορηγηθοῦν δάνεια πρὸς τοὺς παραγωγούς. Ἡ ἐπιτροπὴ συνεδρίασεν χθὲς ὑπὸ τὴν προεδρίαν τοῦ ὑπουργοῦ καὶ ἐξήτασε τὰ ζητήματα τὰ ὁποῖα ἀφοροῦν εἰς τὴν ἀγροτικὴν παραγωγὴν καὶ τὴν οἰκονομικὴν κατάστασιν τῆς χώρας. Κατὰ τὴν συζήτησιν ἐτονίσθη ὅτι τὰ μέτρα θὰ ληφθοῦν ἐντὸς τῶν προσεχῶν ἡμερῶν.
Ἀμφίδολος ἡ τελικὴ συγκρότησις
Ἡ ἐπιτροπὴ συνεδρίασεν χθὲς ὑπὸ τὴν προεδρίαν τοῦ ὑπουργοῦ καὶ ἐξήτασε τὰ ζητήματα τὰ ὁποῖα ἀφοροῦν εἰς τὴν ἀγροτικὴν παραγωγὴν καὶ τὴν οἰκονομικὴν κατάστασιν τῆς χώρας. Κατὰ τὴν συζήτησιν ἐτονίσθη ὅτι τὰ μέτρα θὰ ληφθοῦν ἐντὸς τῶν προσεχῶν ἡμερῶν. Ἡ ἀπόφασις ἐλήφθη κατόπιν μακρᾶς συσκέψεως μετὰ τῶν ἐκπροσώπων τῶν ἐνδιαφερομένων ὀργανώσεων. Ἐπίσης ἀνεκοινώθη ὅτι θὰ χορηγηθοῦν δάνεια πρὸς τοὺς παραγωγοὺς τῶν πληγεισῶν περιοχῶν καὶ ὅτι ἡ κυβέρνησις θὰ ἐξετάσῃ τὰ αἰτήματα τῶν ἐργαζομένων. Οἱ ἀντιπρόσωποι ὑπέβαλον ὑπόμνημα διὰ τοῦ ὁποίου ζητοῦν τὴν ἄμεσον ἱκανοποίησιν τῶν αἰτημάτων των. Ἡ ἐπιτροπὴ θὰ συνέλθῃ καὶ πάλιν τὴν προσεχῆ ἑβδομάδα διὰ νὰ ἐξετάσῃ τὰς προτάσεις καὶ νὰ καταλήξῃ εἰς ὁριστικὰς ἀποφάσεις. Κατὰ πληροφορίας ἐκ τῶν ἁρμοδίων ὑπηρεσιῶν τὸ θέμα θὰ ἀπασχολήσῃ καὶ τὸ ὑπουργικὸν συμβούλιον. Ἡ ἀντιπολίτευσις ἐπέκρινε τὴν στάσιν τῆς κυβερνήσεως καὶ ἐζήτησε τὴν ἄμεσον λῆψιν μέτρων πρὸς ἀνακούφισιν τῶν πληγέντων. Ἐξ ἄλλου ἀνεκοινώθη ὅτι αἱ ζημίαι ἀνέρχονται εἰς σημαντικὰ ποσὰ καὶ ὅτι θὰ ἀπαιτηθῇ μακρὸς χρόνος διὰ τὴν ἀποκατάστασιν. Ἡ ἐπιτροπὴ συνεδρίασεν χθὲς ὑπὸ τὴν προεδρίαν τοῦ ὑπουργοῦ καὶ ἐξήτασε τὰ ζητήματα τὰ ὁποῖα ἀφοροῦν εἰς τὴν ἀγροτικὴν παραγωγὴν καὶ τὴν οἰκονομικὴν κατάστασιν τῆς χώρας. Κατὰ τὴν συζήτησιν ἐτονίσθη ὅτι τὰ μέτρα θὰ ληφθοῦν ἐντὸς τῶν προσεχῶν ἡμερῶν. Ἡ ἀπόφασις ἐλήφθη κατόπιν μακρᾶς συσκέψεως μετὰ τῶν ἐκπροσώπων τῶν ἐνδιαφερομένων ὀργανώσεων. Ἐπίσης ἀνεκοινώθη ὅτι θὰ χορηγηθοῦν δάνεια πρὸς τοὺς παραγωγούς. Ἡ ἐπιτροπὴ συνεδρίασεν χθὲς ὑπὸ τὴν προεδρίαν τοῦ ὑπουργοῦ καὶ ἐξήτασε τὰ ζητήματα τὰ ὁποῖα ἀφοροῦν εἰς τὴν ἀγροτικὴν παραγωγὴν καὶ τὴν οἰκονομικὴν κατάστασιν τῆς χώρας. Κατὰ τὴν συζήτησιν ἐτονίσθη ὅτι τὰ μέτρα θὰ ληφθοῦν ἐντὸς τῶν προσεχῶν ἡμερῶν.
Η ΚΥΒΕΡΝΗΣΙΣ ΑΡΝΕΙΤΑΙ ΝΑ ΔΕΧΘΗ ΤΗΝ ΕΠΙΛΥΣΙΝ ΤΩΝ ΟΙΚΟΝΟΜΙΚΩΝ ΑΙΤΗΜΑΤΩΝ ΤΟΥ ΙΑΤΡΙΚΟΥ ΚΟΣΜΟΥ
ΠΡΟΣ ΕΒΔΟΜΑΔΙΑΙΑΝ ΑΠΕΡΓΙΑΝ
Ἡ ἐπιτροπὴ συνεδρίασεν χθὲς ὑπὸ τὴν προεδρίαν τοῦ ὑπουργοῦ καὶ ἐξήτασε τὰ ζητήματα τὰ ὁποῖα ἀφοροῦν εἰς τὴν ἀγροτικὴν παραγωγὴν καὶ τὴν οἰκονομικὴν κατάστασιν τῆς χώρας. Κατὰ τὴν συζήτησιν ἐτονίσθη ὅτι τὰ μέτρα θὰ ληφθοῦν ἐντὸς τῶν προσεχῶν ἡμερῶν. Ἡ ἀπόφασις ἐλήφθη κατόπιν μακρᾶς συσκέψεως μετὰ τῶν ἐκπροσώπων τῶν ἐνδιαφερομένων ὀργανώσεων. Ἐπίσης ἀνεκοινώθη ὅτι θὰ χορηγηθοῦν δάνεια πρὸς τοὺς παραγωγοὺς τῶν πληγεισῶν περιοχῶν καὶ ὅτι ἡ κυβέρνησις θὰ ἐξετάσῃ τὰ αἰτήματα τῶν ἐργαζομένων. Οἱ ἀντιπρόσωποι ὑπέβαλον ὑπόμνημα διὰ τοῦ ὁποίου ζητοῦν τὴν ἄμεσον ἱκανοποίησιν τῶν αἰτημάτων των. Ἡ ἐπιτροπὴ θὰ συνέλθῃ καὶ πάλιν τὴν προσεχῆ ἑβδομάδα διὰ νὰ ἐξετάσῃ τὰς προτάσεις καὶ νὰ καταλήξῃ εἰς ὁριστικὰς ἀποφάσεις. Κατὰ πληροφορίας ἐκ τῶν ἁρμοδίων ὑπηρεσιῶν τὸ θέμα θὰ ἀπασχολήσῃ καὶ τὸ ὑπουργικὸν συμβούλιον. Ἡ ἀντιπολίτευσις ἐπέκρινε τὴν στάσιν τῆς κυβερνήσεως καὶ ἐζήτησε τὴν ἄμεσον λῆψιν μέτρων πρὸς ἀνακούφισιν τῶν πληγέντων. Ἐξ ἄλλου ἀνεκοινώθη ὅτι αἱ ζημίαι ἀνέρχονται εἰς σημαντικὰ ποσὰ καὶ ὅτι θὰ ἀπαιτηθῇ μακρὸς χρόνος διὰ τὴν ἀποκατάστασιν. Ἡ ἐπιτροπὴ συνεδρίασεν χθὲς ὑπὸ τὴν προεδρίαν τοῦ ὑπουργοῦ καὶ ἐξήτασε τὰ ζητήματα τὰ ὁποῖα ἀφοροῦν εἰς τὴν ἀγροτικὴν παραγωγὴν καὶ τὴν οἰκονομικὴν κατάστασιν τῆς χώρας. Κατὰ τὴν συζήτησιν ἐτονίσθη ὅτι τὰ μέτρα θὰ ληφθοῦν ἐντὸς τῶν προσεχῶν ἡμερῶν. Ἡ ἀπόφασις ἐλήφθη κατόπιν μακρᾶς συσκέψεως μετὰ τῶν ἐκπροσώπων τῶν ἐνδιαφερομένων ὀργανώσεων. Ἐπίσης ἀνεκοινώθη ὅτι θὰ χορηγηθοῦν δάνεια πρὸς τοὺς παραγωγούς. Ἡ ἐπιτροπὴ συνεδρίασεν χθὲς ὑπὸ τὴν προεδρίαν τοῦ ὑπουργοῦ καὶ ἐξήτασε τὰ ζητήματα τὰ ὁποῖα ἀφοροῦν εἰς τὴν ἀγροτικὴν παραγωγὴν καὶ τὴν οἰκονομικὴν κατάστασιν τῆς χώρας. Κατὰ τὴν συζήτησιν ἐτονίσθη ὅτι τὰ μέτρα θὰ ληφθοῦν ἐντὸς τῶν προσεχῶν ἡμερῶν.
ΡΩΣΙΚΗ ΔΙΑΜΑΡΤΥΡΙΑ ΠΡΟΣ ΤΑΣ ΗΝ. ΠΟΛΙΤΕΙΑΣ ΔΙ' ΕΠΙΘΕΣΙΝ ΚΑΤ' ΑΛΙΕΥΤΙΚΟΥ ΕΙΣ ΚΑΡΑΪΒΙΚΗΝ
Ἡ ἐπιτροπὴ συνεδρίασεν χθὲς ὑπὸ τὴν προεδρίαν τοῦ ὑπουργοῦ καὶ ἐξήτασε τὰ ζητήματα τὰ ὁποῖα ἀφοροῦν εἰς τὴν ἀγροτικὴν παραγωγὴν καὶ τὴν οἰκονομικὴν κατάστασιν τῆς χώρας. Κατὰ τὴν συζήτησιν ἐτονίσθη ὅτι τὰ μέτρα θὰ ληφθοῦν ἐντὸς τῶν προσεχῶν ἡμερῶν. Ἡ ἀπόφασις ἐλήφθη κατόπιν μακρᾶς συσκέψεως μετὰ τῶν ἐκπροσώπων τῶν ἐνδιαφερομένων ὀργανώσεων. Ἐπίσης ἀνεκοινώθη ὅτι θὰ χορηγηθοῦν δάνεια πρὸς τοὺς παραγωγοὺς τῶν πληγεισῶν περιοχῶν καὶ ὅτι ἡ κυβέρνησις θὰ ἐξετάσῃ τὰ αἰτήματα τῶν ἐργαζομένων. Οἱ ἀντιπρόσωποι ὑπέβαλον ὑπόμνημα διὰ τοῦ ὁποίου ζητοῦν τὴν ἄμεσον ἱκανοποίησιν τῶν αἰτημάτων των. Ἡ ἐπιτροπὴ θὰ συνέλθῃ καὶ πάλιν τὴν προσεχῆ ἑβδομάδα διὰ νὰ ἐξετάσῃ τὰς προτάσεις καὶ νὰ καταλήξῃ εἰς ὁριστικὰς ἀποφάσεις. Κατὰ πληροφορίας ἐκ τῶν ἁρμοδίων ὑπηρεσιῶν τὸ θέμα θὰ ἀπασχολήσῃ καὶ τὸ ὑπουργικὸν συμβούλιον. Ἡ ἀντιπολίτευσις ἐπέκρινε τὴν στάσιν τῆς κυβερνήσεως καὶ ἐζήτησε τὴν ἄμεσον λῆψιν μέτρων πρὸς ἀνακούφισιν τῶν πληγέντων. Ἐξ ἄλλου ἀνεκοινώθη ὅτι αἱ ζημίαι ἀνέρχονται εἰς σημαντικὰ ποσὰ καὶ ὅτι θὰ ἀπαιτηθῇ μακρὸς χρόνος διὰ τὴν ἀποκατάστασιν. Ἡ ἐπιτροπὴ συνεδρίασεν χθὲς ὑπὸ τὴν προεδρίαν τοῦ ὑπουργοῦ καὶ ἐξήτασε τὰ ζητήματα τὰ ὁποῖα ἀφοροῦν εἰς τὴν ἀγροτικὴν παραγωγὴν καὶ τὴν οἰκονομικὴν κατάστασιν τῆς χώρας. Κατὰ τὴν συζήτησιν ἐτονίσθη ὅτι τὰ μέτρα θὰ ληφθοῦν ἐντὸς τῶν προσεχῶν ἡμερῶν. Ἡ ἀπόφασις ἐλήφθη κατόπιν μακρᾶς συσκέψεως μετὰ τῶν ἐκπροσώπων τῶν ἐνδιαφερομένων ὀργανώσεων. Ἐπίσης ἀνεκοινώθη ὅτι θὰ χορηγηθοῦν δάνεια πρὸς τοὺς παραγωγούς. Ἡ ἐπιτροπὴ συνεδρίασεν χθὲς ὑπὸ τὴν προεδρίαν τοῦ ὑπουργοῦ καὶ ἐξήτασε τὰ ζητήματα τὰ ὁποῖα ἀφοροῦν εἰς τὴν ἀγροτικὴν παραγωγὴν καὶ τὴν οἰκονομικὴν κατάστασιν τῆς χώρας. Κατὰ τὴν συζήτησιν ἐτονίσθη ὅτι τὰ μέτρα θὰ ληφθοῦν ἐντὸς τῶν προσεχῶν ἡμερῶν.
Η ΧΘΕΣΙΝΗ ΕΝ ΣΤΕΝΩ ΚΥΚΛΩ «ΠΡΩΤΗ» ΤΗΣ ΕΠΙΤΡΟΠΗΣ ΔΙΑ ΤΗΝ ΑΝΑΘΕΩΡΗΣΙΝ ΤΟΥ ΣΥΝΤΑΓΜΑΤΟΣ
Ἡ ἐπιτροπὴ συνεδρίασεν χθὲς ὑπὸ τὴν προεδρίαν τοῦ ὑπουργοῦ καὶ ἐξήτασε τὰ ζητήματα τὰ ὁποῖα ἀφοροῦν εἰς τὴν ἀγροτικὴν παραγωγὴν καὶ τὴν οἰκονομικὴν κατάστασιν τῆς χώρας. Κατὰ τὴν συζήτησιν ἐτονίσθη ὅτι τὰ μέτρα θὰ ληφθοῦν ἐντὸς τῶν προσεχῶν ἡμερῶν. Ἡ ἀπόφασις ἐλήφθη κατόπιν μακρᾶς συσκέψεως μετὰ τῶν ἐκπροσώπων τῶν ἐνδιαφερομένων ὀργανώσεων. Ἐπίσης ἀνεκοινώθη ὅτι θὰ χορηγηθοῦν δάνεια πρὸς τοὺς παραγωγοὺς τῶν πληγεισῶν περιοχῶν καὶ ὅτι ἡ κυβέρνησις θὰ ἐξετάσῃ τὰ αἰτήματα τῶν ἐργαζομένων. Οἱ ἀντιπρόσωποι ὑπέβαλον ὑπόμνημα διὰ τοῦ ὁποίου ζητοῦν τὴν ἄμεσον ἱκανοποίησιν τῶν αἰτημάτων των. Ἡ ἐπιτροπὴ θὰ συνέλθῃ καὶ πάλιν τὴν προσεχῆ ἑβδομάδα διὰ νὰ ἐξετάσῃ τὰς προτάσεις καὶ νὰ καταλήξῃ εἰς ὁριστικὰς ἀποφάσεις. Κατὰ πληροφορίας ἐκ τῶν ἁρμοδίων ὑπηρεσιῶν τὸ θέμα θὰ ἀπασχολήσῃ καὶ τὸ ὑπουργικὸν συμβούλιον. Ἡ ἀντιπολίτευσις ἐπέκρινε τὴν στάσιν τῆς κυβερνήσεως καὶ ἐζήτησε τὴν ἄμεσον λῆψιν μέτρων πρὸς ἀνακούφισιν τῶν πληγέντων. Ἐξ ἄλλου ἀνεκοινώθη ὅτι αἱ ζημίαι ἀνέρχονται εἰς σημαντικὰ ποσὰ καὶ ὅτι θὰ ἀπαιτηθῇ μακρὸς χρόνος διὰ τὴν ἀποκατάστασιν. Ἡ ἐπιτροπὴ συνεδρίασεν χθὲς ὑπὸ τὴν προεδρίαν τοῦ ὑπουργοῦ καὶ ἐξήτασε τὰ ζητήματα τὰ ὁποῖα ἀφοροῦν εἰς τὴν ἀγροτικὴν παραγωγὴν καὶ τὴν οἰκονομικὴν κατάστασιν τῆς χώρας. Κατὰ τὴν συζήτησιν ἐτονίσθη ὅτι τὰ μέτρα θὰ ληφθοῦν ἐντὸς τῶν προσεχῶν ἡμερῶν. Ἡ ἀπόφασις ἐλήφθη κατόπιν μακρᾶς συσκέψεως μετὰ τῶν ἐκπροσώπων τῶν ἐνδιαφερομένων ὀργανώσεων. Ἐπίσης ἀνεκοινώθη ὅτι θὰ χορηγηθοῦν δάνεια πρὸς τοὺς παραγωγούς. Ἡ ἐπιτροπὴ συνεδρίασεν χθὲς ὑπὸ τὴν προεδρίαν τοῦ ὑπουργοῦ καὶ ἐξήτασε τὰ ζητήματα τὰ ὁποῖα ἀφοροῦν εἰς τὴν ἀγροτικὴν παραγωγὴν καὶ τὴν οἰκονομικὴν κατάστασιν τῆς χώρας. Κατὰ τὴν συζήτησιν ἐτονίσθη ὅτι τὰ μέτρα θὰ ληφθοῦν ἐντὸς τῶν προσεχῶν ἡμερῶν.
ΕΝΑΝΤΙΟΝ ΤΗΣ ΑΝΑΘΕΩΡΗΣΕΩΣ
Ἡ ἐπιτροπὴ συνεδρίασεν χθὲς ὑπὸ τὴν προεδρίαν τοῦ ὑπουργοῦ καὶ ἐξήτασε τὰ ζητήματα τὰ ὁποῖα ἀφοροῦν εἰς τὴν ἀγροτικὴν παραγωγὴν καὶ τὴν οἰκονομικὴν κατάστασιν τῆς χώρας. Κατὰ τὴν συζήτησιν ἐτονίσθη ὅτι τὰ μέτρα θὰ ληφθοῦν ἐντὸς τῶν προσεχῶν ἡμερῶν. Ἡ ἀπόφασις ἐλήφθη κατόπιν μακρᾶς συσκέψεως μετὰ τῶν ἐκπροσώπων τῶν ἐνδιαφερομένων ὀργανώσεων. Ἐπίσης ἀνεκοινώθη ὅτι θὰ χορηγηθοῦν δάνεια πρὸς τοὺς παραγωγοὺς τῶν πληγεισῶν περιοχῶν καὶ ὅτι ἡ κυβέρνησις θὰ ἐξετάσῃ τὰ αἰτήματα τῶν ἐργαζομένων. Οἱ ἀντιπρόσωποι ὑπέβαλον ὑπόμνημα διὰ τοῦ ὁποίου ζητοῦν τὴν ἄμεσον ἱκανοποίησιν τῶν αἰτημάτων των. Ἡ ἐπιτροπὴ θὰ συνέλθῃ καὶ πάλιν τὴν προσεχῆ ἑβδομάδα διὰ νὰ ἐξετάσῃ τὰς προτάσεις καὶ νὰ καταλήξῃ εἰς ὁριστικὰς ἀποφάσεις. Κατὰ πληροφορίας ἐκ τῶν ἁρμοδίων ὑπηρεσιῶν τὸ θέμα θὰ ἀπασχολήσῃ καὶ τὸ ὑπουργικὸν συμβούλιον. Ἡ ἀντιπολίτευσις ἐπέκρινε τὴν στάσιν τῆς κυβερνήσεως καὶ ἐζήτησε τὴν ἄμεσον λῆψιν μέτρων πρὸς ἀνακούφισιν τῶν πληγέντων. Ἐξ ἄλλου ἀνεκοινώθη ὅτι αἱ ζημίαι ἀνέρχονται εἰς σημαντικὰ ποσὰ καὶ ὅτι θὰ ἀπαιτηθῇ μακρὸς χρόνος διὰ τὴν ἀποκατάστασιν. Ἡ ἐπιτροπὴ συνεδρίασεν χθὲς ὑπὸ τὴν προεδρίαν τοῦ ὑπουργοῦ καὶ ἐξήτασε τὰ ζητήματα τὰ ὁποῖα ἀφοροῦν εἰς τὴν ἀγροτικὴν παραγωγὴν καὶ τὴν οἰκονομικὴν κατάστασιν τῆς χώρας. Κατὰ τὴν συζήτησιν ἐτονίσθη ὅτι τὰ μέτρα θὰ ληφθοῦν ἐντὸς τῶν προσεχῶν ἡμερῶν. Ἡ ἀπόφασις ἐλήφθη κατόπιν μακρᾶς συσκέψεως μετὰ τῶν ἐκπροσώπων τῶν ἐνδιαφερομένων ὀργανώσεων. Ἐπίσης ἀνεκοινώθη ὅτι θὰ χορηγηθοῦν δάνεια πρὸς τοὺς παραγωγούς. Ἡ ἐπιτροπὴ συνεδρίασεν χθὲς ὑπὸ τὴν προεδρίαν τοῦ ὑπουργοῦ καὶ ἐξήτασε τὰ ζητήματα τὰ ὁποῖα ἀφοροῦν εἰς τὴν ἀγροτικὴν παραγωγὴν καὶ τὴν οἰκονομικὴν κατάστασιν τῆς χώρας. Κατὰ τὴν συζήτησιν ἐτονίσθη ὅτι τὰ μέτρα θὰ ληφθοῦν ἐντὸς τῶν προσεχῶν ἡμερῶν.
ΑΥΞΑΝΕΤΑΙ Ο ΒΑΣΙΚΟΣ ΜΙΣΘΟΣ ΤΩΝ ΙΑΤΡΩΝ ΤΟΥ ΙΚΑ
Ἡ ἐπιτροπὴ συνεδρίασεν χθὲς ὑπὸ τὴν προεδρίαν τοῦ ὑπουργοῦ καὶ ἐξήτασε τὰ ζητήματα τὰ ὁποῖα ἀφοροῦν εἰς τὴν ἀγροτικὴν παραγωγὴν καὶ τὴν οἰκονομικὴν κατάστασιν τῆς χώρας. Κατὰ τὴν συζήτησιν ἐτονίσθη ὅτι τὰ μέτρα θὰ ληφθοῦν ἐντὸς τῶν προσεχῶν ἡμερῶν. Ἡ ἀπόφασις ἐλήφθη κατόπιν μακρᾶς συσκέψεως μετὰ τῶν ἐκπροσώπων τῶν ἐνδιαφερομένων ὀργανώσεων. Ἐπίσης ἀνεκοινώθη ὅτι θὰ χορηγηθοῦν δάνεια πρὸς τοὺς παραγωγοὺς τῶν πληγεισῶν περιοχῶν καὶ ὅτι ἡ κυβέρνησις θὰ ἐξετάσῃ τὰ αἰτήματα τῶν ἐργαζομένων. Οἱ ἀντιπρόσωποι ὑπέβαλον ὑπόμνημα διὰ τοῦ ὁποίου ζητοῦν τὴν ἄμεσον ἱκανοποίησιν τῶν αἰτημάτων των. Ἡ ἐπιτροπὴ θὰ συνέλθῃ καὶ πάλιν τὴν προσεχῆ ἑβδομάδα διὰ νὰ ἐξετάσῃ τὰς προτάσεις καὶ νὰ καταλήξῃ εἰς ὁριστικὰς ἀποφάσεις. Κατὰ πληροφορίας ἐκ τῶν ἁρμοδίων ὑπηρεσιῶν τὸ θέμα θὰ ἀπασχολήσῃ καὶ τὸ ὑπουργικὸν συμβούλιον. Ἡ ἀντιπολίτευσις ἐπέκρινε τὴν στάσιν τῆς κυβερνήσεως καὶ ἐζήτησε τὴν ἄμεσον λῆψιν μέτρων πρὸς ἀνακούφισιν τῶν πληγέντων. Ἐξ ἄλλου ἀνεκοινώθη ὅτι αἱ ζημίαι ἀνέρχονται εἰς σημαντικὰ ποσὰ καὶ ὅτι θὰ ἀπαιτηθῇ μακρὸς χρόνος διὰ τὴν ἀποκατάστασιν. Ἡ ἐπιτροπὴ συνεδρίασεν χθὲς ὑπὸ τὴν προεδρίαν τοῦ ὑπουργοῦ καὶ ἐξήτασε τὰ ζητήματα τὰ ὁποῖα ἀφοροῦν εἰς τὴν ἀγροτικὴν παραγωγὴν καὶ τὴν οἰκονομικὴν κατάστασιν τῆς χώρας. Κατὰ τὴν συζήτησιν ἐτονίσθη ὅτι τὰ μέτρα θὰ ληφθοῦν ἐντὸς τῶν προσεχῶν ἡμερῶν. Ἡ ἀπόφασις ἐλήφθη κατόπιν μακρᾶς συσκέψεως μετὰ τῶν ἐκπροσώπων τῶν ἐνδιαφερομένων ὀργανώσεων. Ἐπίσης ἀνεκοινώθη ὅτι θὰ χορηγηθοῦν δάνεια πρὸς τοὺς παραγωγούς. Ἡ ἐπιτροπὴ συνεδρίασεν χθὲς ὑπὸ τὴν προεδρίαν τοῦ ὑπουργοῦ καὶ ἐξήτασε τὰ ζητήματα τὰ ὁποῖα ἀφοροῦν εἰς τὴν ἀγροτικὴν παραγωγὴν καὶ τὴν οἰκονομικὴν κατάστασιν τῆς χώρας. Κατὰ τὴν συζήτησιν ἐτονίσθη ὅτι τὰ μέτρα θὰ ληφθοῦν ἐντὸς τῶν προσεχῶν ἡμερῶν.
ΦΙΛΑΘΟΣ ΕΦΟΝΕΥΘΗ ΔΙΑ ΝΑ ΠΡΟΔΩΣΗ ΑΓΩΝΑ
Ἡ ἐπιτροπὴ συνεδρίασεν χθὲς ὑπὸ τὴν προεδρίαν τοῦ ὑπουργοῦ καὶ ἐξήτασε τὰ ζητήματα τὰ ὁποῖα ἀφοροῦν εἰς τὴν ἀγροτικὴν παραγωγὴν καὶ τὴν οἰκονομικὴν κατάστασιν τῆς χώρας. Κατὰ τὴν συζήτησιν ἐτονίσθη ὅτι τὰ μέτρα θὰ ληφθοῦν ἐντὸς τῶν προσεχῶν ἡμερῶν. Ἡ ἀπόφασις ἐλήφθη κατόπιν μακρᾶς συσκέψεως μετὰ τῶν ἐκπροσώπων τῶν ἐνδιαφερομένων ὀργανώσεων. Ἐπίσης ἀνεκοινώθη ὅτι θὰ χορηγηθοῦν δάνεια πρὸς τοὺς παραγωγοὺς τῶν πληγεισῶν περιοχῶν καὶ ὅτι ἡ κυβέρνησις θὰ ἐξετάσῃ τὰ αἰτήματα τῶν ἐργαζομένων. Οἱ ἀντιπρόσωποι ὑπέβαλον ὑπόμνημα διὰ τοῦ ὁποίου ζητοῦν τὴν ἄμεσον ἱκανοποίησιν τῶν αἰτημάτων των. Ἡ ἐπιτροπὴ θὰ συνέλθῃ καὶ πάλιν τὴν προσεχῆ ἑβδομάδα διὰ νὰ ἐξετάσῃ τὰς προτάσεις καὶ νὰ καταλήξῃ εἰς ὁριστικὰς ἀποφάσεις. Κατὰ πληροφορίας ἐκ τῶν ἁρμοδίων ὑπηρεσιῶν τὸ θέμα θὰ ἀπασχολήσῃ καὶ τὸ ὑπουργικὸν συμβούλιον. Ἡ ἀντιπολίτευσις ἐπέκρινε τὴν στάσιν τῆς κυβερνήσεως καὶ ἐζήτησε τὴν ἄμεσον λῆψιν μέτρων πρὸς ἀνακούφισιν τῶν πληγέντων. Ἐξ ἄλλου ἀνεκοινώθη ὅτι αἱ ζημίαι ἀνέρχονται εἰς σημαντικὰ ποσὰ καὶ ὅτι θὰ ἀπαιτηθῇ μακρὸς χρόνος διὰ τὴν ἀποκατάστασιν. Ἡ ἐπιτροπὴ συνεδρίασεν χθὲς ὑπὸ τὴν προεδρίαν τοῦ ὑπουργοῦ καὶ ἐξήτασε τὰ ζητήματα τὰ ὁποῖα ἀφοροῦν εἰς τὴν ἀγροτικὴν παραγωγὴν καὶ τὴν οἰκονομικὴν κατάστασιν τῆς χώρας. Κατὰ τὴν συζήτησιν ἐτονίσθη ὅτι τὰ μέτρα θὰ ληφθοῦν ἐντὸς τῶν προσεχῶν ἡμερῶν. Ἡ ἀπόφασις ἐλήφθη κατόπιν μακρᾶς συσκέψεως μετὰ τῶν ἐκπροσώπων τῶν ἐνδιαφερομένων ὀργανώσεων. Ἐπίσης ἀνεκοινώθη ὅτι θὰ χορηγηθοῦν δάνεια πρὸς τοὺς παραγωγούς. Ἡ ἐπιτροπὴ συνεδρίασεν χθὲς ὑπὸ τὴν προεδρίαν τοῦ ὑπουργοῦ καὶ ἐξήτασε τὰ ζητήματα τὰ ὁποῖα ἀφοροῦν εἰς τὴν ἀγροτικὴν παραγωγὴν καὶ τὴν οἰκονομικὴν κατάστασιν τῆς χώρας. Κατὰ τὴν συζήτησιν ἐτονίσθη ὅτι τὰ μέτρα θὰ ληφθοῦν ἐντὸς τῶν προσεχῶν ἡμερῶν.
ΦΥΓΙΤΙΓΟΝ ΔΥΝΑΜΙΤΙΔΟΣ ΜΕΣΑ ΕΙΣ ΤΑ ΣΚΟΥΠΙΔΙΑ ΤΟΥ ΑΠΕΚΟΥΕ ΤΗΝ ΧΕΙΡΑ
Ἡ ἐπιτροπὴ συνεδρίασεν χθὲς ὑπὸ τὴν προεδρίαν τοῦ ὑπουργοῦ καὶ ἐξήτασε τὰ ζητήματα τὰ ὁποῖα ἀφοροῦν εἰς τὴν ἀγροτικὴν παραγωγὴν καὶ τὴν οἰκονομικὴν κατάστασιν τῆς χώρας. Κατὰ τὴν συζήτησιν ἐτονίσθη ὅτι τὰ μέτρα θὰ ληφθοῦν ἐντὸς τῶν προσεχῶν ἡμερῶν. Ἡ ἀπόφασις ἐλήφθη κατόπιν μακρᾶς συσκέψεως μετὰ τῶν ἐκπροσώπων τῶν ἐνδιαφερομένων ὀργανώσεων. Ἐπίσης ἀνεκοινώθη ὅτι θὰ χορηγηθοῦν δάνεια πρὸς τοὺς παραγωγοὺς τῶν πληγεισῶν περιοχῶν καὶ ὅτι ἡ κυβέρνησις θὰ ἐξετάσῃ τὰ αἰτήματα τῶν ἐργαζομένων. Οἱ ἀντιπρόσωποι ὑπέβαλον ὑπόμνημα διὰ τοῦ ὁποίου ζητοῦν τὴν ἄμεσον ἱκανοποίησιν τῶν αἰτημάτων των. Ἡ ἐπιτροπὴ θὰ συνέλθῃ καὶ πάλιν τὴν προσεχῆ ἑβδομάδα διὰ νὰ ἐξετάσῃ τὰς προτάσεις καὶ νὰ καταλήξῃ εἰς ὁριστικὰς ἀποφάσεις. Κατὰ πληροφορίας ἐκ τῶν ἁρμοδίων ὑπηρεσιῶν τὸ θέμα θὰ ἀπασχολήσῃ καὶ τὸ ὑπουργικὸν συμβούλιον. Ἡ ἀντιπολίτευσις ἐπέκρινε τὴν στάσιν τῆς κυβερνήσεως καὶ ἐζήτησε τὴν ἄμεσον λῆψιν μέτρων πρὸς ἀνακούφισιν τῶν πληγέντων. Ἐξ ἄλλου ἀνεκοινώθη ὅτι αἱ ζημίαι ἀνέρχονται εἰς σημαντικὰ ποσὰ καὶ ὅτι θὰ ἀπαιτηθῇ μακρὸς χρόνος διὰ τὴν ἀποκατάστασιν. Ἡ ἐπιτροπὴ συνεδρίασεν χθὲς ὑπὸ τὴν προεδρίαν τοῦ ὑπουργοῦ καὶ ἐξήτασε τὰ ζητήματα τὰ ὁποῖα ἀφοροῦν εἰς τὴν ἀγροτικὴν παραγωγὴν καὶ τὴν οἰκονομικὴν κατάστασιν τῆς χώρας. Κατὰ τὴν συζήτησιν ἐτονίσθη ὅτι τὰ μέτρα θὰ ληφθοῦν ἐντὸς τῶν προσεχῶν ἡμερῶν. Ἡ ἀπόφασις ἐλήφθη κατόπιν μακρᾶς συσκέψεως μετὰ τῶν ἐκπροσώπων τῶν ἐνδιαφερομένων ὀργανώσεων. Ἐπίσης ἀνεκοινώθη ὅτι θὰ χορηγηθοῦν δάνεια πρὸς τοὺς παραγωγούς. Ἡ ἐπιτροπὴ συνεδρίασεν χθὲς ὑπὸ τὴν προεδρίαν τοῦ ὑπουργοῦ καὶ ἐξήτασε τὰ ζητήματα τὰ ὁποῖα ἀφοροῦν εἰς τὴν ἀγροτικὴν παραγωγὴν καὶ τὴν οἰκονομικὴν κατάστασιν τῆς χώρας. Κατὰ τὴν συζήτησιν ἐτονίσθη ὅτι τὰ μέτρα θὰ ληφθοῦν ἐντὸς τῶν προσεχῶν ἡμερῶν.
